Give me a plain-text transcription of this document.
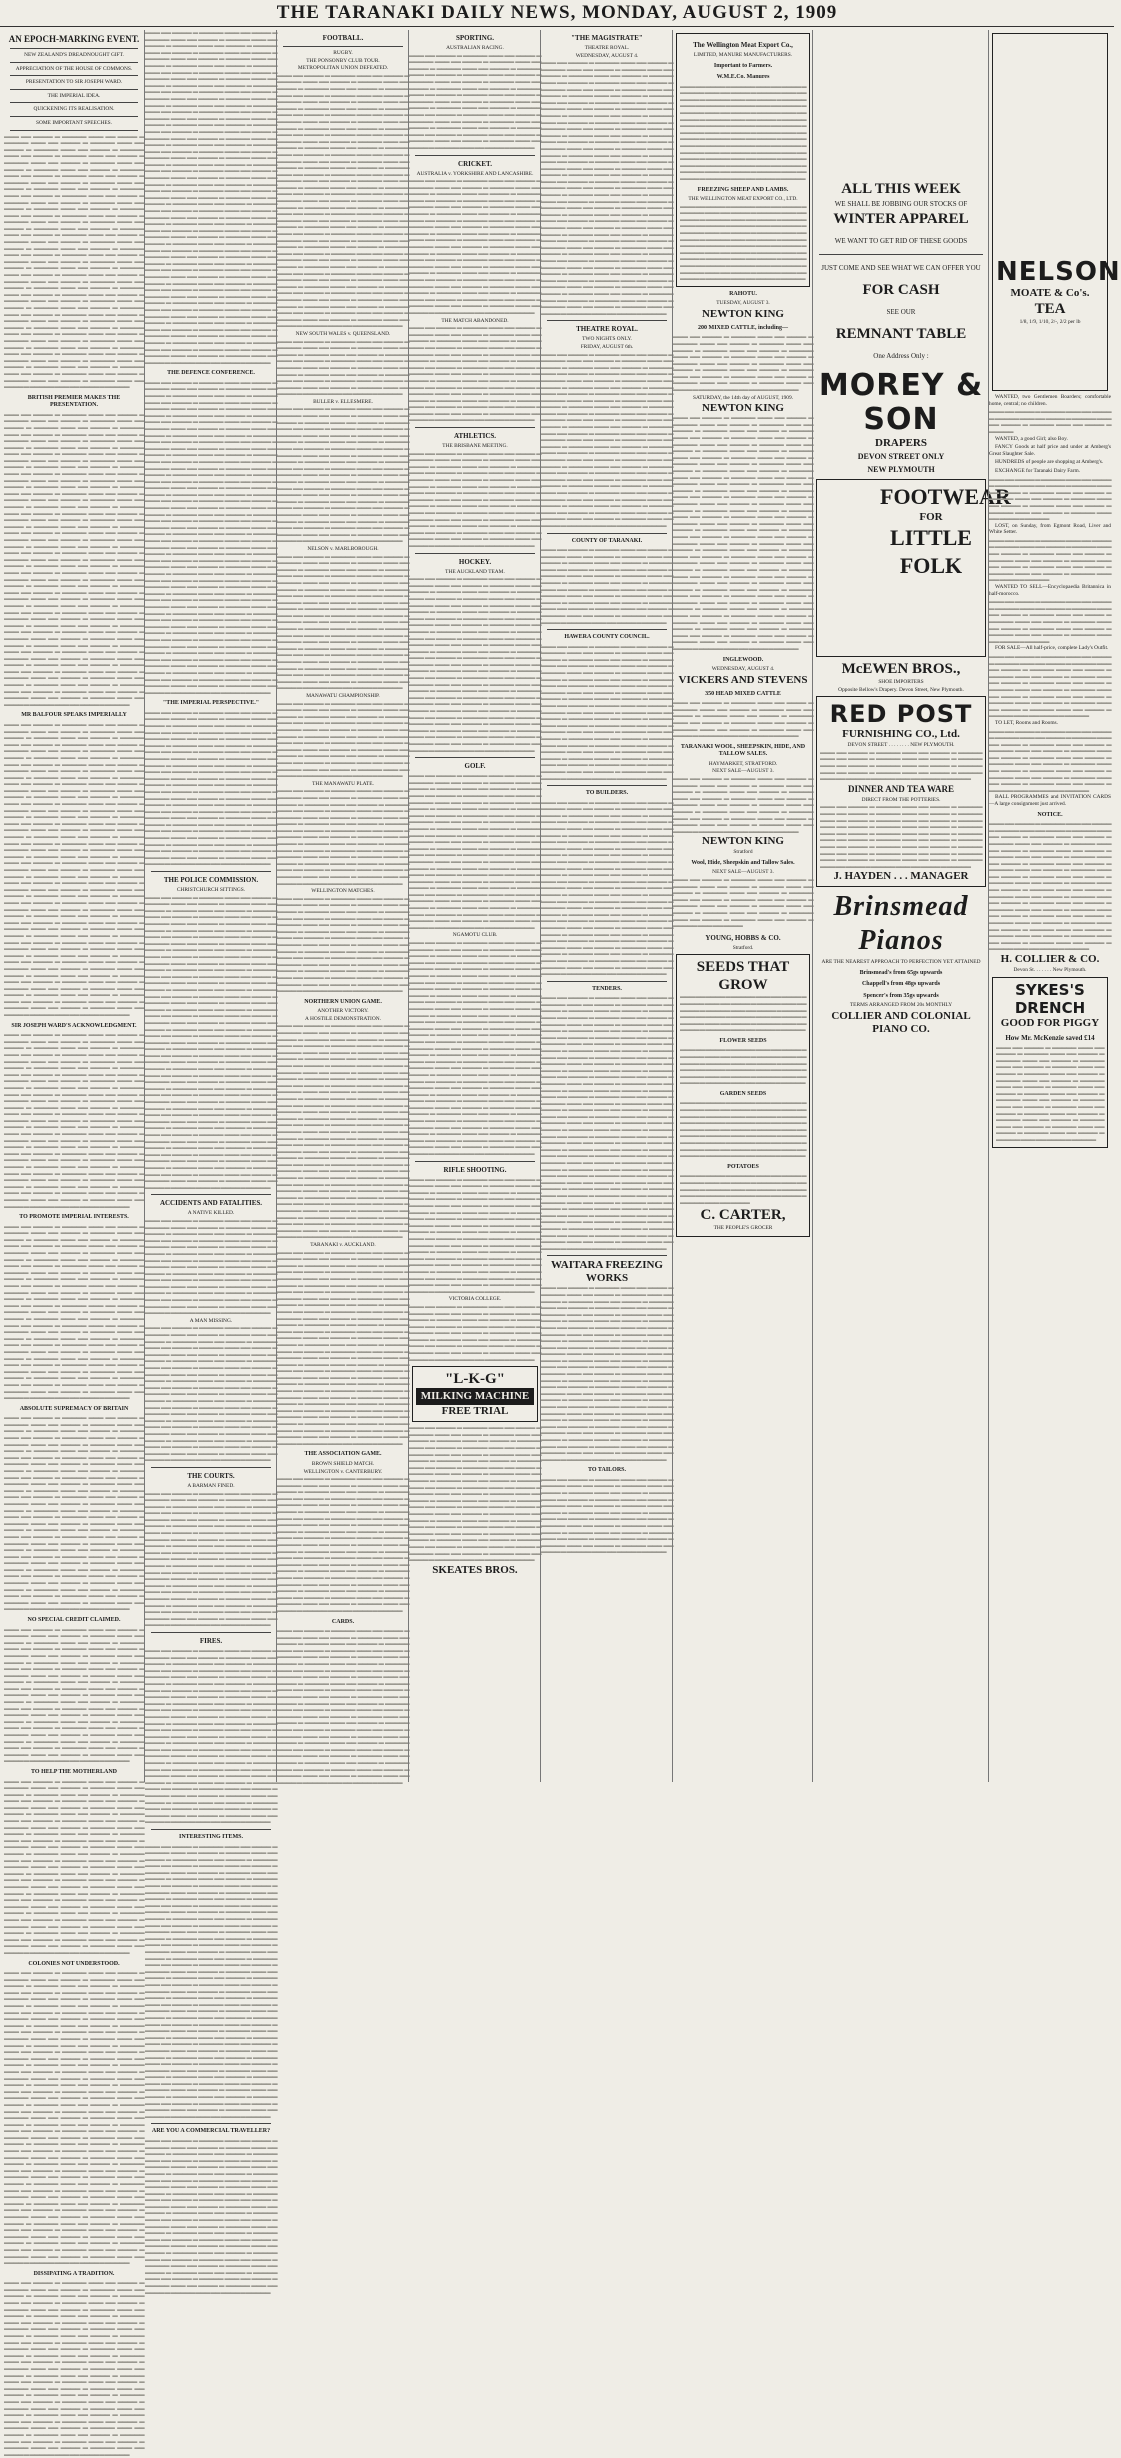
THE TARANAKI DAILY NEWS, MONDAY, AUGUST 2, 1909
AN EPOCH-MARKING EVENT.
NEW ZEALAND'S DREADNOUGHT GIFT.
APPRECIATION OF THE HOUSE OF COMMONS.
PRESENTATION TO SIR JOSEPH WARD.
THE IMPERIAL IDEA.
QUICKENING ITS REALISATION.
SOME IMPORTANT SPEECHES.
▬▬▬ ▬▬ ▬▬▬▬ ▬ ▬▬▬▬▬ ▬▬▬ ▬▬ ▬▬▬▬ ▬ ▬▬▬▬▬ ▬▬▬ ▬▬ ▬▬▬▬ ▬ ▬▬▬▬▬ ▬▬▬ ▬▬ ▬▬▬▬ ▬ ▬▬▬▬▬ ▬▬▬ ▬▬ ▬▬▬▬ ▬ ▬▬▬▬▬ ▬▬▬ ▬▬ ▬▬▬▬ ▬ ▬▬▬▬▬ ▬▬▬ ▬▬ ▬▬▬▬ ▬ ▬▬▬▬▬ ▬▬▬ ▬▬ ▬▬▬▬ ▬ ▬▬▬▬▬ ▬▬▬ ▬▬ ▬▬▬▬ ▬ ▬▬▬▬▬ ▬▬▬ ▬▬ ▬▬▬▬ ▬ ▬▬▬▬▬ ▬▬▬ ▬▬ ▬▬▬▬ ▬ ▬▬▬▬▬ ▬▬▬ ▬▬ ▬▬▬▬ ▬ ▬▬▬▬▬ ▬▬▬ ▬▬ ▬▬▬▬ ▬ ▬▬▬▬▬ ▬▬▬ ▬▬ ▬▬▬▬ ▬ ▬▬▬▬▬ ▬▬▬ ▬▬ ▬▬▬▬ ▬ ▬▬▬▬▬ ▬▬▬ ▬▬ ▬▬▬▬ ▬ ▬▬▬▬▬ ▬▬▬ ▬▬ ▬▬▬▬ ▬ ▬▬▬▬▬ ▬▬▬ ▬▬ ▬▬▬▬ ▬ ▬▬▬▬▬ ▬▬▬ ▬▬ ▬▬▬▬ ▬ ▬▬▬▬▬ ▬▬▬ ▬▬ ▬▬▬▬ ▬ ▬▬▬▬▬ ▬▬▬ ▬▬ ▬▬▬▬ ▬ ▬▬▬▬▬ ▬▬▬ ▬▬ ▬▬▬▬ ▬ ▬▬▬▬▬ ▬▬▬ ▬▬ ▬▬▬▬ ▬ ▬▬▬▬▬ ▬▬▬ ▬▬ ▬▬▬▬ ▬ ▬▬▬▬▬ ▬▬▬ ▬▬ ▬▬▬▬ ▬ ▬▬▬▬▬ ▬▬▬ ▬▬ ▬▬▬▬ ▬ ▬▬▬▬▬ ▬▬▬ ▬▬ ▬▬▬▬ ▬ ▬▬▬▬▬ ▬▬▬ ▬▬ ▬▬▬▬ ▬ ▬▬▬▬▬ ▬▬▬ ▬▬ ▬▬▬▬ ▬ ▬▬▬▬▬ ▬▬▬ ▬▬ ▬▬▬▬ ▬ ▬▬▬▬▬ ▬▬▬ ▬▬ ▬▬▬▬ ▬ ▬▬▬▬▬ ▬▬▬ ▬▬ ▬▬▬▬ ▬ ▬▬▬▬▬ ▬▬▬ ▬▬ ▬▬▬▬ ▬ ▬▬▬▬▬ ▬▬▬ ▬▬ ▬▬▬▬ ▬ ▬▬▬▬▬ ▬▬▬ ▬▬ ▬▬▬▬ ▬ ▬▬▬▬▬ ▬▬▬ ▬▬ ▬▬▬▬ ▬ ▬▬▬▬▬ ▬▬▬ ▬▬ ▬▬▬▬ ▬ ▬▬▬▬▬ ▬▬▬ ▬▬ ▬▬▬▬ ▬ ▬▬▬▬▬ ▬▬▬ ▬▬ ▬▬▬▬ ▬ ▬▬▬▬▬ ▬▬▬ ▬▬ ▬▬▬▬ ▬ ▬▬▬▬▬ ▬▬▬ ▬▬ ▬▬▬▬ ▬ ▬▬▬▬▬ ▬▬▬ ▬▬ ▬▬▬▬ ▬ ▬▬▬▬▬ ▬▬▬ ▬▬ ▬▬▬▬ ▬ ▬▬▬▬▬ ▬▬▬ ▬▬ ▬▬▬▬ ▬ ▬▬▬▬▬ ▬▬▬ ▬▬ ▬▬▬▬ ▬ ▬▬▬▬▬ ▬▬▬ ▬▬ ▬▬▬▬ ▬ ▬▬▬▬▬ ▬▬▬ ▬▬ ▬▬▬▬ ▬ ▬▬▬▬▬ ▬▬▬ ▬▬ ▬▬▬▬ ▬ ▬▬▬▬▬ ▬▬▬ ▬▬ ▬▬▬▬ ▬ ▬▬▬▬▬ ▬▬▬ ▬▬ ▬▬▬▬ ▬ ▬▬▬▬▬ ▬▬▬ ▬▬ ▬▬▬▬ ▬ ▬▬▬▬▬ ▬▬▬ ▬▬ ▬▬▬▬ ▬ ▬▬▬▬▬ ▬▬▬ ▬▬ ▬▬▬▬ ▬ ▬▬▬▬▬ ▬▬▬ ▬▬ ▬▬▬▬ ▬ ▬▬▬▬▬ ▬▬▬ ▬▬ ▬▬▬▬ ▬ ▬▬▬▬▬ ▬▬▬ ▬▬ ▬▬▬▬ ▬ ▬▬▬▬▬ ▬▬▬ ▬▬ ▬▬▬▬ ▬ ▬▬▬▬▬ ▬▬▬ ▬▬ ▬▬▬▬ ▬ ▬▬▬▬▬ ▬▬▬ ▬▬ ▬▬▬▬ ▬ ▬▬▬▬▬ ▬▬▬ ▬▬ ▬▬▬▬ ▬ ▬▬▬▬▬ ▬▬▬ ▬▬ ▬▬▬▬ ▬ ▬▬▬▬▬ ▬▬▬ ▬▬ ▬▬▬▬ ▬ ▬▬▬▬▬ ▬▬▬ ▬▬ ▬▬▬▬ ▬ ▬▬▬▬▬ ▬▬▬ ▬▬ ▬▬▬▬ ▬ ▬▬▬▬▬ ▬▬▬ ▬▬ ▬▬▬▬ ▬ ▬▬▬▬▬
BRITISH PREMIER MAKES THE PRESENTATION.
▬▬▬ ▬▬ ▬▬▬▬ ▬ ▬▬▬▬▬ ▬▬▬ ▬▬ ▬▬▬▬ ▬ ▬▬▬▬▬ ▬▬▬ ▬▬ ▬▬▬▬ ▬ ▬▬▬▬▬ ▬▬▬ ▬▬ ▬▬▬▬ ▬ ▬▬▬▬▬ ▬▬▬ ▬▬ ▬▬▬▬ ▬ ▬▬▬▬▬ ▬▬▬ ▬▬ ▬▬▬▬ ▬ ▬▬▬▬▬ ▬▬▬ ▬▬ ▬▬▬▬ ▬ ▬▬▬▬▬ ▬▬▬ ▬▬ ▬▬▬▬ ▬ ▬▬▬▬▬ ▬▬▬ ▬▬ ▬▬▬▬ ▬ ▬▬▬▬▬ ▬▬▬ ▬▬ ▬▬▬▬ ▬ ▬▬▬▬▬ ▬▬▬ ▬▬ ▬▬▬▬ ▬ ▬▬▬▬▬ ▬▬▬ ▬▬ ▬▬▬▬ ▬ ▬▬▬▬▬ ▬▬▬ ▬▬ ▬▬▬▬ ▬ ▬▬▬▬▬ ▬▬▬ ▬▬ ▬▬▬▬ ▬ ▬▬▬▬▬ ▬▬▬ ▬▬ ▬▬▬▬ ▬ ▬▬▬▬▬ ▬▬▬ ▬▬ ▬▬▬▬ ▬ ▬▬▬▬▬ ▬▬▬ ▬▬ ▬▬▬▬ ▬ ▬▬▬▬▬ ▬▬▬ ▬▬ ▬▬▬▬ ▬ ▬▬▬▬▬ ▬▬▬ ▬▬ ▬▬▬▬ ▬ ▬▬▬▬▬ ▬▬▬ ▬▬ ▬▬▬▬ ▬ ▬▬▬▬▬ ▬▬▬ ▬▬ ▬▬▬▬ ▬ ▬▬▬▬▬ ▬▬▬ ▬▬ ▬▬▬▬ ▬ ▬▬▬▬▬ ▬▬▬ ▬▬ ▬▬▬▬ ▬ ▬▬▬▬▬ ▬▬▬ ▬▬ ▬▬▬▬ ▬ ▬▬▬▬▬ ▬▬▬ ▬▬ ▬▬▬▬ ▬ ▬▬▬▬▬ ▬▬▬ ▬▬ ▬▬▬▬ ▬ ▬▬▬▬▬ ▬▬▬ ▬▬ ▬▬▬▬ ▬ ▬▬▬▬▬ ▬▬▬ ▬▬ ▬▬▬▬ ▬ ▬▬▬▬▬ ▬▬▬ ▬▬ ▬▬▬▬ ▬ ▬▬▬▬▬ ▬▬▬ ▬▬ ▬▬▬▬ ▬ ▬▬▬▬▬ ▬▬▬ ▬▬ ▬▬▬▬ ▬ ▬▬▬▬▬ ▬▬▬ ▬▬ ▬▬▬▬ ▬ ▬▬▬▬▬ ▬▬▬ ▬▬ ▬▬▬▬ ▬ ▬▬▬▬▬ ▬▬▬ ▬▬ ▬▬▬▬ ▬ ▬▬▬▬▬ ▬▬▬ ▬▬ ▬▬▬▬ ▬ ▬▬▬▬▬ ▬▬▬ ▬▬ ▬▬▬▬ ▬ ▬▬▬▬▬ ▬▬▬ ▬▬ ▬▬▬▬ ▬ ▬▬▬▬▬ ▬▬▬ ▬▬ ▬▬▬▬ ▬ ▬▬▬▬▬ ▬▬▬ ▬▬ ▬▬▬▬ ▬ ▬▬▬▬▬ ▬▬▬ ▬▬ ▬▬▬▬ ▬ ▬▬▬▬▬ ▬▬▬ ▬▬ ▬▬▬▬ ▬ ▬▬▬▬▬ ▬▬▬ ▬▬ ▬▬▬▬ ▬ ▬▬▬▬▬ ▬▬▬ ▬▬ ▬▬▬▬ ▬ ▬▬▬▬▬ ▬▬▬ ▬▬ ▬▬▬▬ ▬ ▬▬▬▬▬ ▬▬▬ ▬▬ ▬▬▬▬ ▬ ▬▬▬▬▬ ▬▬▬ ▬▬ ▬▬▬▬ ▬ ▬▬▬▬▬ ▬▬▬ ▬▬ ▬▬▬▬ ▬ ▬▬▬▬▬ ▬▬▬ ▬▬ ▬▬▬▬ ▬ ▬▬▬▬▬ ▬▬▬ ▬▬ ▬▬▬▬ ▬ ▬▬▬▬▬ ▬▬▬ ▬▬ ▬▬▬▬ ▬ ▬▬▬▬▬ ▬▬▬ ▬▬ ▬▬▬▬ ▬ ▬▬▬▬▬ ▬▬▬ ▬▬ ▬▬▬▬ ▬ ▬▬▬▬▬ ▬▬▬ ▬▬ ▬▬▬▬ ▬ ▬▬▬▬▬ ▬▬▬ ▬▬ ▬▬▬▬ ▬ ▬▬▬▬▬ ▬▬▬ ▬▬ ▬▬▬▬ ▬ ▬▬▬▬▬ ▬▬▬ ▬▬ ▬▬▬▬ ▬ ▬▬▬▬▬ ▬▬▬ ▬▬ ▬▬▬▬ ▬ ▬▬▬▬▬ ▬▬▬ ▬▬ ▬▬▬▬ ▬ ▬▬▬▬▬ ▬▬▬ ▬▬ ▬▬▬▬ ▬ ▬▬▬▬▬ ▬▬▬ ▬▬ ▬▬▬▬ ▬ ▬▬▬▬▬ ▬▬▬ ▬▬ ▬▬▬▬ ▬ ▬▬▬▬▬ ▬▬▬ ▬▬ ▬▬▬▬ ▬ ▬▬▬▬▬ ▬▬▬ ▬▬ ▬▬▬▬ ▬ ▬▬▬▬▬ ▬▬▬ ▬▬ ▬▬▬▬ ▬ ▬▬▬▬▬ ▬▬▬ ▬▬ ▬▬▬▬ ▬ ▬▬▬▬▬ ▬▬▬ ▬▬ ▬▬▬▬ ▬ ▬▬▬▬▬ ▬▬▬ ▬▬ ▬▬▬▬ ▬ ▬▬▬▬▬ ▬▬▬ ▬▬ ▬▬▬▬ ▬ ▬▬▬▬▬ ▬▬▬ ▬▬ ▬▬▬▬ ▬ ▬▬▬▬▬ ▬▬▬ ▬▬ ▬▬▬▬ ▬ ▬▬▬▬▬ ▬▬▬ ▬▬ ▬▬▬▬ ▬ ▬▬▬▬▬ ▬▬▬ ▬▬ ▬▬▬▬ ▬ ▬▬▬▬▬ ▬▬▬ ▬▬ ▬▬▬▬ ▬ ▬▬▬▬▬ ▬▬▬ ▬▬ ▬▬▬▬ ▬ ▬▬▬▬▬ ▬▬▬ ▬▬ ▬▬▬▬ ▬ ▬▬▬▬▬
MR BALFOUR SPEAKS IMPERIALLY
▬▬▬ ▬▬ ▬▬▬▬ ▬ ▬▬▬▬▬ ▬▬▬ ▬▬ ▬▬▬▬ ▬ ▬▬▬▬▬ ▬▬▬ ▬▬ ▬▬▬▬ ▬ ▬▬▬▬▬ ▬▬▬ ▬▬ ▬▬▬▬ ▬ ▬▬▬▬▬ ▬▬▬ ▬▬ ▬▬▬▬ ▬ ▬▬▬▬▬ ▬▬▬ ▬▬ ▬▬▬▬ ▬ ▬▬▬▬▬ ▬▬▬ ▬▬ ▬▬▬▬ ▬ ▬▬▬▬▬ ▬▬▬ ▬▬ ▬▬▬▬ ▬ ▬▬▬▬▬ ▬▬▬ ▬▬ ▬▬▬▬ ▬ ▬▬▬▬▬ ▬▬▬ ▬▬ ▬▬▬▬ ▬ ▬▬▬▬▬ ▬▬▬ ▬▬ ▬▬▬▬ ▬ ▬▬▬▬▬ ▬▬▬ ▬▬ ▬▬▬▬ ▬ ▬▬▬▬▬ ▬▬▬ ▬▬ ▬▬▬▬ ▬ ▬▬▬▬▬ ▬▬▬ ▬▬ ▬▬▬▬ ▬ ▬▬▬▬▬ ▬▬▬ ▬▬ ▬▬▬▬ ▬ ▬▬▬▬▬ ▬▬▬ ▬▬ ▬▬▬▬ ▬ ▬▬▬▬▬ ▬▬▬ ▬▬ ▬▬▬▬ ▬ ▬▬▬▬▬ ▬▬▬ ▬▬ ▬▬▬▬ ▬ ▬▬▬▬▬ ▬▬▬ ▬▬ ▬▬▬▬ ▬ ▬▬▬▬▬ ▬▬▬ ▬▬ ▬▬▬▬ ▬ ▬▬▬▬▬ ▬▬▬ ▬▬ ▬▬▬▬ ▬ ▬▬▬▬▬ ▬▬▬ ▬▬ ▬▬▬▬ ▬ ▬▬▬▬▬ ▬▬▬ ▬▬ ▬▬▬▬ ▬ ▬▬▬▬▬ ▬▬▬ ▬▬ ▬▬▬▬ ▬ ▬▬▬▬▬ ▬▬▬ ▬▬ ▬▬▬▬ ▬ ▬▬▬▬▬ ▬▬▬ ▬▬ ▬▬▬▬ ▬ ▬▬▬▬▬ ▬▬▬ ▬▬ ▬▬▬▬ ▬ ▬▬▬▬▬ ▬▬▬ ▬▬ ▬▬▬▬ ▬ ▬▬▬▬▬ ▬▬▬ ▬▬ ▬▬▬▬ ▬ ▬▬▬▬▬ ▬▬▬ ▬▬ ▬▬▬▬ ▬ ▬▬▬▬▬ ▬▬▬ ▬▬ ▬▬▬▬ ▬ ▬▬▬▬▬ ▬▬▬ ▬▬ ▬▬▬▬ ▬ ▬▬▬▬▬ ▬▬▬ ▬▬ ▬▬▬▬ ▬ ▬▬▬▬▬ ▬▬▬ ▬▬ ▬▬▬▬ ▬ ▬▬▬▬▬ ▬▬▬ ▬▬ ▬▬▬▬ ▬ ▬▬▬▬▬ ▬▬▬ ▬▬ ▬▬▬▬ ▬ ▬▬▬▬▬ ▬▬▬ ▬▬ ▬▬▬▬ ▬ ▬▬▬▬▬ ▬▬▬ ▬▬ ▬▬▬▬ ▬ ▬▬▬▬▬ ▬▬▬ ▬▬ ▬▬▬▬ ▬ ▬▬▬▬▬ ▬▬▬ ▬▬ ▬▬▬▬ ▬ ▬▬▬▬▬ ▬▬▬ ▬▬ ▬▬▬▬ ▬ ▬▬▬▬▬ ▬▬▬ ▬▬ ▬▬▬▬ ▬ ▬▬▬▬▬ ▬▬▬ ▬▬ ▬▬▬▬ ▬ ▬▬▬▬▬ ▬▬▬ ▬▬ ▬▬▬▬ ▬ ▬▬▬▬▬ ▬▬▬ ▬▬ ▬▬▬▬ ▬ ▬▬▬▬▬ ▬▬▬ ▬▬ ▬▬▬▬ ▬ ▬▬▬▬▬ ▬▬▬ ▬▬ ▬▬▬▬ ▬ ▬▬▬▬▬ ▬▬▬ ▬▬ ▬▬▬▬ ▬ ▬▬▬▬▬ ▬▬▬ ▬▬ ▬▬▬▬ ▬ ▬▬▬▬▬ ▬▬▬ ▬▬ ▬▬▬▬ ▬ ▬▬▬▬▬ ▬▬▬ ▬▬ ▬▬▬▬ ▬ ▬▬▬▬▬ ▬▬▬ ▬▬ ▬▬▬▬ ▬ ▬▬▬▬▬ ▬▬▬ ▬▬ ▬▬▬▬ ▬ ▬▬▬▬▬ ▬▬▬ ▬▬ ▬▬▬▬ ▬ ▬▬▬▬▬ ▬▬▬ ▬▬ ▬▬▬▬ ▬ ▬▬▬▬▬ ▬▬▬ ▬▬ ▬▬▬▬ ▬ ▬▬▬▬▬ ▬▬▬ ▬▬ ▬▬▬▬ ▬ ▬▬▬▬▬ ▬▬▬ ▬▬ ▬▬▬▬ ▬ ▬▬▬▬▬ ▬▬▬ ▬▬ ▬▬▬▬ ▬ ▬▬▬▬▬ ▬▬▬ ▬▬ ▬▬▬▬ ▬ ▬▬▬▬▬ ▬▬▬ ▬▬ ▬▬▬▬ ▬ ▬▬▬▬▬ ▬▬▬ ▬▬ ▬▬▬▬ ▬ ▬▬▬▬▬ ▬▬▬ ▬▬ ▬▬▬▬ ▬ ▬▬▬▬▬ ▬▬▬ ▬▬ ▬▬▬▬ ▬ ▬▬▬▬▬ ▬▬▬ ▬▬ ▬▬▬▬ ▬ ▬▬▬▬▬ ▬▬▬ ▬▬ ▬▬▬▬ ▬ ▬▬▬▬▬ ▬▬▬ ▬▬ ▬▬▬▬ ▬ ▬▬▬▬▬ ▬▬▬ ▬▬ ▬▬▬▬ ▬ ▬▬▬▬▬ ▬▬▬ ▬▬ ▬▬▬▬ ▬ ▬▬▬▬▬ ▬▬▬ ▬▬ ▬▬▬▬ ▬ ▬▬▬▬▬ ▬▬▬ ▬▬ ▬▬▬▬ ▬ ▬▬▬▬▬ ▬▬▬ ▬▬ ▬▬▬▬ ▬ ▬▬▬▬▬ ▬▬▬ ▬▬ ▬▬▬▬ ▬ ▬▬▬▬▬ ▬▬▬ ▬▬ ▬▬▬▬ ▬ ▬▬▬▬▬ ▬▬▬ ▬▬ ▬▬▬▬ ▬ ▬▬▬▬▬
SIR JOSEPH WARD'S ACKNOWLEDGMENT.
▬▬▬ ▬▬ ▬▬▬▬ ▬ ▬▬▬▬▬ ▬▬▬ ▬▬ ▬▬▬▬ ▬ ▬▬▬▬▬ ▬▬▬ ▬▬ ▬▬▬▬ ▬ ▬▬▬▬▬ ▬▬▬ ▬▬ ▬▬▬▬ ▬ ▬▬▬▬▬ ▬▬▬ ▬▬ ▬▬▬▬ ▬ ▬▬▬▬▬ ▬▬▬ ▬▬ ▬▬▬▬ ▬ ▬▬▬▬▬ ▬▬▬ ▬▬ ▬▬▬▬ ▬ ▬▬▬▬▬ ▬▬▬ ▬▬ ▬▬▬▬ ▬ ▬▬▬▬▬ ▬▬▬ ▬▬ ▬▬▬▬ ▬ ▬▬▬▬▬ ▬▬▬ ▬▬ ▬▬▬▬ ▬ ▬▬▬▬▬ ▬▬▬ ▬▬ ▬▬▬▬ ▬ ▬▬▬▬▬ ▬▬▬ ▬▬ ▬▬▬▬ ▬ ▬▬▬▬▬ ▬▬▬ ▬▬ ▬▬▬▬ ▬ ▬▬▬▬▬ ▬▬▬ ▬▬ ▬▬▬▬ ▬ ▬▬▬▬▬ ▬▬▬ ▬▬ ▬▬▬▬ ▬ ▬▬▬▬▬ ▬▬▬ ▬▬ ▬▬▬▬ ▬ ▬▬▬▬▬ ▬▬▬ ▬▬ ▬▬▬▬ ▬ ▬▬▬▬▬ ▬▬▬ ▬▬ ▬▬▬▬ ▬ ▬▬▬▬▬ ▬▬▬ ▬▬ ▬▬▬▬ ▬ ▬▬▬▬▬ ▬▬▬ ▬▬ ▬▬▬▬ ▬ ▬▬▬▬▬ ▬▬▬ ▬▬ ▬▬▬▬ ▬ ▬▬▬▬▬ ▬▬▬ ▬▬ ▬▬▬▬ ▬ ▬▬▬▬▬ ▬▬▬ ▬▬ ▬▬▬▬ ▬ ▬▬▬▬▬ ▬▬▬ ▬▬ ▬▬▬▬ ▬ ▬▬▬▬▬ ▬▬▬ ▬▬ ▬▬▬▬ ▬ ▬▬▬▬▬ ▬▬▬ ▬▬ ▬▬▬▬ ▬ ▬▬▬▬▬ ▬▬▬ ▬▬ ▬▬▬▬ ▬ ▬▬▬▬▬ ▬▬▬ ▬▬ ▬▬▬▬ ▬ ▬▬▬▬▬ ▬▬▬ ▬▬ ▬▬▬▬ ▬ ▬▬▬▬▬ ▬▬▬ ▬▬ ▬▬▬▬ ▬ ▬▬▬▬▬ ▬▬▬ ▬▬ ▬▬▬▬ ▬ ▬▬▬▬▬ ▬▬▬ ▬▬ ▬▬▬▬ ▬ ▬▬▬▬▬ ▬▬▬ ▬▬ ▬▬▬▬ ▬ ▬▬▬▬▬ ▬▬▬ ▬▬ ▬▬▬▬ ▬ ▬▬▬▬▬ ▬▬▬ ▬▬ ▬▬▬▬ ▬ ▬▬▬▬▬ ▬▬▬ ▬▬ ▬▬▬▬ ▬ ▬▬▬▬▬ ▬▬▬ ▬▬ ▬▬▬▬ ▬ ▬▬▬▬▬ ▬▬▬ ▬▬ ▬▬▬▬ ▬ ▬▬▬▬▬ ▬▬▬ ▬▬ ▬▬▬▬ ▬ ▬▬▬▬▬ ▬▬▬ ▬▬ ▬▬▬▬ ▬ ▬▬▬▬▬ ▬▬▬ ▬▬ ▬▬▬▬ ▬ ▬▬▬▬▬ ▬▬▬ ▬▬ ▬▬▬▬ ▬ ▬▬▬▬▬ ▬▬▬ ▬▬ ▬▬▬▬ ▬ ▬▬▬▬▬ ▬▬▬ ▬▬ ▬▬▬▬ ▬ ▬▬▬▬▬ ▬▬▬ ▬▬ ▬▬▬▬ ▬ ▬▬▬▬▬
TO PROMOTE IMPERIAL INTERESTS.
▬▬▬ ▬▬ ▬▬▬▬ ▬ ▬▬▬▬▬ ▬▬▬ ▬▬ ▬▬▬▬ ▬ ▬▬▬▬▬ ▬▬▬ ▬▬ ▬▬▬▬ ▬ ▬▬▬▬▬ ▬▬▬ ▬▬ ▬▬▬▬ ▬ ▬▬▬▬▬ ▬▬▬ ▬▬ ▬▬▬▬ ▬ ▬▬▬▬▬ ▬▬▬ ▬▬ ▬▬▬▬ ▬ ▬▬▬▬▬ ▬▬▬ ▬▬ ▬▬▬▬ ▬ ▬▬▬▬▬ ▬▬▬ ▬▬ ▬▬▬▬ ▬ ▬▬▬▬▬ ▬▬▬ ▬▬ ▬▬▬▬ ▬ ▬▬▬▬▬ ▬▬▬ ▬▬ ▬▬▬▬ ▬ ▬▬▬▬▬ ▬▬▬ ▬▬ ▬▬▬▬ ▬ ▬▬▬▬▬ ▬▬▬ ▬▬ ▬▬▬▬ ▬ ▬▬▬▬▬ ▬▬▬ ▬▬ ▬▬▬▬ ▬ ▬▬▬▬▬ ▬▬▬ ▬▬ ▬▬▬▬ ▬ ▬▬▬▬▬ ▬▬▬ ▬▬ ▬▬▬▬ ▬ ▬▬▬▬▬ ▬▬▬ ▬▬ ▬▬▬▬ ▬ ▬▬▬▬▬ ▬▬▬ ▬▬ ▬▬▬▬ ▬ ▬▬▬▬▬ ▬▬▬ ▬▬ ▬▬▬▬ ▬ ▬▬▬▬▬ ▬▬▬ ▬▬ ▬▬▬▬ ▬ ▬▬▬▬▬ ▬▬▬ ▬▬ ▬▬▬▬ ▬ ▬▬▬▬▬ ▬▬▬ ▬▬ ▬▬▬▬ ▬ ▬▬▬▬▬ ▬▬▬ ▬▬ ▬▬▬▬ ▬ ▬▬▬▬▬ ▬▬▬ ▬▬ ▬▬▬▬ ▬ ▬▬▬▬▬ ▬▬▬ ▬▬ ▬▬▬▬ ▬ ▬▬▬▬▬ ▬▬▬ ▬▬ ▬▬▬▬ ▬ ▬▬▬▬▬ ▬▬▬ ▬▬ ▬▬▬▬ ▬ ▬▬▬▬▬ ▬▬▬ ▬▬ ▬▬▬▬ ▬ ▬▬▬▬▬ ▬▬▬ ▬▬ ▬▬▬▬ ▬ ▬▬▬▬▬ ▬▬▬ ▬▬ ▬▬▬▬ ▬ ▬▬▬▬▬ ▬▬▬ ▬▬ ▬▬▬▬ ▬ ▬▬▬▬▬ ▬▬▬ ▬▬ ▬▬▬▬ ▬ ▬▬▬▬▬ ▬▬▬ ▬▬ ▬▬▬▬ ▬ ▬▬▬▬▬ ▬▬▬ ▬▬ ▬▬▬▬ ▬ ▬▬▬▬▬ ▬▬▬ ▬▬ ▬▬▬▬ ▬ ▬▬▬▬▬ ▬▬▬ ▬▬ ▬▬▬▬ ▬ ▬▬▬▬▬ ▬▬▬ ▬▬ ▬▬▬▬ ▬ ▬▬▬▬▬ ▬▬▬ ▬▬ ▬▬▬▬ ▬ ▬▬▬▬▬ ▬▬▬ ▬▬ ▬▬▬▬ ▬ ▬▬▬▬▬ ▬▬▬ ▬▬ ▬▬▬▬ ▬ ▬▬▬▬▬ ▬▬▬ ▬▬ ▬▬▬▬ ▬ ▬▬▬▬▬ ▬▬▬ ▬▬ ▬▬▬▬ ▬ ▬▬▬▬▬ ▬▬▬ ▬▬ ▬▬▬▬ ▬ ▬▬▬▬▬ ▬▬▬ ▬▬ ▬▬▬▬ ▬ ▬▬▬▬▬ ▬▬▬ ▬▬ ▬▬▬▬ ▬ ▬▬▬▬▬ ▬▬▬ ▬▬ ▬▬▬▬ ▬ ▬▬▬▬▬
ABSOLUTE SUPREMACY OF BRITAIN
▬▬▬ ▬▬ ▬▬▬▬ ▬ ▬▬▬▬▬ ▬▬▬ ▬▬ ▬▬▬▬ ▬ ▬▬▬▬▬ ▬▬▬ ▬▬ ▬▬▬▬ ▬ ▬▬▬▬▬ ▬▬▬ ▬▬ ▬▬▬▬ ▬ ▬▬▬▬▬ ▬▬▬ ▬▬ ▬▬▬▬ ▬ ▬▬▬▬▬ ▬▬▬ ▬▬ ▬▬▬▬ ▬ ▬▬▬▬▬ ▬▬▬ ▬▬ ▬▬▬▬ ▬ ▬▬▬▬▬ ▬▬▬ ▬▬ ▬▬▬▬ ▬ ▬▬▬▬▬ ▬▬▬ ▬▬ ▬▬▬▬ ▬ ▬▬▬▬▬ ▬▬▬ ▬▬ ▬▬▬▬ ▬ ▬▬▬▬▬ ▬▬▬ ▬▬ ▬▬▬▬ ▬ ▬▬▬▬▬ ▬▬▬ ▬▬ ▬▬▬▬ ▬ ▬▬▬▬▬ ▬▬▬ ▬▬ ▬▬▬▬ ▬ ▬▬▬▬▬ ▬▬▬ ▬▬ ▬▬▬▬ ▬ ▬▬▬▬▬ ▬▬▬ ▬▬ ▬▬▬▬ ▬ ▬▬▬▬▬ ▬▬▬ ▬▬ ▬▬▬▬ ▬ ▬▬▬▬▬ ▬▬▬ ▬▬ ▬▬▬▬ ▬ ▬▬▬▬▬ ▬▬▬ ▬▬ ▬▬▬▬ ▬ ▬▬▬▬▬ ▬▬▬ ▬▬ ▬▬▬▬ ▬ ▬▬▬▬▬ ▬▬▬ ▬▬ ▬▬▬▬ ▬ ▬▬▬▬▬ ▬▬▬ ▬▬ ▬▬▬▬ ▬ ▬▬▬▬▬ ▬▬▬ ▬▬ ▬▬▬▬ ▬ ▬▬▬▬▬ ▬▬▬ ▬▬ ▬▬▬▬ ▬ ▬▬▬▬▬ ▬▬▬ ▬▬ ▬▬▬▬ ▬ ▬▬▬▬▬ ▬▬▬ ▬▬ ▬▬▬▬ ▬ ▬▬▬▬▬ ▬▬▬ ▬▬ ▬▬▬▬ ▬ ▬▬▬▬▬ ▬▬▬ ▬▬ ▬▬▬▬ ▬ ▬▬▬▬▬ ▬▬▬ ▬▬ ▬▬▬▬ ▬ ▬▬▬▬▬ ▬▬▬ ▬▬ ▬▬▬▬ ▬ ▬▬▬▬▬ ▬▬▬ ▬▬ ▬▬▬▬ ▬ ▬▬▬▬▬ ▬▬▬ ▬▬ ▬▬▬▬ ▬ ▬▬▬▬▬ ▬▬▬ ▬▬ ▬▬▬▬ ▬ ▬▬▬▬▬ ▬▬▬ ▬▬ ▬▬▬▬ ▬ ▬▬▬▬▬ ▬▬▬ ▬▬ ▬▬▬▬ ▬ ▬▬▬▬▬ ▬▬▬ ▬▬ ▬▬▬▬ ▬ ▬▬▬▬▬ ▬▬▬ ▬▬ ▬▬▬▬ ▬ ▬▬▬▬▬ ▬▬▬ ▬▬ ▬▬▬▬ ▬ ▬▬▬▬▬ ▬▬▬ ▬▬ ▬▬▬▬ ▬ ▬▬▬▬▬ ▬▬▬ ▬▬ ▬▬▬▬ ▬ ▬▬▬▬▬ ▬▬▬ ▬▬ ▬▬▬▬ ▬ ▬▬▬▬▬ ▬▬▬ ▬▬ ▬▬▬▬ ▬ ▬▬▬▬▬ ▬▬▬ ▬▬ ▬▬▬▬ ▬ ▬▬▬▬▬ ▬▬▬ ▬▬ ▬▬▬▬ ▬ ▬▬▬▬▬ ▬▬▬ ▬▬ ▬▬▬▬ ▬ ▬▬▬▬▬ ▬▬▬ ▬▬ ▬▬▬▬ ▬ ▬▬▬▬▬ ▬▬▬ ▬▬ ▬▬▬▬ ▬ ▬▬▬▬▬ ▬▬▬ ▬▬ ▬▬▬▬ ▬ ▬▬▬▬▬ ▬▬▬ ▬▬ ▬▬▬▬ ▬ ▬▬▬▬▬ ▬▬▬ ▬▬ ▬▬▬▬ ▬ ▬▬▬▬▬ ▬▬▬ ▬▬ ▬▬▬▬ ▬ ▬▬▬▬▬
NO SPECIAL CREDIT CLAIMED.
▬▬▬ ▬▬ ▬▬▬▬ ▬ ▬▬▬▬▬ ▬▬▬ ▬▬ ▬▬▬▬ ▬ ▬▬▬▬▬ ▬▬▬ ▬▬ ▬▬▬▬ ▬ ▬▬▬▬▬ ▬▬▬ ▬▬ ▬▬▬▬ ▬ ▬▬▬▬▬ ▬▬▬ ▬▬ ▬▬▬▬ ▬ ▬▬▬▬▬ ▬▬▬ ▬▬ ▬▬▬▬ ▬ ▬▬▬▬▬ ▬▬▬ ▬▬ ▬▬▬▬ ▬ ▬▬▬▬▬ ▬▬▬ ▬▬ ▬▬▬▬ ▬ ▬▬▬▬▬ ▬▬▬ ▬▬ ▬▬▬▬ ▬ ▬▬▬▬▬ ▬▬▬ ▬▬ ▬▬▬▬ ▬ ▬▬▬▬▬ ▬▬▬ ▬▬ ▬▬▬▬ ▬ ▬▬▬▬▬ ▬▬▬ ▬▬ ▬▬▬▬ ▬ ▬▬▬▬▬ ▬▬▬ ▬▬ ▬▬▬▬ ▬ ▬▬▬▬▬ ▬▬▬ ▬▬ ▬▬▬▬ ▬ ▬▬▬▬▬ ▬▬▬ ▬▬ ▬▬▬▬ ▬ ▬▬▬▬▬ ▬▬▬ ▬▬ ▬▬▬▬ ▬ ▬▬▬▬▬ ▬▬▬ ▬▬ ▬▬▬▬ ▬ ▬▬▬▬▬ ▬▬▬ ▬▬ ▬▬▬▬ ▬ ▬▬▬▬▬ ▬▬▬ ▬▬ ▬▬▬▬ ▬ ▬▬▬▬▬ ▬▬▬ ▬▬ ▬▬▬▬ ▬ ▬▬▬▬▬ ▬▬▬ ▬▬ ▬▬▬▬ ▬ ▬▬▬▬▬ ▬▬▬ ▬▬ ▬▬▬▬ ▬ ▬▬▬▬▬ ▬▬▬ ▬▬ ▬▬▬▬ ▬ ▬▬▬▬▬ ▬▬▬ ▬▬ ▬▬▬▬ ▬ ▬▬▬▬▬ ▬▬▬ ▬▬ ▬▬▬▬ ▬ ▬▬▬▬▬ ▬▬▬ ▬▬ ▬▬▬▬ ▬ ▬▬▬▬▬ ▬▬▬ ▬▬ ▬▬▬▬ ▬ ▬▬▬▬▬ ▬▬▬ ▬▬ ▬▬▬▬ ▬ ▬▬▬▬▬ ▬▬▬ ▬▬ ▬▬▬▬ ▬ ▬▬▬▬▬ ▬▬▬ ▬▬ ▬▬▬▬ ▬ ▬▬▬▬▬ ▬▬▬ ▬▬ ▬▬▬▬ ▬ ▬▬▬▬▬ ▬▬▬ ▬▬ ▬▬▬▬ ▬ ▬▬▬▬▬ ▬▬▬ ▬▬ ▬▬▬▬ ▬ ▬▬▬▬▬ ▬▬▬ ▬▬ ▬▬▬▬ ▬ ▬▬▬▬▬ ▬▬▬ ▬▬ ▬▬▬▬ ▬ ▬▬▬▬▬
TO HELP THE MOTHERLAND
▬▬▬ ▬▬ ▬▬▬▬ ▬ ▬▬▬▬▬ ▬▬▬ ▬▬ ▬▬▬▬ ▬ ▬▬▬▬▬ ▬▬▬ ▬▬ ▬▬▬▬ ▬ ▬▬▬▬▬ ▬▬▬ ▬▬ ▬▬▬▬ ▬ ▬▬▬▬▬ ▬▬▬ ▬▬ ▬▬▬▬ ▬ ▬▬▬▬▬ ▬▬▬ ▬▬ ▬▬▬▬ ▬ ▬▬▬▬▬ ▬▬▬ ▬▬ ▬▬▬▬ ▬ ▬▬▬▬▬ ▬▬▬ ▬▬ ▬▬▬▬ ▬ ▬▬▬▬▬ ▬▬▬ ▬▬ ▬▬▬▬ ▬ ▬▬▬▬▬ ▬▬▬ ▬▬ ▬▬▬▬ ▬ ▬▬▬▬▬ ▬▬▬ ▬▬ ▬▬▬▬ ▬ ▬▬▬▬▬ ▬▬▬ ▬▬ ▬▬▬▬ ▬ ▬▬▬▬▬ ▬▬▬ ▬▬ ▬▬▬▬ ▬ ▬▬▬▬▬ ▬▬▬ ▬▬ ▬▬▬▬ ▬ ▬▬▬▬▬ ▬▬▬ ▬▬ ▬▬▬▬ ▬ ▬▬▬▬▬ ▬▬▬ ▬▬ ▬▬▬▬ ▬ ▬▬▬▬▬ ▬▬▬ ▬▬ ▬▬▬▬ ▬ ▬▬▬▬▬ ▬▬▬ ▬▬ ▬▬▬▬ ▬ ▬▬▬▬▬ ▬▬▬ ▬▬ ▬▬▬▬ ▬ ▬▬▬▬▬ ▬▬▬ ▬▬ ▬▬▬▬ ▬ ▬▬▬▬▬ ▬▬▬ ▬▬ ▬▬▬▬ ▬ ▬▬▬▬▬ ▬▬▬ ▬▬ ▬▬▬▬ ▬ ▬▬▬▬▬ ▬▬▬ ▬▬ ▬▬▬▬ ▬ ▬▬▬▬▬ ▬▬▬ ▬▬ ▬▬▬▬ ▬ ▬▬▬▬▬ ▬▬▬ ▬▬ ▬▬▬▬ ▬ ▬▬▬▬▬ ▬▬▬ ▬▬ ▬▬▬▬ ▬ ▬▬▬▬▬ ▬▬▬ ▬▬ ▬▬▬▬ ▬ ▬▬▬▬▬ ▬▬▬ ▬▬ ▬▬▬▬ ▬ ▬▬▬▬▬ ▬▬▬ ▬▬ ▬▬▬▬ ▬ ▬▬▬▬▬ ▬▬▬ ▬▬ ▬▬▬▬ ▬ ▬▬▬▬▬ ▬▬▬ ▬▬ ▬▬▬▬ ▬ ▬▬▬▬▬ ▬▬▬ ▬▬ ▬▬▬▬ ▬ ▬▬▬▬▬ ▬▬▬ ▬▬ ▬▬▬▬ ▬ ▬▬▬▬▬ ▬▬▬ ▬▬ ▬▬▬▬ ▬ ▬▬▬▬▬ ▬▬▬ ▬▬ ▬▬▬▬ ▬ ▬▬▬▬▬ ▬▬▬ ▬▬ ▬▬▬▬ ▬ ▬▬▬▬▬ ▬▬▬ ▬▬ ▬▬▬▬ ▬ ▬▬▬▬▬ ▬▬▬ ▬▬ ▬▬▬▬ ▬ ▬▬▬▬▬ ▬▬▬ ▬▬ ▬▬▬▬ ▬ ▬▬▬▬▬ ▬▬▬ ▬▬ ▬▬▬▬ ▬ ▬▬▬▬▬ ▬▬▬ ▬▬ ▬▬▬▬ ▬ ▬▬▬▬▬ ▬▬▬ ▬▬ ▬▬▬▬ ▬ ▬▬▬▬▬ ▬▬▬ ▬▬ ▬▬▬▬ ▬ ▬▬▬▬▬ ▬▬▬ ▬▬ ▬▬▬▬ ▬ ▬▬▬▬▬ ▬▬▬ ▬▬ ▬▬▬▬ ▬ ▬▬▬▬▬
COLONIES NOT UNDERSTOOD.
▬▬▬ ▬▬ ▬▬▬▬ ▬ ▬▬▬▬▬ ▬▬▬ ▬▬ ▬▬▬▬ ▬ ▬▬▬▬▬ ▬▬▬ ▬▬ ▬▬▬▬ ▬ ▬▬▬▬▬ ▬▬▬ ▬▬ ▬▬▬▬ ▬ ▬▬▬▬▬ ▬▬▬ ▬▬ ▬▬▬▬ ▬ ▬▬▬▬▬ ▬▬▬ ▬▬ ▬▬▬▬ ▬ ▬▬▬▬▬ ▬▬▬ ▬▬ ▬▬▬▬ ▬ ▬▬▬▬▬ ▬▬▬ ▬▬ ▬▬▬▬ ▬ ▬▬▬▬▬ ▬▬▬ ▬▬ ▬▬▬▬ ▬ ▬▬▬▬▬ ▬▬▬ ▬▬ ▬▬▬▬ ▬ ▬▬▬▬▬ ▬▬▬ ▬▬ ▬▬▬▬ ▬ ▬▬▬▬▬ ▬▬▬ ▬▬ ▬▬▬▬ ▬ ▬▬▬▬▬ ▬▬▬ ▬▬ ▬▬▬▬ ▬ ▬▬▬▬▬ ▬▬▬ ▬▬ ▬▬▬▬ ▬ ▬▬▬▬▬ ▬▬▬ ▬▬ ▬▬▬▬ ▬ ▬▬▬▬▬ ▬▬▬ ▬▬ ▬▬▬▬ ▬ ▬▬▬▬▬ ▬▬▬ ▬▬ ▬▬▬▬ ▬ ▬▬▬▬▬ ▬▬▬ ▬▬ ▬▬▬▬ ▬ ▬▬▬▬▬ ▬▬▬ ▬▬ ▬▬▬▬ ▬ ▬▬▬▬▬ ▬▬▬ ▬▬ ▬▬▬▬ ▬ ▬▬▬▬▬ ▬▬▬ ▬▬ ▬▬▬▬ ▬ ▬▬▬▬▬ ▬▬▬ ▬▬ ▬▬▬▬ ▬ ▬▬▬▬▬ ▬▬▬ ▬▬ ▬▬▬▬ ▬ ▬▬▬▬▬ ▬▬▬ ▬▬ ▬▬▬▬ ▬ ▬▬▬▬▬ ▬▬▬ ▬▬ ▬▬▬▬ ▬ ▬▬▬▬▬ ▬▬▬ ▬▬ ▬▬▬▬ ▬ ▬▬▬▬▬ ▬▬▬ ▬▬ ▬▬▬▬ ▬ ▬▬▬▬▬ ▬▬▬ ▬▬ ▬▬▬▬ ▬ ▬▬▬▬▬ ▬▬▬ ▬▬ ▬▬▬▬ ▬ ▬▬▬▬▬ ▬▬▬ ▬▬ ▬▬▬▬ ▬ ▬▬▬▬▬ ▬▬▬ ▬▬ ▬▬▬▬ ▬ ▬▬▬▬▬ ▬▬▬ ▬▬ ▬▬▬▬ ▬ ▬▬▬▬▬ ▬▬▬ ▬▬ ▬▬▬▬ ▬ ▬▬▬▬▬ ▬▬▬ ▬▬ ▬▬▬▬ ▬ ▬▬▬▬▬ ▬▬▬ ▬▬ ▬▬▬▬ ▬ ▬▬▬▬▬ ▬▬▬ ▬▬ ▬▬▬▬ ▬ ▬▬▬▬▬ ▬▬▬ ▬▬ ▬▬▬▬ ▬ ▬▬▬▬▬ ▬▬▬ ▬▬ ▬▬▬▬ ▬ ▬▬▬▬▬ ▬▬▬ ▬▬ ▬▬▬▬ ▬ ▬▬▬▬▬ ▬▬▬ ▬▬ ▬▬▬▬ ▬ ▬▬▬▬▬ ▬▬▬ ▬▬ ▬▬▬▬ ▬ ▬▬▬▬▬ ▬▬▬ ▬▬ ▬▬▬▬ ▬ ▬▬▬▬▬ ▬▬▬ ▬▬ ▬▬▬▬ ▬ ▬▬▬▬▬ ▬▬▬ ▬▬ ▬▬▬▬ ▬ ▬▬▬▬▬ ▬▬▬ ▬▬ ▬▬▬▬ ▬ ▬▬▬▬▬ ▬▬▬ ▬▬ ▬▬▬▬ ▬ ▬▬▬▬▬ ▬▬▬ ▬▬ ▬▬▬▬ ▬ ▬▬▬▬▬ ▬▬▬ ▬▬ ▬▬▬▬ ▬ ▬▬▬▬▬ ▬▬▬ ▬▬ ▬▬▬▬ ▬ ▬▬▬▬▬ ▬▬▬ ▬▬ ▬▬▬▬ ▬ ▬▬▬▬▬ ▬▬▬ ▬▬ ▬▬▬▬ ▬ ▬▬▬▬▬ ▬▬▬ ▬▬ ▬▬▬▬ ▬ ▬▬▬▬▬ ▬▬▬ ▬▬ ▬▬▬▬ ▬ ▬▬▬▬▬ ▬▬▬ ▬▬ ▬▬▬▬ ▬ ▬▬▬▬▬ ▬▬▬ ▬▬ ▬▬▬▬ ▬ ▬▬▬▬▬ ▬▬▬ ▬▬ ▬▬▬▬ ▬ ▬▬▬▬▬ ▬▬▬ ▬▬ ▬▬▬▬ ▬ ▬▬▬▬▬ ▬▬▬ ▬▬ ▬▬▬▬ ▬ ▬▬▬▬▬ ▬▬▬ ▬▬ ▬▬▬▬ ▬ ▬▬▬▬▬ ▬▬▬ ▬▬ ▬▬▬▬ ▬ ▬▬▬▬▬ ▬▬▬ ▬▬ ▬▬▬▬ ▬ ▬▬▬▬▬ ▬▬▬ ▬▬ ▬▬▬▬ ▬ ▬▬▬▬▬ ▬▬▬ ▬▬ ▬▬▬▬ ▬ ▬▬▬▬▬ ▬▬▬ ▬▬ ▬▬▬▬ ▬ ▬▬▬▬▬ ▬▬▬ ▬▬ ▬▬▬▬ ▬ ▬▬▬▬▬ ▬▬▬ ▬▬ ▬▬▬▬ ▬ ▬▬▬▬▬ ▬▬▬ ▬▬ ▬▬▬▬ ▬ ▬▬▬▬▬ ▬▬▬ ▬▬ ▬▬▬▬ ▬ ▬▬▬▬▬ ▬▬▬ ▬▬ ▬▬▬▬ ▬ ▬▬▬▬▬ ▬▬▬ ▬▬ ▬▬▬▬ ▬ ▬▬▬▬▬ ▬▬▬ ▬▬ ▬▬▬▬ ▬ ▬▬▬▬▬ ▬▬▬ ▬▬ ▬▬▬▬ ▬ ▬▬▬▬▬ ▬▬▬ ▬▬ ▬▬▬▬ ▬ ▬▬▬▬▬ ▬▬▬ ▬▬ ▬▬▬▬ ▬ ▬▬▬▬▬ ▬▬▬ ▬▬ ▬▬▬▬ ▬ ▬▬▬▬▬
DISSIPATING A TRADITION.
▬▬▬ ▬▬ ▬▬▬▬ ▬ ▬▬▬▬▬ ▬▬▬ ▬▬ ▬▬▬▬ ▬ ▬▬▬▬▬ ▬▬▬ ▬▬ ▬▬▬▬ ▬ ▬▬▬▬▬ ▬▬▬ ▬▬ ▬▬▬▬ ▬ ▬▬▬▬▬ ▬▬▬ ▬▬ ▬▬▬▬ ▬ ▬▬▬▬▬ ▬▬▬ ▬▬ ▬▬▬▬ ▬ ▬▬▬▬▬ ▬▬▬ ▬▬ ▬▬▬▬ ▬ ▬▬▬▬▬ ▬▬▬ ▬▬ ▬▬▬▬ ▬ ▬▬▬▬▬ ▬▬▬ ▬▬ ▬▬▬▬ ▬ ▬▬▬▬▬ ▬▬▬ ▬▬ ▬▬▬▬ ▬ ▬▬▬▬▬ ▬▬▬ ▬▬ ▬▬▬▬ ▬ ▬▬▬▬▬ ▬▬▬ ▬▬ ▬▬▬▬ ▬ ▬▬▬▬▬ ▬▬▬ ▬▬ ▬▬▬▬ ▬ ▬▬▬▬▬ ▬▬▬ ▬▬ ▬▬▬▬ ▬ ▬▬▬▬▬ ▬▬▬ ▬▬ ▬▬▬▬ ▬ ▬▬▬▬▬ ▬▬▬ ▬▬ ▬▬▬▬ ▬ ▬▬▬▬▬ ▬▬▬ ▬▬ ▬▬▬▬ ▬ ▬▬▬▬▬ ▬▬▬ ▬▬ ▬▬▬▬ ▬ ▬▬▬▬▬ ▬▬▬ ▬▬ ▬▬▬▬ ▬ ▬▬▬▬▬ ▬▬▬ ▬▬ ▬▬▬▬ ▬ ▬▬▬▬▬ ▬▬▬ ▬▬ ▬▬▬▬ ▬ ▬▬▬▬▬ ▬▬▬ ▬▬ ▬▬▬▬ ▬ ▬▬▬▬▬ ▬▬▬ ▬▬ ▬▬▬▬ ▬ ▬▬▬▬▬ ▬▬▬ ▬▬ ▬▬▬▬ ▬ ▬▬▬▬▬ ▬▬▬ ▬▬ ▬▬▬▬ ▬ ▬▬▬▬▬ ▬▬▬ ▬▬ ▬▬▬▬ ▬ ▬▬▬▬▬ ▬▬▬ ▬▬ ▬▬▬▬ ▬ ▬▬▬▬▬ ▬▬▬ ▬▬ ▬▬▬▬ ▬ ▬▬▬▬▬ ▬▬▬ ▬▬ ▬▬▬▬ ▬ ▬▬▬▬▬ ▬▬▬ ▬▬ ▬▬▬▬ ▬ ▬▬▬▬▬ ▬▬▬ ▬▬ ▬▬▬▬ ▬ ▬▬▬▬▬ ▬▬▬ ▬▬ ▬▬▬▬ ▬ ▬▬▬▬▬ ▬▬▬ ▬▬ ▬▬▬▬ ▬ ▬▬▬▬▬ ▬▬▬ ▬▬ ▬▬▬▬ ▬ ▬▬▬▬▬ ▬▬▬ ▬▬ ▬▬▬▬ ▬ ▬▬▬▬▬ ▬▬▬ ▬▬ ▬▬▬▬ ▬ ▬▬▬▬▬ ▬▬▬ ▬▬ ▬▬▬▬ ▬ ▬▬▬▬▬ ▬▬▬ ▬▬ ▬▬▬▬ ▬ ▬▬▬▬▬ ▬▬▬ ▬▬ ▬▬▬▬ ▬ ▬▬▬▬▬ ▬▬▬ ▬▬ ▬▬▬▬ ▬ ▬▬▬▬▬ ▬▬▬ ▬▬ ▬▬▬▬ ▬ ▬▬▬▬▬ ▬▬▬ ▬▬ ▬▬▬▬ ▬ ▬▬▬▬▬ ▬▬▬ ▬▬ ▬▬▬▬ ▬ ▬▬▬▬▬ ▬▬▬ ▬▬ ▬▬▬▬ ▬ ▬▬▬▬▬ ▬▬▬ ▬▬ ▬▬▬▬ ▬ ▬▬▬▬▬
▬▬▬ ▬▬ ▬▬▬▬ ▬ ▬▬▬▬▬ ▬▬▬ ▬▬ ▬▬▬▬ ▬ ▬▬▬▬▬ ▬▬▬ ▬▬ ▬▬▬▬ ▬ ▬▬▬▬▬ ▬▬▬ ▬▬ ▬▬▬▬ ▬ ▬▬▬▬▬ ▬▬▬ ▬▬ ▬▬▬▬ ▬ ▬▬▬▬▬ ▬▬▬ ▬▬ ▬▬▬▬ ▬ ▬▬▬▬▬ ▬▬▬ ▬▬ ▬▬▬▬ ▬ ▬▬▬▬▬ ▬▬▬ ▬▬ ▬▬▬▬ ▬ ▬▬▬▬▬ ▬▬▬ ▬▬ ▬▬▬▬ ▬ ▬▬▬▬▬ ▬▬▬ ▬▬ ▬▬▬▬ ▬ ▬▬▬▬▬ ▬▬▬ ▬▬ ▬▬▬▬ ▬ ▬▬▬▬▬ ▬▬▬ ▬▬ ▬▬▬▬ ▬ ▬▬▬▬▬ ▬▬▬ ▬▬ ▬▬▬▬ ▬ ▬▬▬▬▬ ▬▬▬ ▬▬ ▬▬▬▬ ▬ ▬▬▬▬▬ ▬▬▬ ▬▬ ▬▬▬▬ ▬ ▬▬▬▬▬ ▬▬▬ ▬▬ ▬▬▬▬ ▬ ▬▬▬▬▬ ▬▬▬ ▬▬ ▬▬▬▬ ▬ ▬▬▬▬▬ ▬▬▬ ▬▬ ▬▬▬▬ ▬ ▬▬▬▬▬ ▬▬▬ ▬▬ ▬▬▬▬ ▬ ▬▬▬▬▬ ▬▬▬ ▬▬ ▬▬▬▬ ▬ ▬▬▬▬▬ ▬▬▬ ▬▬ ▬▬▬▬ ▬ ▬▬▬▬▬ ▬▬▬ ▬▬ ▬▬▬▬ ▬ ▬▬▬▬▬ ▬▬▬ ▬▬ ▬▬▬▬ ▬ ▬▬▬▬▬ ▬▬▬ ▬▬ ▬▬▬▬ ▬ ▬▬▬▬▬ ▬▬▬ ▬▬ ▬▬▬▬ ▬ ▬▬▬▬▬ ▬▬▬ ▬▬ ▬▬▬▬ ▬ ▬▬▬▬▬ ▬▬▬ ▬▬ ▬▬▬▬ ▬ ▬▬▬▬▬ ▬▬▬ ▬▬ ▬▬▬▬ ▬ ▬▬▬▬▬ ▬▬▬ ▬▬ ▬▬▬▬ ▬ ▬▬▬▬▬ ▬▬▬ ▬▬ ▬▬▬▬ ▬ ▬▬▬▬▬ ▬▬▬ ▬▬ ▬▬▬▬ ▬ ▬▬▬▬▬ ▬▬▬ ▬▬ ▬▬▬▬ ▬ ▬▬▬▬▬ ▬▬▬ ▬▬ ▬▬▬▬ ▬ ▬▬▬▬▬ ▬▬▬ ▬▬ ▬▬▬▬ ▬ ▬▬▬▬▬ ▬▬▬ ▬▬ ▬▬▬▬ ▬ ▬▬▬▬▬ ▬▬▬ ▬▬ ▬▬▬▬ ▬ ▬▬▬▬▬ ▬▬▬ ▬▬ ▬▬▬▬ ▬ ▬▬▬▬▬ ▬▬▬ ▬▬ ▬▬▬▬ ▬ ▬▬▬▬▬ ▬▬▬ ▬▬ ▬▬▬▬ ▬ ▬▬▬▬▬ ▬▬▬ ▬▬ ▬▬▬▬ ▬ ▬▬▬▬▬ ▬▬▬ ▬▬ ▬▬▬▬ ▬ ▬▬▬▬▬ ▬▬▬ ▬▬ ▬▬▬▬ ▬ ▬▬▬▬▬ ▬▬▬ ▬▬ ▬▬▬▬ ▬ ▬▬▬▬▬ ▬▬▬ ▬▬ ▬▬▬▬ ▬ ▬▬▬▬▬ ▬▬▬ ▬▬ ▬▬▬▬ ▬ ▬▬▬▬▬ ▬▬▬ ▬▬ ▬▬▬▬ ▬ ▬▬▬▬▬ ▬▬▬ ▬▬ ▬▬▬▬ ▬ ▬▬▬▬▬ ▬▬▬ ▬▬ ▬▬▬▬ ▬ ▬▬▬▬▬ ▬▬▬ ▬▬ ▬▬▬▬ ▬ ▬▬▬▬▬ ▬▬▬ ▬▬ ▬▬▬▬ ▬ ▬▬▬▬▬ ▬▬▬ ▬▬ ▬▬▬▬ ▬ ▬▬▬▬▬ ▬▬▬ ▬▬ ▬▬▬▬ ▬ ▬▬▬▬▬ ▬▬▬ ▬▬ ▬▬▬▬ ▬ ▬▬▬▬▬ ▬▬▬ ▬▬ ▬▬▬▬ ▬ ▬▬▬▬▬ ▬▬▬ ▬▬ ▬▬▬▬ ▬ ▬▬▬▬▬ ▬▬▬ ▬▬ ▬▬▬▬ ▬ ▬▬▬▬▬ ▬▬▬ ▬▬ ▬▬▬▬ ▬ ▬▬▬▬▬ ▬▬▬ ▬▬ ▬▬▬▬ ▬ ▬▬▬▬▬ ▬▬▬ ▬▬ ▬▬▬▬ ▬ ▬▬▬▬▬ ▬▬▬ ▬▬ ▬▬▬▬ ▬ ▬▬▬▬▬ ▬▬▬ ▬▬ ▬▬▬▬ ▬ ▬▬▬▬▬ ▬▬▬ ▬▬ ▬▬▬▬ ▬ ▬▬▬▬▬ ▬▬▬ ▬▬ ▬▬▬▬ ▬ ▬▬▬▬▬ ▬▬▬ ▬▬ ▬▬▬▬ ▬ ▬▬▬▬▬ ▬▬▬ ▬▬ ▬▬▬▬ ▬ ▬▬▬▬▬ ▬▬▬ ▬▬ ▬▬▬▬ ▬ ▬▬▬▬▬ ▬▬▬ ▬▬ ▬▬▬▬ ▬ ▬▬▬▬▬ ▬▬▬ ▬▬ ▬▬▬▬ ▬ ▬▬▬▬▬ ▬▬▬ ▬▬ ▬▬▬▬ ▬ ▬▬▬▬▬ ▬▬▬ ▬▬ ▬▬▬▬ ▬ ▬▬▬▬▬ ▬▬▬ ▬▬ ▬▬▬▬ ▬ ▬▬▬▬▬ ▬▬▬ ▬▬ ▬▬▬▬ ▬ ▬▬▬▬▬ ▬▬▬ ▬▬ ▬▬▬▬ ▬ ▬▬▬▬▬ ▬▬▬ ▬▬ ▬▬▬▬ ▬ ▬▬▬▬▬ ▬▬▬ ▬▬ ▬▬▬▬ ▬ ▬▬▬▬▬ ▬▬▬ ▬▬ ▬▬▬▬ ▬ ▬▬▬▬▬ ▬▬▬ ▬▬ ▬▬▬▬ ▬ ▬▬▬▬▬ ▬▬▬ ▬▬ ▬▬▬▬ ▬ ▬▬▬▬▬ ▬▬▬ ▬▬ ▬▬▬▬ ▬ ▬▬▬▬▬ ▬▬▬ ▬▬ ▬▬▬▬ ▬ ▬▬▬▬▬ ▬▬▬ ▬▬ ▬▬▬▬ ▬ ▬▬▬▬▬ ▬▬▬ ▬▬ ▬▬▬▬ ▬ ▬▬▬▬▬ ▬▬▬ ▬▬ ▬▬▬▬ ▬ ▬▬▬▬▬ ▬▬▬ ▬▬ ▬▬▬▬ ▬ ▬▬▬▬▬ ▬▬▬ ▬▬ ▬▬▬▬ ▬ ▬▬▬▬▬
THE DEFENCE CONFERENCE.
▬▬▬ ▬▬ ▬▬▬▬ ▬ ▬▬▬▬▬ ▬▬▬ ▬▬ ▬▬▬▬ ▬ ▬▬▬▬▬ ▬▬▬ ▬▬ ▬▬▬▬ ▬ ▬▬▬▬▬ ▬▬▬ ▬▬ ▬▬▬▬ ▬ ▬▬▬▬▬ ▬▬▬ ▬▬ ▬▬▬▬ ▬ ▬▬▬▬▬ ▬▬▬ ▬▬ ▬▬▬▬ ▬ ▬▬▬▬▬ ▬▬▬ ▬▬ ▬▬▬▬ ▬ ▬▬▬▬▬ ▬▬▬ ▬▬ ▬▬▬▬ ▬ ▬▬▬▬▬ ▬▬▬ ▬▬ ▬▬▬▬ ▬ ▬▬▬▬▬ ▬▬▬ ▬▬ ▬▬▬▬ ▬ ▬▬▬▬▬ ▬▬▬ ▬▬ ▬▬▬▬ ▬ ▬▬▬▬▬ ▬▬▬ ▬▬ ▬▬▬▬ ▬ ▬▬▬▬▬ ▬▬▬ ▬▬ ▬▬▬▬ ▬ ▬▬▬▬▬ ▬▬▬ ▬▬ ▬▬▬▬ ▬ ▬▬▬▬▬ ▬▬▬ ▬▬ ▬▬▬▬ ▬ ▬▬▬▬▬ ▬▬▬ ▬▬ ▬▬▬▬ ▬ ▬▬▬▬▬ ▬▬▬ ▬▬ ▬▬▬▬ ▬ ▬▬▬▬▬ ▬▬▬ ▬▬ ▬▬▬▬ ▬ ▬▬▬▬▬ ▬▬▬ ▬▬ ▬▬▬▬ ▬ ▬▬▬▬▬ ▬▬▬ ▬▬ ▬▬▬▬ ▬ ▬▬▬▬▬ ▬▬▬ ▬▬ ▬▬▬▬ ▬ ▬▬▬▬▬ ▬▬▬ ▬▬ ▬▬▬▬ ▬ ▬▬▬▬▬ ▬▬▬ ▬▬ ▬▬▬▬ ▬ ▬▬▬▬▬ ▬▬▬ ▬▬ ▬▬▬▬ ▬ ▬▬▬▬▬ ▬▬▬ ▬▬ ▬▬▬▬ ▬ ▬▬▬▬▬ ▬▬▬ ▬▬ ▬▬▬▬ ▬ ▬▬▬▬▬ ▬▬▬ ▬▬ ▬▬▬▬ ▬ ▬▬▬▬▬ ▬▬▬ ▬▬ ▬▬▬▬ ▬ ▬▬▬▬▬ ▬▬▬ ▬▬ ▬▬▬▬ ▬ ▬▬▬▬▬ ▬▬▬ ▬▬ ▬▬▬▬ ▬ ▬▬▬▬▬ ▬▬▬ ▬▬ ▬▬▬▬ ▬ ▬▬▬▬▬ ▬▬▬ ▬▬ ▬▬▬▬ ▬ ▬▬▬▬▬ ▬▬▬ ▬▬ ▬▬▬▬ ▬ ▬▬▬▬▬ ▬▬▬ ▬▬ ▬▬▬▬ ▬ ▬▬▬▬▬ ▬▬▬ ▬▬ ▬▬▬▬ ▬ ▬▬▬▬▬ ▬▬▬ ▬▬ ▬▬▬▬ ▬ ▬▬▬▬▬ ▬▬▬ ▬▬ ▬▬▬▬ ▬ ▬▬▬▬▬ ▬▬▬ ▬▬ ▬▬▬▬ ▬ ▬▬▬▬▬ ▬▬▬ ▬▬ ▬▬▬▬ ▬ ▬▬▬▬▬ ▬▬▬ ▬▬ ▬▬▬▬ ▬ ▬▬▬▬▬ ▬▬▬ ▬▬ ▬▬▬▬ ▬ ▬▬▬▬▬ ▬▬▬ ▬▬ ▬▬▬▬ ▬ ▬▬▬▬▬ ▬▬▬ ▬▬ ▬▬▬▬ ▬ ▬▬▬▬▬ ▬▬▬ ▬▬ ▬▬▬▬ ▬ ▬▬▬▬▬ ▬▬▬ ▬▬ ▬▬▬▬ ▬ ▬▬▬▬▬ ▬▬▬ ▬▬ ▬▬▬▬ ▬ ▬▬▬▬▬ ▬▬▬ ▬▬ ▬▬▬▬ ▬ ▬▬▬▬▬ ▬▬▬ ▬▬ ▬▬▬▬ ▬ ▬▬▬▬▬ ▬▬▬ ▬▬ ▬▬▬▬ ▬ ▬▬▬▬▬ ▬▬▬ ▬▬ ▬▬▬▬ ▬ ▬▬▬▬▬ ▬▬▬ ▬▬ ▬▬▬▬ ▬ ▬▬▬▬▬ ▬▬▬ ▬▬ ▬▬▬▬ ▬ ▬▬▬▬▬ ▬▬▬ ▬▬ ▬▬▬▬ ▬ ▬▬▬▬▬ ▬▬▬ ▬▬ ▬▬▬▬ ▬ ▬▬▬▬▬ ▬▬▬ ▬▬ ▬▬▬▬ ▬ ▬▬▬▬▬ ▬▬▬ ▬▬ ▬▬▬▬ ▬ ▬▬▬▬▬ ▬▬▬ ▬▬ ▬▬▬▬ ▬ ▬▬▬▬▬ ▬▬▬ ▬▬ ▬▬▬▬ ▬ ▬▬▬▬▬ ▬▬▬ ▬▬ ▬▬▬▬ ▬ ▬▬▬▬▬ ▬▬▬ ▬▬ ▬▬▬▬ ▬ ▬▬▬▬▬ ▬▬▬ ▬▬ ▬▬▬▬ ▬ ▬▬▬▬▬ ▬▬▬ ▬▬ ▬▬▬▬ ▬ ▬▬▬▬▬ ▬▬▬ ▬▬ ▬▬▬▬ ▬ ▬▬▬▬▬ ▬▬▬ ▬▬ ▬▬▬▬ ▬ ▬▬▬▬▬ ▬▬▬ ▬▬ ▬▬▬▬ ▬ ▬▬▬▬▬ ▬▬▬ ▬▬ ▬▬▬▬ ▬ ▬▬▬▬▬ ▬▬▬ ▬▬ ▬▬▬▬ ▬ ▬▬▬▬▬ ▬▬▬ ▬▬ ▬▬▬▬ ▬ ▬▬▬▬▬ ▬▬▬ ▬▬ ▬▬▬▬ ▬ ▬▬▬▬▬ ▬▬▬ ▬▬ ▬▬▬▬ ▬ ▬▬▬▬▬ ▬▬▬ ▬▬ ▬▬▬▬ ▬ ▬▬▬▬▬ ▬▬▬ ▬▬ ▬▬▬▬ ▬ ▬▬▬▬▬ ▬▬▬ ▬▬ ▬▬▬▬ ▬ ▬▬▬▬▬ ▬▬▬ ▬▬ ▬▬▬▬ ▬ ▬▬▬▬▬ ▬▬▬ ▬▬ ▬▬▬▬ ▬ ▬▬▬▬▬ ▬▬▬ ▬▬ ▬▬▬▬ ▬ ▬▬▬▬▬ ▬▬▬ ▬▬ ▬▬▬▬ ▬ ▬▬▬▬▬ ▬▬▬ ▬▬ ▬▬▬▬ ▬ ▬▬▬▬▬ ▬▬▬ ▬▬ ▬▬▬▬ ▬ ▬▬▬▬▬ ▬▬▬ ▬▬ ▬▬▬▬ ▬ ▬▬▬▬▬
"THE IMPERIAL PERSPECTIVE."
▬▬▬ ▬▬ ▬▬▬▬ ▬ ▬▬▬▬▬ ▬▬▬ ▬▬ ▬▬▬▬ ▬ ▬▬▬▬▬ ▬▬▬ ▬▬ ▬▬▬▬ ▬ ▬▬▬▬▬ ▬▬▬ ▬▬ ▬▬▬▬ ▬ ▬▬▬▬▬ ▬▬▬ ▬▬ ▬▬▬▬ ▬ ▬▬▬▬▬ ▬▬▬ ▬▬ ▬▬▬▬ ▬ ▬▬▬▬▬ ▬▬▬ ▬▬ ▬▬▬▬ ▬ ▬▬▬▬▬ ▬▬▬ ▬▬ ▬▬▬▬ ▬ ▬▬▬▬▬ ▬▬▬ ▬▬ ▬▬▬▬ ▬ ▬▬▬▬▬ ▬▬▬ ▬▬ ▬▬▬▬ ▬ ▬▬▬▬▬ ▬▬▬ ▬▬ ▬▬▬▬ ▬ ▬▬▬▬▬ ▬▬▬ ▬▬ ▬▬▬▬ ▬ ▬▬▬▬▬ ▬▬▬ ▬▬ ▬▬▬▬ ▬ ▬▬▬▬▬ ▬▬▬ ▬▬ ▬▬▬▬ ▬ ▬▬▬▬▬ ▬▬▬ ▬▬ ▬▬▬▬ ▬ ▬▬▬▬▬ ▬▬▬ ▬▬ ▬▬▬▬ ▬ ▬▬▬▬▬ ▬▬▬ ▬▬ ▬▬▬▬ ▬ ▬▬▬▬▬ ▬▬▬ ▬▬ ▬▬▬▬ ▬ ▬▬▬▬▬ ▬▬▬ ▬▬ ▬▬▬▬ ▬ ▬▬▬▬▬ ▬▬▬ ▬▬ ▬▬▬▬ ▬ ▬▬▬▬▬ ▬▬▬ ▬▬ ▬▬▬▬ ▬ ▬▬▬▬▬ ▬▬▬ ▬▬ ▬▬▬▬ ▬ ▬▬▬▬▬ ▬▬▬ ▬▬ ▬▬▬▬ ▬ ▬▬▬▬▬ ▬▬▬ ▬▬ ▬▬▬▬ ▬ ▬▬▬▬▬ ▬▬▬ ▬▬ ▬▬▬▬ ▬ ▬▬▬▬▬ ▬▬▬ ▬▬ ▬▬▬▬ ▬ ▬▬▬▬▬ ▬▬▬ ▬▬ ▬▬▬▬ ▬ ▬▬▬▬▬ ▬▬▬ ▬▬ ▬▬▬▬ ▬ ▬▬▬▬▬ ▬▬▬ ▬▬ ▬▬▬▬ ▬ ▬▬▬▬▬ ▬▬▬ ▬▬ ▬▬▬▬ ▬ ▬▬▬▬▬ ▬▬▬ ▬▬ ▬▬▬▬ ▬ ▬▬▬▬▬ ▬▬▬ ▬▬ ▬▬▬▬ ▬ ▬▬▬▬▬ ▬▬▬ ▬▬ ▬▬▬▬ ▬ ▬▬▬▬▬ ▬▬▬ ▬▬ ▬▬▬▬ ▬ ▬▬▬▬▬ ▬▬▬ ▬▬ ▬▬▬▬ ▬ ▬▬▬▬▬ ▬▬▬ ▬▬ ▬▬▬▬ ▬ ▬▬▬▬▬ ▬▬▬ ▬▬ ▬▬▬▬ ▬ ▬▬▬▬▬ ▬▬▬ ▬▬ ▬▬▬▬ ▬ ▬▬▬▬▬ ▬▬▬ ▬▬ ▬▬▬▬ ▬ ▬▬▬▬▬ ▬▬▬ ▬▬ ▬▬▬▬ ▬ ▬▬▬▬▬
THE POLICE COMMISSION.
CHRISTCHURCH SITTINGS.
▬▬▬ ▬▬ ▬▬▬▬ ▬ ▬▬▬▬▬ ▬▬▬ ▬▬ ▬▬▬▬ ▬ ▬▬▬▬▬ ▬▬▬ ▬▬ ▬▬▬▬ ▬ ▬▬▬▬▬ ▬▬▬ ▬▬ ▬▬▬▬ ▬ ▬▬▬▬▬ ▬▬▬ ▬▬ ▬▬▬▬ ▬ ▬▬▬▬▬ ▬▬▬ ▬▬ ▬▬▬▬ ▬ ▬▬▬▬▬ ▬▬▬ ▬▬ ▬▬▬▬ ▬ ▬▬▬▬▬ ▬▬▬ ▬▬ ▬▬▬▬ ▬ ▬▬▬▬▬ ▬▬▬ ▬▬ ▬▬▬▬ ▬ ▬▬▬▬▬ ▬▬▬ ▬▬ ▬▬▬▬ ▬ ▬▬▬▬▬ ▬▬▬ ▬▬ ▬▬▬▬ ▬ ▬▬▬▬▬ ▬▬▬ ▬▬ ▬▬▬▬ ▬ ▬▬▬▬▬ ▬▬▬ ▬▬ ▬▬▬▬ ▬ ▬▬▬▬▬ ▬▬▬ ▬▬ ▬▬▬▬ ▬ ▬▬▬▬▬ ▬▬▬ ▬▬ ▬▬▬▬ ▬ ▬▬▬▬▬ ▬▬▬ ▬▬ ▬▬▬▬ ▬ ▬▬▬▬▬ ▬▬▬ ▬▬ ▬▬▬▬ ▬ ▬▬▬▬▬ ▬▬▬ ▬▬ ▬▬▬▬ ▬ ▬▬▬▬▬ ▬▬▬ ▬▬ ▬▬▬▬ ▬ ▬▬▬▬▬ ▬▬▬ ▬▬ ▬▬▬▬ ▬ ▬▬▬▬▬ ▬▬▬ ▬▬ ▬▬▬▬ ▬ ▬▬▬▬▬ ▬▬▬ ▬▬ ▬▬▬▬ ▬ ▬▬▬▬▬ ▬▬▬ ▬▬ ▬▬▬▬ ▬ ▬▬▬▬▬ ▬▬▬ ▬▬ ▬▬▬▬ ▬ ▬▬▬▬▬ ▬▬▬ ▬▬ ▬▬▬▬ ▬ ▬▬▬▬▬ ▬▬▬ ▬▬ ▬▬▬▬ ▬ ▬▬▬▬▬ ▬▬▬ ▬▬ ▬▬▬▬ ▬ ▬▬▬▬▬ ▬▬▬ ▬▬ ▬▬▬▬ ▬ ▬▬▬▬▬ ▬▬▬ ▬▬ ▬▬▬▬ ▬ ▬▬▬▬▬ ▬▬▬ ▬▬ ▬▬▬▬ ▬ ▬▬▬▬▬ ▬▬▬ ▬▬ ▬▬▬▬ ▬ ▬▬▬▬▬ ▬▬▬ ▬▬ ▬▬▬▬ ▬ ▬▬▬▬▬ ▬▬▬ ▬▬ ▬▬▬▬ ▬ ▬▬▬▬▬ ▬▬▬ ▬▬ ▬▬▬▬ ▬ ▬▬▬▬▬ ▬▬▬ ▬▬ ▬▬▬▬ ▬ ▬▬▬▬▬ ▬▬▬ ▬▬ ▬▬▬▬ ▬ ▬▬▬▬▬ ▬▬▬ ▬▬ ▬▬▬▬ ▬ ▬▬▬▬▬ ▬▬▬ ▬▬ ▬▬▬▬ ▬ ▬▬▬▬▬ ▬▬▬ ▬▬ ▬▬▬▬ ▬ ▬▬▬▬▬ ▬▬▬ ▬▬ ▬▬▬▬ ▬ ▬▬▬▬▬ ▬▬▬ ▬▬ ▬▬▬▬ ▬ ▬▬▬▬▬ ▬▬▬ ▬▬ ▬▬▬▬ ▬ ▬▬▬▬▬ ▬▬▬ ▬▬ ▬▬▬▬ ▬ ▬▬▬▬▬ ▬▬▬ ▬▬ ▬▬▬▬ ▬ ▬▬▬▬▬ ▬▬▬ ▬▬ ▬▬▬▬ ▬ ▬▬▬▬▬ ▬▬▬ ▬▬ ▬▬▬▬ ▬ ▬▬▬▬▬ ▬▬▬ ▬▬ ▬▬▬▬ ▬ ▬▬▬▬▬ ▬▬▬ ▬▬ ▬▬▬▬ ▬ ▬▬▬▬▬ ▬▬▬ ▬▬ ▬▬▬▬ ▬ ▬▬▬▬▬ ▬▬▬ ▬▬ ▬▬▬▬ ▬ ▬▬▬▬▬ ▬▬▬ ▬▬ ▬▬▬▬ ▬ ▬▬▬▬▬ ▬▬▬ ▬▬ ▬▬▬▬ ▬ ▬▬▬▬▬ ▬▬▬ ▬▬ ▬▬▬▬ ▬ ▬▬▬▬▬ ▬▬▬ ▬▬ ▬▬▬▬ ▬ ▬▬▬▬▬ ▬▬▬ ▬▬ ▬▬▬▬ ▬ ▬▬▬▬▬ ▬▬▬ ▬▬ ▬▬▬▬ ▬ ▬▬▬▬▬ ▬▬▬ ▬▬ ▬▬▬▬ ▬ ▬▬▬▬▬ ▬▬▬ ▬▬ ▬▬▬▬ ▬ ▬▬▬▬▬ ▬▬▬ ▬▬ ▬▬▬▬ ▬ ▬▬▬▬▬ ▬▬▬ ▬▬ ▬▬▬▬ ▬ ▬▬▬▬▬ ▬▬▬ ▬▬ ▬▬▬▬ ▬ ▬▬▬▬▬ ▬▬▬ ▬▬ ▬▬▬▬ ▬ ▬▬▬▬▬ ▬▬▬ ▬▬ ▬▬▬▬ ▬ ▬▬▬▬▬ ▬▬▬ ▬▬ ▬▬▬▬ ▬ ▬▬▬▬▬ ▬▬▬ ▬▬ ▬▬▬▬ ▬ ▬▬▬▬▬ ▬▬▬ ▬▬ ▬▬▬▬ ▬ ▬▬▬▬▬ ▬▬▬ ▬▬ ▬▬▬▬ ▬ ▬▬▬▬▬ ▬▬▬ ▬▬ ▬▬▬▬ ▬ ▬▬▬▬▬ ▬▬▬ ▬▬ ▬▬▬▬ ▬ ▬▬▬▬▬ ▬▬▬ ▬▬ ▬▬▬▬ ▬ ▬▬▬▬▬ ▬▬▬ ▬▬ ▬▬▬▬ ▬ ▬▬▬▬▬ ▬▬▬ ▬▬ ▬▬▬▬ ▬ ▬▬▬▬▬ ▬▬▬ ▬▬ ▬▬▬▬ ▬ ▬▬▬▬▬ ▬▬▬ ▬▬ ▬▬▬▬ ▬ ▬▬▬▬▬ ▬▬▬ ▬▬ ▬▬▬▬ ▬ ▬▬▬▬▬
ACCIDENTS AND FATALITIES.
A NATIVE KILLED.
▬▬▬ ▬▬ ▬▬▬▬ ▬ ▬▬▬▬▬ ▬▬▬ ▬▬ ▬▬▬▬ ▬ ▬▬▬▬▬ ▬▬▬ ▬▬ ▬▬▬▬ ▬ ▬▬▬▬▬ ▬▬▬ ▬▬ ▬▬▬▬ ▬ ▬▬▬▬▬ ▬▬▬ ▬▬ ▬▬▬▬ ▬ ▬▬▬▬▬ ▬▬▬ ▬▬ ▬▬▬▬ ▬ ▬▬▬▬▬ ▬▬▬ ▬▬ ▬▬▬▬ ▬ ▬▬▬▬▬ ▬▬▬ ▬▬ ▬▬▬▬ ▬ ▬▬▬▬▬ ▬▬▬ ▬▬ ▬▬▬▬ ▬ ▬▬▬▬▬ ▬▬▬ ▬▬ ▬▬▬▬ ▬ ▬▬▬▬▬ ▬▬▬ ▬▬ ▬▬▬▬ ▬ ▬▬▬▬▬ ▬▬▬ ▬▬ ▬▬▬▬ ▬ ▬▬▬▬▬ ▬▬▬ ▬▬ ▬▬▬▬ ▬ ▬▬▬▬▬ ▬▬▬ ▬▬ ▬▬▬▬ ▬ ▬▬▬▬▬ ▬▬▬ ▬▬ ▬▬▬▬ ▬ ▬▬▬▬▬ ▬▬▬ ▬▬ ▬▬▬▬ ▬ ▬▬▬▬▬ ▬▬▬ ▬▬ ▬▬▬▬ ▬ ▬▬▬▬▬ ▬▬▬ ▬▬ ▬▬▬▬ ▬ ▬▬▬▬▬ ▬▬▬ ▬▬ ▬▬▬▬ ▬ ▬▬▬▬▬ ▬▬▬ ▬▬ ▬▬▬▬ ▬ ▬▬▬▬▬ ▬▬▬ ▬▬ ▬▬▬▬ ▬ ▬▬▬▬▬ ▬▬▬ ▬▬ ▬▬▬▬ ▬ ▬▬▬▬▬ ▬▬▬ ▬▬ ▬▬▬▬ ▬ ▬▬▬▬▬ ▬▬▬ ▬▬ ▬▬▬▬ ▬ ▬▬▬▬▬ ▬▬▬ ▬▬ ▬▬▬▬ ▬ ▬▬▬▬▬
A MAN MISSING.
▬▬▬ ▬▬ ▬▬▬▬ ▬ ▬▬▬▬▬ ▬▬▬ ▬▬ ▬▬▬▬ ▬ ▬▬▬▬▬ ▬▬▬ ▬▬ ▬▬▬▬ ▬ ▬▬▬▬▬ ▬▬▬ ▬▬ ▬▬▬▬ ▬ ▬▬▬▬▬ ▬▬▬ ▬▬ ▬▬▬▬ ▬ ▬▬▬▬▬ ▬▬▬ ▬▬ ▬▬▬▬ ▬ ▬▬▬▬▬ ▬▬▬ ▬▬ ▬▬▬▬ ▬ ▬▬▬▬▬ ▬▬▬ ▬▬ ▬▬▬▬ ▬ ▬▬▬▬▬ ▬▬▬ ▬▬ ▬▬▬▬ ▬ ▬▬▬▬▬ ▬▬▬ ▬▬ ▬▬▬▬ ▬ ▬▬▬▬▬ ▬▬▬ ▬▬ ▬▬▬▬ ▬ ▬▬▬▬▬ ▬▬▬ ▬▬ ▬▬▬▬ ▬ ▬▬▬▬▬ ▬▬▬ ▬▬ ▬▬▬▬ ▬ ▬▬▬▬▬ ▬▬▬ ▬▬ ▬▬▬▬ ▬ ▬▬▬▬▬ ▬▬▬ ▬▬ ▬▬▬▬ ▬ ▬▬▬▬▬ ▬▬▬ ▬▬ ▬▬▬▬ ▬ ▬▬▬▬▬ ▬▬▬ ▬▬ ▬▬▬▬ ▬ ▬▬▬▬▬ ▬▬▬ ▬▬ ▬▬▬▬ ▬ ▬▬▬▬▬ ▬▬▬ ▬▬ ▬▬▬▬ ▬ ▬▬▬▬▬ ▬▬▬ ▬▬ ▬▬▬▬ ▬ ▬▬▬▬▬ ▬▬▬ ▬▬ ▬▬▬▬ ▬ ▬▬▬▬▬ ▬▬▬ ▬▬ ▬▬▬▬ ▬ ▬▬▬▬▬ ▬▬▬ ▬▬ ▬▬▬▬ ▬ ▬▬▬▬▬ ▬▬▬ ▬▬ ▬▬▬▬ ▬ ▬▬▬▬▬ ▬▬▬ ▬▬ ▬▬▬▬ ▬ ▬▬▬▬▬ ▬▬▬ ▬▬ ▬▬▬▬ ▬ ▬▬▬▬▬ ▬▬▬ ▬▬ ▬▬▬▬ ▬ ▬▬▬▬▬ ▬▬▬ ▬▬ ▬▬▬▬ ▬ ▬▬▬▬▬ ▬▬▬ ▬▬ ▬▬▬▬ ▬ ▬▬▬▬▬ ▬▬▬ ▬▬ ▬▬▬▬ ▬ ▬▬▬▬▬ ▬▬▬ ▬▬ ▬▬▬▬ ▬ ▬▬▬▬▬ ▬▬▬ ▬▬ ▬▬▬▬ ▬ ▬▬▬▬▬ ▬▬▬ ▬▬ ▬▬▬▬ ▬ ▬▬▬▬▬ ▬▬▬ ▬▬ ▬▬▬▬ ▬ ▬▬▬▬▬ ▬▬▬ ▬▬ ▬▬▬▬ ▬ ▬▬▬▬▬
THE COURTS.
A BARMAN FINED.
▬▬▬ ▬▬ ▬▬▬▬ ▬ ▬▬▬▬▬ ▬▬▬ ▬▬ ▬▬▬▬ ▬ ▬▬▬▬▬ ▬▬▬ ▬▬ ▬▬▬▬ ▬ ▬▬▬▬▬ ▬▬▬ ▬▬ ▬▬▬▬ ▬ ▬▬▬▬▬ ▬▬▬ ▬▬ ▬▬▬▬ ▬ ▬▬▬▬▬ ▬▬▬ ▬▬ ▬▬▬▬ ▬ ▬▬▬▬▬ ▬▬▬ ▬▬ ▬▬▬▬ ▬ ▬▬▬▬▬ ▬▬▬ ▬▬ ▬▬▬▬ ▬ ▬▬▬▬▬ ▬▬▬ ▬▬ ▬▬▬▬ ▬ ▬▬▬▬▬ ▬▬▬ ▬▬ ▬▬▬▬ ▬ ▬▬▬▬▬ ▬▬▬ ▬▬ ▬▬▬▬ ▬ ▬▬▬▬▬ ▬▬▬ ▬▬ ▬▬▬▬ ▬ ▬▬▬▬▬ ▬▬▬ ▬▬ ▬▬▬▬ ▬ ▬▬▬▬▬ ▬▬▬ ▬▬ ▬▬▬▬ ▬ ▬▬▬▬▬ ▬▬▬ ▬▬ ▬▬▬▬ ▬ ▬▬▬▬▬ ▬▬▬ ▬▬ ▬▬▬▬ ▬ ▬▬▬▬▬ ▬▬▬ ▬▬ ▬▬▬▬ ▬ ▬▬▬▬▬ ▬▬▬ ▬▬ ▬▬▬▬ ▬ ▬▬▬▬▬ ▬▬▬ ▬▬ ▬▬▬▬ ▬ ▬▬▬▬▬ ▬▬▬ ▬▬ ▬▬▬▬ ▬ ▬▬▬▬▬ ▬▬▬ ▬▬ ▬▬▬▬ ▬ ▬▬▬▬▬ ▬▬▬ ▬▬ ▬▬▬▬ ▬ ▬▬▬▬▬ ▬▬▬ ▬▬ ▬▬▬▬ ▬ ▬▬▬▬▬ ▬▬▬ ▬▬ ▬▬▬▬ ▬ ▬▬▬▬▬ ▬▬▬ ▬▬ ▬▬▬▬ ▬ ▬▬▬▬▬ ▬▬▬ ▬▬ ▬▬▬▬ ▬ ▬▬▬▬▬ ▬▬▬ ▬▬ ▬▬▬▬ ▬ ▬▬▬▬▬ ▬▬▬ ▬▬ ▬▬▬▬ ▬ ▬▬▬▬▬ ▬▬▬ ▬▬ ▬▬▬▬ ▬ ▬▬▬▬▬ ▬▬▬ ▬▬ ▬▬▬▬ ▬ ▬▬▬▬▬ ▬▬▬ ▬▬ ▬▬▬▬ ▬ ▬▬▬▬▬ ▬▬▬ ▬▬ ▬▬▬▬ ▬ ▬▬▬▬▬ ▬▬▬ ▬▬ ▬▬▬▬ ▬ ▬▬▬▬▬ ▬▬▬ ▬▬ ▬▬▬▬ ▬ ▬▬▬▬▬ ▬▬▬ ▬▬ ▬▬▬▬ ▬ ▬▬▬▬▬
FIRES.
▬▬▬ ▬▬ ▬▬▬▬ ▬ ▬▬▬▬▬ ▬▬▬ ▬▬ ▬▬▬▬ ▬ ▬▬▬▬▬ ▬▬▬ ▬▬ ▬▬▬▬ ▬ ▬▬▬▬▬ ▬▬▬ ▬▬ ▬▬▬▬ ▬ ▬▬▬▬▬ ▬▬▬ ▬▬ ▬▬▬▬ ▬ ▬▬▬▬▬ ▬▬▬ ▬▬ ▬▬▬▬ ▬ ▬▬▬▬▬ ▬▬▬ ▬▬ ▬▬▬▬ ▬ ▬▬▬▬▬ ▬▬▬ ▬▬ ▬▬▬▬ ▬ ▬▬▬▬▬ ▬▬▬ ▬▬ ▬▬▬▬ ▬ ▬▬▬▬▬ ▬▬▬ ▬▬ ▬▬▬▬ ▬ ▬▬▬▬▬ ▬▬▬ ▬▬ ▬▬▬▬ ▬ ▬▬▬▬▬ ▬▬▬ ▬▬ ▬▬▬▬ ▬ ▬▬▬▬▬ ▬▬▬ ▬▬ ▬▬▬▬ ▬ ▬▬▬▬▬ ▬▬▬ ▬▬ ▬▬▬▬ ▬ ▬▬▬▬▬ ▬▬▬ ▬▬ ▬▬▬▬ ▬ ▬▬▬▬▬ ▬▬▬ ▬▬ ▬▬▬▬ ▬ ▬▬▬▬▬ ▬▬▬ ▬▬ ▬▬▬▬ ▬ ▬▬▬▬▬ ▬▬▬ ▬▬ ▬▬▬▬ ▬ ▬▬▬▬▬ ▬▬▬ ▬▬ ▬▬▬▬ ▬ ▬▬▬▬▬ ▬▬▬ ▬▬ ▬▬▬▬ ▬ ▬▬▬▬▬ ▬▬▬ ▬▬ ▬▬▬▬ ▬ ▬▬▬▬▬ ▬▬▬ ▬▬ ▬▬▬▬ ▬ ▬▬▬▬▬ ▬▬▬ ▬▬ ▬▬▬▬ ▬ ▬▬▬▬▬ ▬▬▬ ▬▬ ▬▬▬▬ ▬ ▬▬▬▬▬ ▬▬▬ ▬▬ ▬▬▬▬ ▬ ▬▬▬▬▬ ▬▬▬ ▬▬ ▬▬▬▬ ▬ ▬▬▬▬▬ ▬▬▬ ▬▬ ▬▬▬▬ ▬ ▬▬▬▬▬ ▬▬▬ ▬▬ ▬▬▬▬ ▬ ▬▬▬▬▬ ▬▬▬ ▬▬ ▬▬▬▬ ▬ ▬▬▬▬▬ ▬▬▬ ▬▬ ▬▬▬▬ ▬ ▬▬▬▬▬ ▬▬▬ ▬▬ ▬▬▬▬ ▬ ▬▬▬▬▬ ▬▬▬ ▬▬ ▬▬▬▬ ▬ ▬▬▬▬▬ ▬▬▬ ▬▬ ▬▬▬▬ ▬ ▬▬▬▬▬ ▬▬▬ ▬▬ ▬▬▬▬ ▬ ▬▬▬▬▬ ▬▬▬ ▬▬ ▬▬▬▬ ▬ ▬▬▬▬▬ ▬▬▬ ▬▬ ▬▬▬▬ ▬ ▬▬▬▬▬ ▬▬▬ ▬▬ ▬▬▬▬ ▬ ▬▬▬▬▬ ▬▬▬ ▬▬ ▬▬▬▬ ▬ ▬▬▬▬▬ ▬▬▬ ▬▬ ▬▬▬▬ ▬ ▬▬▬▬▬ ▬▬▬ ▬▬ ▬▬▬▬ ▬ ▬▬▬▬▬ ▬▬▬ ▬▬ ▬▬▬▬ ▬ ▬▬▬▬▬ ▬▬▬ ▬▬ ▬▬▬▬ ▬ ▬▬▬▬▬ ▬▬▬ ▬▬ ▬▬▬▬ ▬ ▬▬▬▬▬ ▬▬▬ ▬▬ ▬▬▬▬ ▬ ▬▬▬▬▬ ▬▬▬ ▬▬ ▬▬▬▬ ▬ ▬▬▬▬▬
INTERESTING ITEMS.
▬▬▬ ▬▬ ▬▬▬▬ ▬ ▬▬▬▬▬ ▬▬▬ ▬▬ ▬▬▬▬ ▬ ▬▬▬▬▬ ▬▬▬ ▬▬ ▬▬▬▬ ▬ ▬▬▬▬▬ ▬▬▬ ▬▬ ▬▬▬▬ ▬ ▬▬▬▬▬ ▬▬▬ ▬▬ ▬▬▬▬ ▬ ▬▬▬▬▬ ▬▬▬ ▬▬ ▬▬▬▬ ▬ ▬▬▬▬▬ ▬▬▬ ▬▬ ▬▬▬▬ ▬ ▬▬▬▬▬ ▬▬▬ ▬▬ ▬▬▬▬ ▬ ▬▬▬▬▬ ▬▬▬ ▬▬ ▬▬▬▬ ▬ ▬▬▬▬▬ ▬▬▬ ▬▬ ▬▬▬▬ ▬ ▬▬▬▬▬ ▬▬▬ ▬▬ ▬▬▬▬ ▬ ▬▬▬▬▬ ▬▬▬ ▬▬ ▬▬▬▬ ▬ ▬▬▬▬▬ ▬▬▬ ▬▬ ▬▬▬▬ ▬ ▬▬▬▬▬ ▬▬▬ ▬▬ ▬▬▬▬ ▬ ▬▬▬▬▬ ▬▬▬ ▬▬ ▬▬▬▬ ▬ ▬▬▬▬▬ ▬▬▬ ▬▬ ▬▬▬▬ ▬ ▬▬▬▬▬ ▬▬▬ ▬▬ ▬▬▬▬ ▬ ▬▬▬▬▬ ▬▬▬ ▬▬ ▬▬▬▬ ▬ ▬▬▬▬▬ ▬▬▬ ▬▬ ▬▬▬▬ ▬ ▬▬▬▬▬ ▬▬▬ ▬▬ ▬▬▬▬ ▬ ▬▬▬▬▬ ▬▬▬ ▬▬ ▬▬▬▬ ▬ ▬▬▬▬▬ ▬▬▬ ▬▬ ▬▬▬▬ ▬ ▬▬▬▬▬ ▬▬▬ ▬▬ ▬▬▬▬ ▬ ▬▬▬▬▬ ▬▬▬ ▬▬ ▬▬▬▬ ▬ ▬▬▬▬▬ ▬▬▬ ▬▬ ▬▬▬▬ ▬ ▬▬▬▬▬ ▬▬▬ ▬▬ ▬▬▬▬ ▬ ▬▬▬▬▬ ▬▬▬ ▬▬ ▬▬▬▬ ▬ ▬▬▬▬▬ ▬▬▬ ▬▬ ▬▬▬▬ ▬ ▬▬▬▬▬ ▬▬▬ ▬▬ ▬▬▬▬ ▬ ▬▬▬▬▬ ▬▬▬ ▬▬ ▬▬▬▬ ▬ ▬▬▬▬▬ ▬▬▬ ▬▬ ▬▬▬▬ ▬ ▬▬▬▬▬ ▬▬▬ ▬▬ ▬▬▬▬ ▬ ▬▬▬▬▬ ▬▬▬ ▬▬ ▬▬▬▬ ▬ ▬▬▬▬▬ ▬▬▬ ▬▬ ▬▬▬▬ ▬ ▬▬▬▬▬ ▬▬▬ ▬▬ ▬▬▬▬ ▬ ▬▬▬▬▬ ▬▬▬ ▬▬ ▬▬▬▬ ▬ ▬▬▬▬▬ ▬▬▬ ▬▬ ▬▬▬▬ ▬ ▬▬▬▬▬ ▬▬▬ ▬▬ ▬▬▬▬ ▬ ▬▬▬▬▬ ▬▬▬ ▬▬ ▬▬▬▬ ▬ ▬▬▬▬▬ ▬▬▬ ▬▬ ▬▬▬▬ ▬ ▬▬▬▬▬ ▬▬▬ ▬▬ ▬▬▬▬ ▬ ▬▬▬▬▬ ▬▬▬ ▬▬ ▬▬▬▬ ▬ ▬▬▬▬▬ ▬▬▬ ▬▬ ▬▬▬▬ ▬ ▬▬▬▬▬ ▬▬▬ ▬▬ ▬▬▬▬ ▬ ▬▬▬▬▬ ▬▬▬ ▬▬ ▬▬▬▬ ▬ ▬▬▬▬▬ ▬▬▬ ▬▬ ▬▬▬▬ ▬ ▬▬▬▬▬ ▬▬▬ ▬▬ ▬▬▬▬ ▬ ▬▬▬▬▬ ▬▬▬ ▬▬ ▬▬▬▬ ▬ ▬▬▬▬▬ ▬▬▬ ▬▬ ▬▬▬▬ ▬ ▬▬▬▬▬ ▬▬▬ ▬▬ ▬▬▬▬ ▬ ▬▬▬▬▬ ▬▬▬ ▬▬ ▬▬▬▬ ▬ ▬▬▬▬▬ ▬▬▬ ▬▬ ▬▬▬▬ ▬ ▬▬▬▬▬ ▬▬▬ ▬▬ ▬▬▬▬ ▬ ▬▬▬▬▬ ▬▬▬ ▬▬ ▬▬▬▬ ▬ ▬▬▬▬▬ ▬▬▬ ▬▬ ▬▬▬▬ ▬ ▬▬▬▬▬ ▬▬▬ ▬▬ ▬▬▬▬ ▬ ▬▬▬▬▬ ▬▬▬ ▬▬ ▬▬▬▬ ▬ ▬▬▬▬▬ ▬▬▬ ▬▬ ▬▬▬▬ ▬ ▬▬▬▬▬ ▬▬▬ ▬▬ ▬▬▬▬ ▬ ▬▬▬▬▬ ▬▬▬ ▬▬ ▬▬▬▬ ▬ ▬▬▬▬▬ ▬▬▬ ▬▬ ▬▬▬▬ ▬ ▬▬▬▬▬ ▬▬▬ ▬▬ ▬▬▬▬ ▬ ▬▬▬▬▬ ▬▬▬ ▬▬ ▬▬▬▬ ▬ ▬▬▬▬▬ ▬▬▬ ▬▬ ▬▬▬▬ ▬ ▬▬▬▬▬ ▬▬▬ ▬▬ ▬▬▬▬ ▬ ▬▬▬▬▬ ▬▬▬ ▬▬ ▬▬▬▬ ▬ ▬▬▬▬▬ ▬▬▬ ▬▬ ▬▬▬▬ ▬ ▬▬▬▬▬ ▬▬▬ ▬▬ ▬▬▬▬ ▬ ▬▬▬▬▬ ▬▬▬ ▬▬ ▬▬▬▬ ▬ ▬▬▬▬▬ ▬▬▬ ▬▬ ▬▬▬▬ ▬ ▬▬▬▬▬
ARE YOU A COMMERCIAL TRAVELLER?
▬▬▬ ▬▬ ▬▬▬▬ ▬ ▬▬▬▬▬ ▬▬▬ ▬▬ ▬▬▬▬ ▬ ▬▬▬▬▬ ▬▬▬ ▬▬ ▬▬▬▬ ▬ ▬▬▬▬▬ ▬▬▬ ▬▬ ▬▬▬▬ ▬ ▬▬▬▬▬ ▬▬▬ ▬▬ ▬▬▬▬ ▬ ▬▬▬▬▬ ▬▬▬ ▬▬ ▬▬▬▬ ▬ ▬▬▬▬▬ ▬▬▬ ▬▬ ▬▬▬▬ ▬ ▬▬▬▬▬ ▬▬▬ ▬▬ ▬▬▬▬ ▬ ▬▬▬▬▬ ▬▬▬ ▬▬ ▬▬▬▬ ▬ ▬▬▬▬▬ ▬▬▬ ▬▬ ▬▬▬▬ ▬ ▬▬▬▬▬ ▬▬▬ ▬▬ ▬▬▬▬ ▬ ▬▬▬▬▬ ▬▬▬ ▬▬ ▬▬▬▬ ▬ ▬▬▬▬▬ ▬▬▬ ▬▬ ▬▬▬▬ ▬ ▬▬▬▬▬ ▬▬▬ ▬▬ ▬▬▬▬ ▬ ▬▬▬▬▬ ▬▬▬ ▬▬ ▬▬▬▬ ▬ ▬▬▬▬▬ ▬▬▬ ▬▬ ▬▬▬▬ ▬ ▬▬▬▬▬ ▬▬▬ ▬▬ ▬▬▬▬ ▬ ▬▬▬▬▬ ▬▬▬ ▬▬ ▬▬▬▬ ▬ ▬▬▬▬▬ ▬▬▬ ▬▬ ▬▬▬▬ ▬ ▬▬▬▬▬ ▬▬▬ ▬▬ ▬▬▬▬ ▬ ▬▬▬▬▬ ▬▬▬ ▬▬ ▬▬▬▬ ▬ ▬▬▬▬▬ ▬▬▬ ▬▬ ▬▬▬▬ ▬ ▬▬▬▬▬ ▬▬▬ ▬▬ ▬▬▬▬ ▬ ▬▬▬▬▬ ▬▬▬ ▬▬ ▬▬▬▬ ▬ ▬▬▬▬▬ ▬▬▬ ▬▬ ▬▬▬▬ ▬ ▬▬▬▬▬ ▬▬▬ ▬▬ ▬▬▬▬ ▬ ▬▬▬▬▬ ▬▬▬ ▬▬ ▬▬▬▬ ▬ ▬▬▬▬▬ ▬▬▬ ▬▬ ▬▬▬▬ ▬ ▬▬▬▬▬ ▬▬▬ ▬▬ ▬▬▬▬ ▬ ▬▬▬▬▬ ▬▬▬ ▬▬ ▬▬▬▬ ▬ ▬▬▬▬▬ ▬▬▬ ▬▬ ▬▬▬▬ ▬ ▬▬▬▬▬ ▬▬▬ ▬▬ ▬▬▬▬ ▬ ▬▬▬▬▬ ▬▬▬ ▬▬ ▬▬▬▬ ▬ ▬▬▬▬▬ ▬▬▬ ▬▬ ▬▬▬▬ ▬ ▬▬▬▬▬ ▬▬▬ ▬▬ ▬▬▬▬ ▬ ▬▬▬▬▬ ▬▬▬ ▬▬ ▬▬▬▬ ▬ ▬▬▬▬▬ ▬▬▬ ▬▬ ▬▬▬▬ ▬ ▬▬▬▬▬ ▬▬▬ ▬▬ ▬▬▬▬ ▬ ▬▬▬▬▬ ▬▬▬ ▬▬ ▬▬▬▬ ▬ ▬▬▬▬▬ ▬▬▬ ▬▬ ▬▬▬▬ ▬ ▬▬▬▬▬
FOOTBALL.
RUGBY.
THE PONSONBY CLUB TOUR.
METROPOLITAN UNION DEFEATED.
▬▬▬ ▬▬ ▬▬▬▬ ▬ ▬▬▬▬▬ ▬▬▬ ▬▬ ▬▬▬▬ ▬ ▬▬▬▬▬ ▬▬▬ ▬▬ ▬▬▬▬ ▬ ▬▬▬▬▬ ▬▬▬ ▬▬ ▬▬▬▬ ▬ ▬▬▬▬▬ ▬▬▬ ▬▬ ▬▬▬▬ ▬ ▬▬▬▬▬ ▬▬▬ ▬▬ ▬▬▬▬ ▬ ▬▬▬▬▬ ▬▬▬ ▬▬ ▬▬▬▬ ▬ ▬▬▬▬▬ ▬▬▬ ▬▬ ▬▬▬▬ ▬ ▬▬▬▬▬ ▬▬▬ ▬▬ ▬▬▬▬ ▬ ▬▬▬▬▬ ▬▬▬ ▬▬ ▬▬▬▬ ▬ ▬▬▬▬▬ ▬▬▬ ▬▬ ▬▬▬▬ ▬ ▬▬▬▬▬ ▬▬▬ ▬▬ ▬▬▬▬ ▬ ▬▬▬▬▬ ▬▬▬ ▬▬ ▬▬▬▬ ▬ ▬▬▬▬▬ ▬▬▬ ▬▬ ▬▬▬▬ ▬ ▬▬▬▬▬ ▬▬▬ ▬▬ ▬▬▬▬ ▬ ▬▬▬▬▬ ▬▬▬ ▬▬ ▬▬▬▬ ▬ ▬▬▬▬▬ ▬▬▬ ▬▬ ▬▬▬▬ ▬ ▬▬▬▬▬ ▬▬▬ ▬▬ ▬▬▬▬ ▬ ▬▬▬▬▬ ▬▬▬ ▬▬ ▬▬▬▬ ▬ ▬▬▬▬▬ ▬▬▬ ▬▬ ▬▬▬▬ ▬ ▬▬▬▬▬ ▬▬▬ ▬▬ ▬▬▬▬ ▬ ▬▬▬▬▬ ▬▬▬ ▬▬ ▬▬▬▬ ▬ ▬▬▬▬▬ ▬▬▬ ▬▬ ▬▬▬▬ ▬ ▬▬▬▬▬ ▬▬▬ ▬▬ ▬▬▬▬ ▬ ▬▬▬▬▬ ▬▬▬ ▬▬ ▬▬▬▬ ▬ ▬▬▬▬▬ ▬▬▬ ▬▬ ▬▬▬▬ ▬ ▬▬▬▬▬ ▬▬▬ ▬▬ ▬▬▬▬ ▬ ▬▬▬▬▬ ▬▬▬ ▬▬ ▬▬▬▬ ▬ ▬▬▬▬▬ ▬▬▬ ▬▬ ▬▬▬▬ ▬ ▬▬▬▬▬ ▬▬▬ ▬▬ ▬▬▬▬ ▬ ▬▬▬▬▬ ▬▬▬ ▬▬ ▬▬▬▬ ▬ ▬▬▬▬▬ ▬▬▬ ▬▬ ▬▬▬▬ ▬ ▬▬▬▬▬ ▬▬▬ ▬▬ ▬▬▬▬ ▬ ▬▬▬▬▬ ▬▬▬ ▬▬ ▬▬▬▬ ▬ ▬▬▬▬▬ ▬▬▬ ▬▬ ▬▬▬▬ ▬ ▬▬▬▬▬ ▬▬▬ ▬▬ ▬▬▬▬ ▬ ▬▬▬▬▬ ▬▬▬ ▬▬ ▬▬▬▬ ▬ ▬▬▬▬▬ ▬▬▬ ▬▬ ▬▬▬▬ ▬ ▬▬▬▬▬ ▬▬▬ ▬▬ ▬▬▬▬ ▬ ▬▬▬▬▬ ▬▬▬ ▬▬ ▬▬▬▬ ▬ ▬▬▬▬▬ ▬▬▬ ▬▬ ▬▬▬▬ ▬ ▬▬▬▬▬ ▬▬▬ ▬▬ ▬▬▬▬ ▬ ▬▬▬▬▬ ▬▬▬ ▬▬ ▬▬▬▬ ▬ ▬▬▬▬▬ ▬▬▬ ▬▬ ▬▬▬▬ ▬ ▬▬▬▬▬ ▬▬▬ ▬▬ ▬▬▬▬ ▬ ▬▬▬▬▬ ▬▬▬ ▬▬ ▬▬▬▬ ▬ ▬▬▬▬▬ ▬▬▬ ▬▬ ▬▬▬▬ ▬ ▬▬▬▬▬ ▬▬▬ ▬▬ ▬▬▬▬ ▬ ▬▬▬▬▬ ▬▬▬ ▬▬ ▬▬▬▬ ▬ ▬▬▬▬▬ ▬▬▬ ▬▬ ▬▬▬▬ ▬ ▬▬▬▬▬ ▬▬▬ ▬▬ ▬▬▬▬ ▬ ▬▬▬▬▬ ▬▬▬ ▬▬ ▬▬▬▬ ▬ ▬▬▬▬▬ ▬▬▬ ▬▬ ▬▬▬▬ ▬ ▬▬▬▬▬ ▬▬▬ ▬▬ ▬▬▬▬ ▬ ▬▬▬▬▬ ▬▬▬ ▬▬ ▬▬▬▬ ▬ ▬▬▬▬▬ ▬▬▬ ▬▬ ▬▬▬▬ ▬ ▬▬▬▬▬ ▬▬▬ ▬▬ ▬▬▬▬ ▬ ▬▬▬▬▬ ▬▬▬ ▬▬ ▬▬▬▬ ▬ ▬▬▬▬▬ ▬▬▬ ▬▬ ▬▬▬▬ ▬ ▬▬▬▬▬ ▬▬▬ ▬▬ ▬▬▬▬ ▬ ▬▬▬▬▬ ▬▬▬ ▬▬ ▬▬▬▬ ▬ ▬▬▬▬▬ ▬▬▬ ▬▬ ▬▬▬▬ ▬ ▬▬▬▬▬ ▬▬▬ ▬▬ ▬▬▬▬ ▬ ▬▬▬▬▬ ▬▬▬ ▬▬ ▬▬▬▬ ▬ ▬▬▬▬▬ ▬▬▬ ▬▬ ▬▬▬▬ ▬ ▬▬▬▬▬
NEW SOUTH WALES v. QUEENSLAND.
▬▬▬ ▬▬ ▬▬▬▬ ▬ ▬▬▬▬▬ ▬▬▬ ▬▬ ▬▬▬▬ ▬ ▬▬▬▬▬ ▬▬▬ ▬▬ ▬▬▬▬ ▬ ▬▬▬▬▬ ▬▬▬ ▬▬ ▬▬▬▬ ▬ ▬▬▬▬▬ ▬▬▬ ▬▬ ▬▬▬▬ ▬ ▬▬▬▬▬ ▬▬▬ ▬▬ ▬▬▬▬ ▬ ▬▬▬▬▬ ▬▬▬ ▬▬ ▬▬▬▬ ▬ ▬▬▬▬▬ ▬▬▬ ▬▬ ▬▬▬▬ ▬ ▬▬▬▬▬ ▬▬▬ ▬▬ ▬▬▬▬ ▬ ▬▬▬▬▬ ▬▬▬ ▬▬ ▬▬▬▬ ▬ ▬▬▬▬▬ ▬▬▬ ▬▬ ▬▬▬▬ ▬ ▬▬▬▬▬ ▬▬▬ ▬▬ ▬▬▬▬ ▬ ▬▬▬▬▬ ▬▬▬ ▬▬ ▬▬▬▬ ▬ ▬▬▬▬▬ ▬▬▬ ▬▬ ▬▬▬▬ ▬ ▬▬▬▬▬ ▬▬▬ ▬▬ ▬▬▬▬ ▬ ▬▬▬▬▬
BULLER v. ELLESMERE.
▬▬▬ ▬▬ ▬▬▬▬ ▬ ▬▬▬▬▬ ▬▬▬ ▬▬ ▬▬▬▬ ▬ ▬▬▬▬▬ ▬▬▬ ▬▬ ▬▬▬▬ ▬ ▬▬▬▬▬ ▬▬▬ ▬▬ ▬▬▬▬ ▬ ▬▬▬▬▬ ▬▬▬ ▬▬ ▬▬▬▬ ▬ ▬▬▬▬▬ ▬▬▬ ▬▬ ▬▬▬▬ ▬ ▬▬▬▬▬ ▬▬▬ ▬▬ ▬▬▬▬ ▬ ▬▬▬▬▬ ▬▬▬ ▬▬ ▬▬▬▬ ▬ ▬▬▬▬▬ ▬▬▬ ▬▬ ▬▬▬▬ ▬ ▬▬▬▬▬ ▬▬▬ ▬▬ ▬▬▬▬ ▬ ▬▬▬▬▬ ▬▬▬ ▬▬ ▬▬▬▬ ▬ ▬▬▬▬▬ ▬▬▬ ▬▬ ▬▬▬▬ ▬ ▬▬▬▬▬ ▬▬▬ ▬▬ ▬▬▬▬ ▬ ▬▬▬▬▬ ▬▬▬ ▬▬ ▬▬▬▬ ▬ ▬▬▬▬▬ ▬▬▬ ▬▬ ▬▬▬▬ ▬ ▬▬▬▬▬ ▬▬▬ ▬▬ ▬▬▬▬ ▬ ▬▬▬▬▬ ▬▬▬ ▬▬ ▬▬▬▬ ▬ ▬▬▬▬▬ ▬▬▬ ▬▬ ▬▬▬▬ ▬ ▬▬▬▬▬ ▬▬▬ ▬▬ ▬▬▬▬ ▬ ▬▬▬▬▬ ▬▬▬ ▬▬ ▬▬▬▬ ▬ ▬▬▬▬▬ ▬▬▬ ▬▬ ▬▬▬▬ ▬ ▬▬▬▬▬ ▬▬▬ ▬▬ ▬▬▬▬ ▬ ▬▬▬▬▬ ▬▬▬ ▬▬ ▬▬▬▬ ▬ ▬▬▬▬▬ ▬▬▬ ▬▬ ▬▬▬▬ ▬ ▬▬▬▬▬ ▬▬▬ ▬▬ ▬▬▬▬ ▬ ▬▬▬▬▬ ▬▬▬ ▬▬ ▬▬▬▬ ▬ ▬▬▬▬▬ ▬▬▬ ▬▬ ▬▬▬▬ ▬ ▬▬▬▬▬ ▬▬▬ ▬▬ ▬▬▬▬ ▬ ▬▬▬▬▬ ▬▬▬ ▬▬ ▬▬▬▬ ▬ ▬▬▬▬▬ ▬▬▬ ▬▬ ▬▬▬▬ ▬ ▬▬▬▬▬ ▬▬▬ ▬▬ ▬▬▬▬ ▬ ▬▬▬▬▬ ▬▬▬ ▬▬ ▬▬▬▬ ▬ ▬▬▬▬▬ ▬▬▬ ▬▬ ▬▬▬▬ ▬ ▬▬▬▬▬ ▬▬▬ ▬▬ ▬▬▬▬ ▬ ▬▬▬▬▬ ▬▬▬ ▬▬ ▬▬▬▬ ▬ ▬▬▬▬▬
NELSON v. MARLBOROUGH.
▬▬▬ ▬▬ ▬▬▬▬ ▬ ▬▬▬▬▬ ▬▬▬ ▬▬ ▬▬▬▬ ▬ ▬▬▬▬▬ ▬▬▬ ▬▬ ▬▬▬▬ ▬ ▬▬▬▬▬ ▬▬▬ ▬▬ ▬▬▬▬ ▬ ▬▬▬▬▬ ▬▬▬ ▬▬ ▬▬▬▬ ▬ ▬▬▬▬▬ ▬▬▬ ▬▬ ▬▬▬▬ ▬ ▬▬▬▬▬ ▬▬▬ ▬▬ ▬▬▬▬ ▬ ▬▬▬▬▬ ▬▬▬ ▬▬ ▬▬▬▬ ▬ ▬▬▬▬▬ ▬▬▬ ▬▬ ▬▬▬▬ ▬ ▬▬▬▬▬ ▬▬▬ ▬▬ ▬▬▬▬ ▬ ▬▬▬▬▬ ▬▬▬ ▬▬ ▬▬▬▬ ▬ ▬▬▬▬▬ ▬▬▬ ▬▬ ▬▬▬▬ ▬ ▬▬▬▬▬ ▬▬▬ ▬▬ ▬▬▬▬ ▬ ▬▬▬▬▬ ▬▬▬ ▬▬ ▬▬▬▬ ▬ ▬▬▬▬▬ ▬▬▬ ▬▬ ▬▬▬▬ ▬ ▬▬▬▬▬ ▬▬▬ ▬▬ ▬▬▬▬ ▬ ▬▬▬▬▬ ▬▬▬ ▬▬ ▬▬▬▬ ▬ ▬▬▬▬▬ ▬▬▬ ▬▬ ▬▬▬▬ ▬ ▬▬▬▬▬ ▬▬▬ ▬▬ ▬▬▬▬ ▬ ▬▬▬▬▬ ▬▬▬ ▬▬ ▬▬▬▬ ▬ ▬▬▬▬▬ ▬▬▬ ▬▬ ▬▬▬▬ ▬ ▬▬▬▬▬ ▬▬▬ ▬▬ ▬▬▬▬ ▬ ▬▬▬▬▬ ▬▬▬ ▬▬ ▬▬▬▬ ▬ ▬▬▬▬▬ ▬▬▬ ▬▬ ▬▬▬▬ ▬ ▬▬▬▬▬ ▬▬▬ ▬▬ ▬▬▬▬ ▬ ▬▬▬▬▬ ▬▬▬ ▬▬ ▬▬▬▬ ▬ ▬▬▬▬▬ ▬▬▬ ▬▬ ▬▬▬▬ ▬ ▬▬▬▬▬ ▬▬▬ ▬▬ ▬▬▬▬ ▬ ▬▬▬▬▬ ▬▬▬ ▬▬ ▬▬▬▬ ▬ ▬▬▬▬▬ ▬▬▬ ▬▬ ▬▬▬▬ ▬ ▬▬▬▬▬ ▬▬▬ ▬▬ ▬▬▬▬ ▬ ▬▬▬▬▬ ▬▬▬ ▬▬ ▬▬▬▬ ▬ ▬▬▬▬▬ ▬▬▬ ▬▬ ▬▬▬▬ ▬ ▬▬▬▬▬ ▬▬▬ ▬▬ ▬▬▬▬ ▬ ▬▬▬▬▬ ▬▬▬ ▬▬ ▬▬▬▬ ▬ ▬▬▬▬▬
MANAWATU CHAMPIONSHIP.
▬▬▬ ▬▬ ▬▬▬▬ ▬ ▬▬▬▬▬ ▬▬▬ ▬▬ ▬▬▬▬ ▬ ▬▬▬▬▬ ▬▬▬ ▬▬ ▬▬▬▬ ▬ ▬▬▬▬▬ ▬▬▬ ▬▬ ▬▬▬▬ ▬ ▬▬▬▬▬ ▬▬▬ ▬▬ ▬▬▬▬ ▬ ▬▬▬▬▬ ▬▬▬ ▬▬ ▬▬▬▬ ▬ ▬▬▬▬▬ ▬▬▬ ▬▬ ▬▬▬▬ ▬ ▬▬▬▬▬ ▬▬▬ ▬▬ ▬▬▬▬ ▬ ▬▬▬▬▬ ▬▬▬ ▬▬ ▬▬▬▬ ▬ ▬▬▬▬▬ ▬▬▬ ▬▬ ▬▬▬▬ ▬ ▬▬▬▬▬ ▬▬▬ ▬▬ ▬▬▬▬ ▬ ▬▬▬▬▬ ▬▬▬ ▬▬ ▬▬▬▬ ▬ ▬▬▬▬▬ ▬▬▬ ▬▬ ▬▬▬▬ ▬ ▬▬▬▬▬ ▬▬▬ ▬▬ ▬▬▬▬ ▬ ▬▬▬▬▬ ▬▬▬ ▬▬ ▬▬▬▬ ▬ ▬▬▬▬▬ ▬▬▬ ▬▬ ▬▬▬▬ ▬ ▬▬▬▬▬ ▬▬▬ ▬▬ ▬▬▬▬ ▬ ▬▬▬▬▬ ▬▬▬ ▬▬ ▬▬▬▬ ▬ ▬▬▬▬▬ ▬▬▬ ▬▬ ▬▬▬▬ ▬ ▬▬▬▬▬ ▬▬▬ ▬▬ ▬▬▬▬ ▬ ▬▬▬▬▬
THE MANAWATU PLATE.
▬▬▬ ▬▬ ▬▬▬▬ ▬ ▬▬▬▬▬ ▬▬▬ ▬▬ ▬▬▬▬ ▬ ▬▬▬▬▬ ▬▬▬ ▬▬ ▬▬▬▬ ▬ ▬▬▬▬▬ ▬▬▬ ▬▬ ▬▬▬▬ ▬ ▬▬▬▬▬ ▬▬▬ ▬▬ ▬▬▬▬ ▬ ▬▬▬▬▬ ▬▬▬ ▬▬ ▬▬▬▬ ▬ ▬▬▬▬▬ ▬▬▬ ▬▬ ▬▬▬▬ ▬ ▬▬▬▬▬ ▬▬▬ ▬▬ ▬▬▬▬ ▬ ▬▬▬▬▬ ▬▬▬ ▬▬ ▬▬▬▬ ▬ ▬▬▬▬▬ ▬▬▬ ▬▬ ▬▬▬▬ ▬ ▬▬▬▬▬ ▬▬▬ ▬▬ ▬▬▬▬ ▬ ▬▬▬▬▬ ▬▬▬ ▬▬ ▬▬▬▬ ▬ ▬▬▬▬▬ ▬▬▬ ▬▬ ▬▬▬▬ ▬ ▬▬▬▬▬ ▬▬▬ ▬▬ ▬▬▬▬ ▬ ▬▬▬▬▬ ▬▬▬ ▬▬ ▬▬▬▬ ▬ ▬▬▬▬▬ ▬▬▬ ▬▬ ▬▬▬▬ ▬ ▬▬▬▬▬ ▬▬▬ ▬▬ ▬▬▬▬ ▬ ▬▬▬▬▬ ▬▬▬ ▬▬ ▬▬▬▬ ▬ ▬▬▬▬▬ ▬▬▬ ▬▬ ▬▬▬▬ ▬ ▬▬▬▬▬ ▬▬▬ ▬▬ ▬▬▬▬ ▬ ▬▬▬▬▬ ▬▬▬ ▬▬ ▬▬▬▬ ▬ ▬▬▬▬▬ ▬▬▬ ▬▬ ▬▬▬▬ ▬ ▬▬▬▬▬ ▬▬▬ ▬▬ ▬▬▬▬ ▬ ▬▬▬▬▬ ▬▬▬ ▬▬ ▬▬▬▬ ▬ ▬▬▬▬▬ ▬▬▬ ▬▬ ▬▬▬▬ ▬ ▬▬▬▬▬
WELLINGTON MATCHES.
▬▬▬ ▬▬ ▬▬▬▬ ▬ ▬▬▬▬▬ ▬▬▬ ▬▬ ▬▬▬▬ ▬ ▬▬▬▬▬ ▬▬▬ ▬▬ ▬▬▬▬ ▬ ▬▬▬▬▬ ▬▬▬ ▬▬ ▬▬▬▬ ▬ ▬▬▬▬▬ ▬▬▬ ▬▬ ▬▬▬▬ ▬ ▬▬▬▬▬ ▬▬▬ ▬▬ ▬▬▬▬ ▬ ▬▬▬▬▬ ▬▬▬ ▬▬ ▬▬▬▬ ▬ ▬▬▬▬▬ ▬▬▬ ▬▬ ▬▬▬▬ ▬ ▬▬▬▬▬ ▬▬▬ ▬▬ ▬▬▬▬ ▬ ▬▬▬▬▬ ▬▬▬ ▬▬ ▬▬▬▬ ▬ ▬▬▬▬▬ ▬▬▬ ▬▬ ▬▬▬▬ ▬ ▬▬▬▬▬ ▬▬▬ ▬▬ ▬▬▬▬ ▬ ▬▬▬▬▬ ▬▬▬ ▬▬ ▬▬▬▬ ▬ ▬▬▬▬▬ ▬▬▬ ▬▬ ▬▬▬▬ ▬ ▬▬▬▬▬ ▬▬▬ ▬▬ ▬▬▬▬ ▬ ▬▬▬▬▬ ▬▬▬ ▬▬ ▬▬▬▬ ▬ ▬▬▬▬▬ ▬▬▬ ▬▬ ▬▬▬▬ ▬ ▬▬▬▬▬ ▬▬▬ ▬▬ ▬▬▬▬ ▬ ▬▬▬▬▬ ▬▬▬ ▬▬ ▬▬▬▬ ▬ ▬▬▬▬▬ ▬▬▬ ▬▬ ▬▬▬▬ ▬ ▬▬▬▬▬ ▬▬▬ ▬▬ ▬▬▬▬ ▬ ▬▬▬▬▬ ▬▬▬ ▬▬ ▬▬▬▬ ▬ ▬▬▬▬▬ ▬▬▬ ▬▬ ▬▬▬▬ ▬ ▬▬▬▬▬ ▬▬▬ ▬▬ ▬▬▬▬ ▬ ▬▬▬▬▬ ▬▬▬ ▬▬ ▬▬▬▬ ▬ ▬▬▬▬▬
NORTHERN UNION GAME.
ANOTHER VICTORY.
A HOSTILE DEMONSTRATION.
▬▬▬ ▬▬ ▬▬▬▬ ▬ ▬▬▬▬▬ ▬▬▬ ▬▬ ▬▬▬▬ ▬ ▬▬▬▬▬ ▬▬▬ ▬▬ ▬▬▬▬ ▬ ▬▬▬▬▬ ▬▬▬ ▬▬ ▬▬▬▬ ▬ ▬▬▬▬▬ ▬▬▬ ▬▬ ▬▬▬▬ ▬ ▬▬▬▬▬ ▬▬▬ ▬▬ ▬▬▬▬ ▬ ▬▬▬▬▬ ▬▬▬ ▬▬ ▬▬▬▬ ▬ ▬▬▬▬▬ ▬▬▬ ▬▬ ▬▬▬▬ ▬ ▬▬▬▬▬ ▬▬▬ ▬▬ ▬▬▬▬ ▬ ▬▬▬▬▬ ▬▬▬ ▬▬ ▬▬▬▬ ▬ ▬▬▬▬▬ ▬▬▬ ▬▬ ▬▬▬▬ ▬ ▬▬▬▬▬ ▬▬▬ ▬▬ ▬▬▬▬ ▬ ▬▬▬▬▬ ▬▬▬ ▬▬ ▬▬▬▬ ▬ ▬▬▬▬▬ ▬▬▬ ▬▬ ▬▬▬▬ ▬ ▬▬▬▬▬ ▬▬▬ ▬▬ ▬▬▬▬ ▬ ▬▬▬▬▬ ▬▬▬ ▬▬ ▬▬▬▬ ▬ ▬▬▬▬▬ ▬▬▬ ▬▬ ▬▬▬▬ ▬ ▬▬▬▬▬ ▬▬▬ ▬▬ ▬▬▬▬ ▬ ▬▬▬▬▬ ▬▬▬ ▬▬ ▬▬▬▬ ▬ ▬▬▬▬▬ ▬▬▬ ▬▬ ▬▬▬▬ ▬ ▬▬▬▬▬ ▬▬▬ ▬▬ ▬▬▬▬ ▬ ▬▬▬▬▬ ▬▬▬ ▬▬ ▬▬▬▬ ▬ ▬▬▬▬▬ ▬▬▬ ▬▬ ▬▬▬▬ ▬ ▬▬▬▬▬ ▬▬▬ ▬▬ ▬▬▬▬ ▬ ▬▬▬▬▬ ▬▬▬ ▬▬ ▬▬▬▬ ▬ ▬▬▬▬▬ ▬▬▬ ▬▬ ▬▬▬▬ ▬ ▬▬▬▬▬ ▬▬▬ ▬▬ ▬▬▬▬ ▬ ▬▬▬▬▬ ▬▬▬ ▬▬ ▬▬▬▬ ▬ ▬▬▬▬▬ ▬▬▬ ▬▬ ▬▬▬▬ ▬ ▬▬▬▬▬ ▬▬▬ ▬▬ ▬▬▬▬ ▬ ▬▬▬▬▬ ▬▬▬ ▬▬ ▬▬▬▬ ▬ ▬▬▬▬▬ ▬▬▬ ▬▬ ▬▬▬▬ ▬ ▬▬▬▬▬ ▬▬▬ ▬▬ ▬▬▬▬ ▬ ▬▬▬▬▬ ▬▬▬ ▬▬ ▬▬▬▬ ▬ ▬▬▬▬▬ ▬▬▬ ▬▬ ▬▬▬▬ ▬ ▬▬▬▬▬ ▬▬▬ ▬▬ ▬▬▬▬ ▬ ▬▬▬▬▬ ▬▬▬ ▬▬ ▬▬▬▬ ▬ ▬▬▬▬▬ ▬▬▬ ▬▬ ▬▬▬▬ ▬ ▬▬▬▬▬ ▬▬▬ ▬▬ ▬▬▬▬ ▬ ▬▬▬▬▬ ▬▬▬ ▬▬ ▬▬▬▬ ▬ ▬▬▬▬▬ ▬▬▬ ▬▬ ▬▬▬▬ ▬ ▬▬▬▬▬ ▬▬▬ ▬▬ ▬▬▬▬ ▬ ▬▬▬▬▬ ▬▬▬ ▬▬ ▬▬▬▬ ▬ ▬▬▬▬▬ ▬▬▬ ▬▬ ▬▬▬▬ ▬ ▬▬▬▬▬ ▬▬▬ ▬▬ ▬▬▬▬ ▬ ▬▬▬▬▬ ▬▬▬ ▬▬ ▬▬▬▬ ▬ ▬▬▬▬▬ ▬▬▬ ▬▬ ▬▬▬▬ ▬ ▬▬▬▬▬ ▬▬▬ ▬▬ ▬▬▬▬ ▬ ▬▬▬▬▬ ▬▬▬ ▬▬ ▬▬▬▬ ▬ ▬▬▬▬▬ ▬▬▬ ▬▬ ▬▬▬▬ ▬ ▬▬▬▬▬ ▬▬▬ ▬▬ ▬▬▬▬ ▬ ▬▬▬▬▬ ▬▬▬ ▬▬ ▬▬▬▬ ▬ ▬▬▬▬▬ ▬▬▬ ▬▬ ▬▬▬▬ ▬ ▬▬▬▬▬ ▬▬▬ ▬▬ ▬▬▬▬ ▬ ▬▬▬▬▬ ▬▬▬ ▬▬ ▬▬▬▬ ▬ ▬▬▬▬▬
TARANAKI v. AUCKLAND.
▬▬▬ ▬▬ ▬▬▬▬ ▬ ▬▬▬▬▬ ▬▬▬ ▬▬ ▬▬▬▬ ▬ ▬▬▬▬▬ ▬▬▬ ▬▬ ▬▬▬▬ ▬ ▬▬▬▬▬ ▬▬▬ ▬▬ ▬▬▬▬ ▬ ▬▬▬▬▬ ▬▬▬ ▬▬ ▬▬▬▬ ▬ ▬▬▬▬▬ ▬▬▬ ▬▬ ▬▬▬▬ ▬ ▬▬▬▬▬ ▬▬▬ ▬▬ ▬▬▬▬ ▬ ▬▬▬▬▬ ▬▬▬ ▬▬ ▬▬▬▬ ▬ ▬▬▬▬▬ ▬▬▬ ▬▬ ▬▬▬▬ ▬ ▬▬▬▬▬ ▬▬▬ ▬▬ ▬▬▬▬ ▬ ▬▬▬▬▬ ▬▬▬ ▬▬ ▬▬▬▬ ▬ ▬▬▬▬▬ ▬▬▬ ▬▬ ▬▬▬▬ ▬ ▬▬▬▬▬ ▬▬▬ ▬▬ ▬▬▬▬ ▬ ▬▬▬▬▬ ▬▬▬ ▬▬ ▬▬▬▬ ▬ ▬▬▬▬▬ ▬▬▬ ▬▬ ▬▬▬▬ ▬ ▬▬▬▬▬ ▬▬▬ ▬▬ ▬▬▬▬ ▬ ▬▬▬▬▬ ▬▬▬ ▬▬ ▬▬▬▬ ▬ ▬▬▬▬▬ ▬▬▬ ▬▬ ▬▬▬▬ ▬ ▬▬▬▬▬ ▬▬▬ ▬▬ ▬▬▬▬ ▬ ▬▬▬▬▬ ▬▬▬ ▬▬ ▬▬▬▬ ▬ ▬▬▬▬▬ ▬▬▬ ▬▬ ▬▬▬▬ ▬ ▬▬▬▬▬ ▬▬▬ ▬▬ ▬▬▬▬ ▬ ▬▬▬▬▬ ▬▬▬ ▬▬ ▬▬▬▬ ▬ ▬▬▬▬▬ ▬▬▬ ▬▬ ▬▬▬▬ ▬ ▬▬▬▬▬ ▬▬▬ ▬▬ ▬▬▬▬ ▬ ▬▬▬▬▬ ▬▬▬ ▬▬ ▬▬▬▬ ▬ ▬▬▬▬▬ ▬▬▬ ▬▬ ▬▬▬▬ ▬ ▬▬▬▬▬ ▬▬▬ ▬▬ ▬▬▬▬ ▬ ▬▬▬▬▬ ▬▬▬ ▬▬ ▬▬▬▬ ▬ ▬▬▬▬▬ ▬▬▬ ▬▬ ▬▬▬▬ ▬ ▬▬▬▬▬ ▬▬▬ ▬▬ ▬▬▬▬ ▬ ▬▬▬▬▬ ▬▬▬ ▬▬ ▬▬▬▬ ▬ ▬▬▬▬▬ ▬▬▬ ▬▬ ▬▬▬▬ ▬ ▬▬▬▬▬ ▬▬▬ ▬▬ ▬▬▬▬ ▬ ▬▬▬▬▬ ▬▬▬ ▬▬ ▬▬▬▬ ▬ ▬▬▬▬▬ ▬▬▬ ▬▬ ▬▬▬▬ ▬ ▬▬▬▬▬ ▬▬▬ ▬▬ ▬▬▬▬ ▬ ▬▬▬▬▬ ▬▬▬ ▬▬ ▬▬▬▬ ▬ ▬▬▬▬▬ ▬▬▬ ▬▬ ▬▬▬▬ ▬ ▬▬▬▬▬ ▬▬▬ ▬▬ ▬▬▬▬ ▬ ▬▬▬▬▬ ▬▬▬ ▬▬ ▬▬▬▬ ▬ ▬▬▬▬▬ ▬▬▬ ▬▬ ▬▬▬▬ ▬ ▬▬▬▬▬ ▬▬▬ ▬▬ ▬▬▬▬ ▬ ▬▬▬▬▬ ▬▬▬ ▬▬ ▬▬▬▬ ▬ ▬▬▬▬▬ ▬▬▬ ▬▬ ▬▬▬▬ ▬ ▬▬▬▬▬ ▬▬▬ ▬▬ ▬▬▬▬ ▬ ▬▬▬▬▬ ▬▬▬ ▬▬ ▬▬▬▬ ▬ ▬▬▬▬▬ ▬▬▬ ▬▬ ▬▬▬▬ ▬ ▬▬▬▬▬ ▬▬▬ ▬▬ ▬▬▬▬ ▬ ▬▬▬▬▬ ▬▬▬ ▬▬ ▬▬▬▬ ▬ ▬▬▬▬▬
THE ASSOCIATION GAME.
BROWN SHIELD MATCH.
WELLINGTON v. CANTERBURY.
▬▬▬ ▬▬ ▬▬▬▬ ▬ ▬▬▬▬▬ ▬▬▬ ▬▬ ▬▬▬▬ ▬ ▬▬▬▬▬ ▬▬▬ ▬▬ ▬▬▬▬ ▬ ▬▬▬▬▬ ▬▬▬ ▬▬ ▬▬▬▬ ▬ ▬▬▬▬▬ ▬▬▬ ▬▬ ▬▬▬▬ ▬ ▬▬▬▬▬ ▬▬▬ ▬▬ ▬▬▬▬ ▬ ▬▬▬▬▬ ▬▬▬ ▬▬ ▬▬▬▬ ▬ ▬▬▬▬▬ ▬▬▬ ▬▬ ▬▬▬▬ ▬ ▬▬▬▬▬ ▬▬▬ ▬▬ ▬▬▬▬ ▬ ▬▬▬▬▬ ▬▬▬ ▬▬ ▬▬▬▬ ▬ ▬▬▬▬▬ ▬▬▬ ▬▬ ▬▬▬▬ ▬ ▬▬▬▬▬ ▬▬▬ ▬▬ ▬▬▬▬ ▬ ▬▬▬▬▬ ▬▬▬ ▬▬ ▬▬▬▬ ▬ ▬▬▬▬▬ ▬▬▬ ▬▬ ▬▬▬▬ ▬ ▬▬▬▬▬ ▬▬▬ ▬▬ ▬▬▬▬ ▬ ▬▬▬▬▬ ▬▬▬ ▬▬ ▬▬▬▬ ▬ ▬▬▬▬▬ ▬▬▬ ▬▬ ▬▬▬▬ ▬ ▬▬▬▬▬ ▬▬▬ ▬▬ ▬▬▬▬ ▬ ▬▬▬▬▬ ▬▬▬ ▬▬ ▬▬▬▬ ▬ ▬▬▬▬▬ ▬▬▬ ▬▬ ▬▬▬▬ ▬ ▬▬▬▬▬ ▬▬▬ ▬▬ ▬▬▬▬ ▬ ▬▬▬▬▬ ▬▬▬ ▬▬ ▬▬▬▬ ▬ ▬▬▬▬▬ ▬▬▬ ▬▬ ▬▬▬▬ ▬ ▬▬▬▬▬ ▬▬▬ ▬▬ ▬▬▬▬ ▬ ▬▬▬▬▬ ▬▬▬ ▬▬ ▬▬▬▬ ▬ ▬▬▬▬▬ ▬▬▬ ▬▬ ▬▬▬▬ ▬ ▬▬▬▬▬ ▬▬▬ ▬▬ ▬▬▬▬ ▬ ▬▬▬▬▬ ▬▬▬ ▬▬ ▬▬▬▬ ▬ ▬▬▬▬▬ ▬▬▬ ▬▬ ▬▬▬▬ ▬ ▬▬▬▬▬ ▬▬▬ ▬▬ ▬▬▬▬ ▬ ▬▬▬▬▬ ▬▬▬ ▬▬ ▬▬▬▬ ▬ ▬▬▬▬▬ ▬▬▬ ▬▬ ▬▬▬▬ ▬ ▬▬▬▬▬ ▬▬▬ ▬▬ ▬▬▬▬ ▬ ▬▬▬▬▬ ▬▬▬ ▬▬ ▬▬▬▬ ▬ ▬▬▬▬▬ ▬▬▬ ▬▬ ▬▬▬▬ ▬ ▬▬▬▬▬
CARDS.
▬▬▬ ▬▬ ▬▬▬▬ ▬ ▬▬▬▬▬ ▬▬▬ ▬▬ ▬▬▬▬ ▬ ▬▬▬▬▬ ▬▬▬ ▬▬ ▬▬▬▬ ▬ ▬▬▬▬▬ ▬▬▬ ▬▬ ▬▬▬▬ ▬ ▬▬▬▬▬ ▬▬▬ ▬▬ ▬▬▬▬ ▬ ▬▬▬▬▬ ▬▬▬ ▬▬ ▬▬▬▬ ▬ ▬▬▬▬▬ ▬▬▬ ▬▬ ▬▬▬▬ ▬ ▬▬▬▬▬ ▬▬▬ ▬▬ ▬▬▬▬ ▬ ▬▬▬▬▬ ▬▬▬ ▬▬ ▬▬▬▬ ▬ ▬▬▬▬▬ ▬▬▬ ▬▬ ▬▬▬▬ ▬ ▬▬▬▬▬ ▬▬▬ ▬▬ ▬▬▬▬ ▬ ▬▬▬▬▬ ▬▬▬ ▬▬ ▬▬▬▬ ▬ ▬▬▬▬▬ ▬▬▬ ▬▬ ▬▬▬▬ ▬ ▬▬▬▬▬ ▬▬▬ ▬▬ ▬▬▬▬ ▬ ▬▬▬▬▬ ▬▬▬ ▬▬ ▬▬▬▬ ▬ ▬▬▬▬▬ ▬▬▬ ▬▬ ▬▬▬▬ ▬ ▬▬▬▬▬ ▬▬▬ ▬▬ ▬▬▬▬ ▬ ▬▬▬▬▬ ▬▬▬ ▬▬ ▬▬▬▬ ▬ ▬▬▬▬▬ ▬▬▬ ▬▬ ▬▬▬▬ ▬ ▬▬▬▬▬ ▬▬▬ ▬▬ ▬▬▬▬ ▬ ▬▬▬▬▬ ▬▬▬ ▬▬ ▬▬▬▬ ▬ ▬▬▬▬▬ ▬▬▬ ▬▬ ▬▬▬▬ ▬ ▬▬▬▬▬ ▬▬▬ ▬▬ ▬▬▬▬ ▬ ▬▬▬▬▬ ▬▬▬ ▬▬ ▬▬▬▬ ▬ ▬▬▬▬▬ ▬▬▬ ▬▬ ▬▬▬▬ ▬ ▬▬▬▬▬ ▬▬▬ ▬▬ ▬▬▬▬ ▬ ▬▬▬▬▬ ▬▬▬ ▬▬ ▬▬▬▬ ▬ ▬▬▬▬▬ ▬▬▬ ▬▬ ▬▬▬▬ ▬ ▬▬▬▬▬ ▬▬▬ ▬▬ ▬▬▬▬ ▬ ▬▬▬▬▬ ▬▬▬ ▬▬ ▬▬▬▬ ▬ ▬▬▬▬▬ ▬▬▬ ▬▬ ▬▬▬▬ ▬ ▬▬▬▬▬ ▬▬▬ ▬▬ ▬▬▬▬ ▬ ▬▬▬▬▬ ▬▬▬ ▬▬ ▬▬▬▬ ▬ ▬▬▬▬▬ ▬▬▬ ▬▬ ▬▬▬▬ ▬ ▬▬▬▬▬ ▬▬▬ ▬▬ ▬▬▬▬ ▬ ▬▬▬▬▬ ▬▬▬ ▬▬ ▬▬▬▬ ▬ ▬▬▬▬▬ ▬▬▬ ▬▬ ▬▬▬▬ ▬ ▬▬▬▬▬ ▬▬▬ ▬▬ ▬▬▬▬ ▬ ▬▬▬▬▬ ▬▬▬ ▬▬ ▬▬▬▬ ▬ ▬▬▬▬▬ ▬▬▬ ▬▬ ▬▬▬▬ ▬ ▬▬▬▬▬
SPORTING.
AUSTRALIAN RACING.
▬▬▬ ▬▬ ▬▬▬▬ ▬ ▬▬▬▬▬ ▬▬▬ ▬▬ ▬▬▬▬ ▬ ▬▬▬▬▬ ▬▬▬ ▬▬ ▬▬▬▬ ▬ ▬▬▬▬▬ ▬▬▬ ▬▬ ▬▬▬▬ ▬ ▬▬▬▬▬ ▬▬▬ ▬▬ ▬▬▬▬ ▬ ▬▬▬▬▬ ▬▬▬ ▬▬ ▬▬▬▬ ▬ ▬▬▬▬▬ ▬▬▬ ▬▬ ▬▬▬▬ ▬ ▬▬▬▬▬ ▬▬▬ ▬▬ ▬▬▬▬ ▬ ▬▬▬▬▬ ▬▬▬ ▬▬ ▬▬▬▬ ▬ ▬▬▬▬▬ ▬▬▬ ▬▬ ▬▬▬▬ ▬ ▬▬▬▬▬ ▬▬▬ ▬▬ ▬▬▬▬ ▬ ▬▬▬▬▬ ▬▬▬ ▬▬ ▬▬▬▬ ▬ ▬▬▬▬▬ ▬▬▬ ▬▬ ▬▬▬▬ ▬ ▬▬▬▬▬ ▬▬▬ ▬▬ ▬▬▬▬ ▬ ▬▬▬▬▬ ▬▬▬ ▬▬ ▬▬▬▬ ▬ ▬▬▬▬▬ ▬▬▬ ▬▬ ▬▬▬▬ ▬ ▬▬▬▬▬ ▬▬▬ ▬▬ ▬▬▬▬ ▬ ▬▬▬▬▬ ▬▬▬ ▬▬ ▬▬▬▬ ▬ ▬▬▬▬▬ ▬▬▬ ▬▬ ▬▬▬▬ ▬ ▬▬▬▬▬ ▬▬▬ ▬▬ ▬▬▬▬ ▬ ▬▬▬▬▬ ▬▬▬ ▬▬ ▬▬▬▬ ▬ ▬▬▬▬▬ ▬▬▬ ▬▬ ▬▬▬▬ ▬ ▬▬▬▬▬ ▬▬▬ ▬▬ ▬▬▬▬ ▬ ▬▬▬▬▬ ▬▬▬ ▬▬ ▬▬▬▬ ▬ ▬▬▬▬▬ ▬▬▬ ▬▬ ▬▬▬▬ ▬ ▬▬▬▬▬
CRICKET.
AUSTRALIA v. YORKSHIRE AND LANCASHIRE.
▬▬▬ ▬▬ ▬▬▬▬ ▬ ▬▬▬▬▬ ▬▬▬ ▬▬ ▬▬▬▬ ▬ ▬▬▬▬▬ ▬▬▬ ▬▬ ▬▬▬▬ ▬ ▬▬▬▬▬ ▬▬▬ ▬▬ ▬▬▬▬ ▬ ▬▬▬▬▬ ▬▬▬ ▬▬ ▬▬▬▬ ▬ ▬▬▬▬▬ ▬▬▬ ▬▬ ▬▬▬▬ ▬ ▬▬▬▬▬ ▬▬▬ ▬▬ ▬▬▬▬ ▬ ▬▬▬▬▬ ▬▬▬ ▬▬ ▬▬▬▬ ▬ ▬▬▬▬▬ ▬▬▬ ▬▬ ▬▬▬▬ ▬ ▬▬▬▬▬ ▬▬▬ ▬▬ ▬▬▬▬ ▬ ▬▬▬▬▬ ▬▬▬ ▬▬ ▬▬▬▬ ▬ ▬▬▬▬▬ ▬▬▬ ▬▬ ▬▬▬▬ ▬ ▬▬▬▬▬ ▬▬▬ ▬▬ ▬▬▬▬ ▬ ▬▬▬▬▬ ▬▬▬ ▬▬ ▬▬▬▬ ▬ ▬▬▬▬▬ ▬▬▬ ▬▬ ▬▬▬▬ ▬ ▬▬▬▬▬ ▬▬▬ ▬▬ ▬▬▬▬ ▬ ▬▬▬▬▬ ▬▬▬ ▬▬ ▬▬▬▬ ▬ ▬▬▬▬▬ ▬▬▬ ▬▬ ▬▬▬▬ ▬ ▬▬▬▬▬ ▬▬▬ ▬▬ ▬▬▬▬ ▬ ▬▬▬▬▬ ▬▬▬ ▬▬ ▬▬▬▬ ▬ ▬▬▬▬▬ ▬▬▬ ▬▬ ▬▬▬▬ ▬ ▬▬▬▬▬ ▬▬▬ ▬▬ ▬▬▬▬ ▬ ▬▬▬▬▬ ▬▬▬ ▬▬ ▬▬▬▬ ▬ ▬▬▬▬▬ ▬▬▬ ▬▬ ▬▬▬▬ ▬ ▬▬▬▬▬ ▬▬▬ ▬▬ ▬▬▬▬ ▬ ▬▬▬▬▬ ▬▬▬ ▬▬ ▬▬▬▬ ▬ ▬▬▬▬▬ ▬▬▬ ▬▬ ▬▬▬▬ ▬ ▬▬▬▬▬ ▬▬▬ ▬▬ ▬▬▬▬ ▬ ▬▬▬▬▬ ▬▬▬ ▬▬ ▬▬▬▬ ▬ ▬▬▬▬▬ ▬▬▬ ▬▬ ▬▬▬▬ ▬ ▬▬▬▬▬ ▬▬▬ ▬▬ ▬▬▬▬ ▬ ▬▬▬▬▬ ▬▬▬ ▬▬ ▬▬▬▬ ▬ ▬▬▬▬▬ ▬▬▬ ▬▬ ▬▬▬▬ ▬ ▬▬▬▬▬ ▬▬▬ ▬▬ ▬▬▬▬ ▬ ▬▬▬▬▬ ▬▬▬ ▬▬ ▬▬▬▬ ▬ ▬▬▬▬▬
THE MATCH ABANDONED.
▬▬▬ ▬▬ ▬▬▬▬ ▬ ▬▬▬▬▬ ▬▬▬ ▬▬ ▬▬▬▬ ▬ ▬▬▬▬▬ ▬▬▬ ▬▬ ▬▬▬▬ ▬ ▬▬▬▬▬ ▬▬▬ ▬▬ ▬▬▬▬ ▬ ▬▬▬▬▬ ▬▬▬ ▬▬ ▬▬▬▬ ▬ ▬▬▬▬▬ ▬▬▬ ▬▬ ▬▬▬▬ ▬ ▬▬▬▬▬ ▬▬▬ ▬▬ ▬▬▬▬ ▬ ▬▬▬▬▬ ▬▬▬ ▬▬ ▬▬▬▬ ▬ ▬▬▬▬▬ ▬▬▬ ▬▬ ▬▬▬▬ ▬ ▬▬▬▬▬ ▬▬▬ ▬▬ ▬▬▬▬ ▬ ▬▬▬▬▬ ▬▬▬ ▬▬ ▬▬▬▬ ▬ ▬▬▬▬▬ ▬▬▬ ▬▬ ▬▬▬▬ ▬ ▬▬▬▬▬ ▬▬▬ ▬▬ ▬▬▬▬ ▬ ▬▬▬▬▬ ▬▬▬ ▬▬ ▬▬▬▬ ▬ ▬▬▬▬▬ ▬▬▬ ▬▬ ▬▬▬▬ ▬ ▬▬▬▬▬ ▬▬▬ ▬▬ ▬▬▬▬ ▬ ▬▬▬▬▬ ▬▬▬ ▬▬ ▬▬▬▬ ▬ ▬▬▬▬▬ ▬▬▬ ▬▬ ▬▬▬▬ ▬ ▬▬▬▬▬ ▬▬▬ ▬▬ ▬▬▬▬ ▬ ▬▬▬▬▬ ▬▬▬ ▬▬ ▬▬▬▬ ▬ ▬▬▬▬▬ ▬▬▬ ▬▬ ▬▬▬▬ ▬ ▬▬▬▬▬ ▬▬▬ ▬▬ ▬▬▬▬ ▬ ▬▬▬▬▬ ▬▬▬ ▬▬ ▬▬▬▬ ▬ ▬▬▬▬▬ ▬▬▬ ▬▬ ▬▬▬▬ ▬ ▬▬▬▬▬ ▬▬▬ ▬▬ ▬▬▬▬ ▬ ▬▬▬▬▬
ATHLETICS.
THE BRISBANE MEETING.
▬▬▬ ▬▬ ▬▬▬▬ ▬ ▬▬▬▬▬ ▬▬▬ ▬▬ ▬▬▬▬ ▬ ▬▬▬▬▬ ▬▬▬ ▬▬ ▬▬▬▬ ▬ ▬▬▬▬▬ ▬▬▬ ▬▬ ▬▬▬▬ ▬ ▬▬▬▬▬ ▬▬▬ ▬▬ ▬▬▬▬ ▬ ▬▬▬▬▬ ▬▬▬ ▬▬ ▬▬▬▬ ▬ ▬▬▬▬▬ ▬▬▬ ▬▬ ▬▬▬▬ ▬ ▬▬▬▬▬ ▬▬▬ ▬▬ ▬▬▬▬ ▬ ▬▬▬▬▬ ▬▬▬ ▬▬ ▬▬▬▬ ▬ ▬▬▬▬▬ ▬▬▬ ▬▬ ▬▬▬▬ ▬ ▬▬▬▬▬ ▬▬▬ ▬▬ ▬▬▬▬ ▬ ▬▬▬▬▬ ▬▬▬ ▬▬ ▬▬▬▬ ▬ ▬▬▬▬▬ ▬▬▬ ▬▬ ▬▬▬▬ ▬ ▬▬▬▬▬ ▬▬▬ ▬▬ ▬▬▬▬ ▬ ▬▬▬▬▬ ▬▬▬ ▬▬ ▬▬▬▬ ▬ ▬▬▬▬▬ ▬▬▬ ▬▬ ▬▬▬▬ ▬ ▬▬▬▬▬ ▬▬▬ ▬▬ ▬▬▬▬ ▬ ▬▬▬▬▬ ▬▬▬ ▬▬ ▬▬▬▬ ▬ ▬▬▬▬▬ ▬▬▬ ▬▬ ▬▬▬▬ ▬ ▬▬▬▬▬ ▬▬▬ ▬▬ ▬▬▬▬ ▬ ▬▬▬▬▬ ▬▬▬ ▬▬ ▬▬▬▬ ▬ ▬▬▬▬▬ ▬▬▬ ▬▬ ▬▬▬▬ ▬ ▬▬▬▬▬ ▬▬▬ ▬▬ ▬▬▬▬ ▬ ▬▬▬▬▬ ▬▬▬ ▬▬ ▬▬▬▬ ▬ ▬▬▬▬▬ ▬▬▬ ▬▬ ▬▬▬▬ ▬ ▬▬▬▬▬
HOCKEY.
THE AUCKLAND TEAM.
▬▬▬ ▬▬ ▬▬▬▬ ▬ ▬▬▬▬▬ ▬▬▬ ▬▬ ▬▬▬▬ ▬ ▬▬▬▬▬ ▬▬▬ ▬▬ ▬▬▬▬ ▬ ▬▬▬▬▬ ▬▬▬ ▬▬ ▬▬▬▬ ▬ ▬▬▬▬▬ ▬▬▬ ▬▬ ▬▬▬▬ ▬ ▬▬▬▬▬ ▬▬▬ ▬▬ ▬▬▬▬ ▬ ▬▬▬▬▬ ▬▬▬ ▬▬ ▬▬▬▬ ▬ ▬▬▬▬▬ ▬▬▬ ▬▬ ▬▬▬▬ ▬ ▬▬▬▬▬ ▬▬▬ ▬▬ ▬▬▬▬ ▬ ▬▬▬▬▬ ▬▬▬ ▬▬ ▬▬▬▬ ▬ ▬▬▬▬▬ ▬▬▬ ▬▬ ▬▬▬▬ ▬ ▬▬▬▬▬ ▬▬▬ ▬▬ ▬▬▬▬ ▬ ▬▬▬▬▬ ▬▬▬ ▬▬ ▬▬▬▬ ▬ ▬▬▬▬▬ ▬▬▬ ▬▬ ▬▬▬▬ ▬ ▬▬▬▬▬ ▬▬▬ ▬▬ ▬▬▬▬ ▬ ▬▬▬▬▬ ▬▬▬ ▬▬ ▬▬▬▬ ▬ ▬▬▬▬▬ ▬▬▬ ▬▬ ▬▬▬▬ ▬ ▬▬▬▬▬ ▬▬▬ ▬▬ ▬▬▬▬ ▬ ▬▬▬▬▬ ▬▬▬ ▬▬ ▬▬▬▬ ▬ ▬▬▬▬▬ ▬▬▬ ▬▬ ▬▬▬▬ ▬ ▬▬▬▬▬ ▬▬▬ ▬▬ ▬▬▬▬ ▬ ▬▬▬▬▬ ▬▬▬ ▬▬ ▬▬▬▬ ▬ ▬▬▬▬▬ ▬▬▬ ▬▬ ▬▬▬▬ ▬ ▬▬▬▬▬ ▬▬▬ ▬▬ ▬▬▬▬ ▬ ▬▬▬▬▬ ▬▬▬ ▬▬ ▬▬▬▬ ▬ ▬▬▬▬▬ ▬▬▬ ▬▬ ▬▬▬▬ ▬ ▬▬▬▬▬ ▬▬▬ ▬▬ ▬▬▬▬ ▬ ▬▬▬▬▬ ▬▬▬ ▬▬ ▬▬▬▬ ▬ ▬▬▬▬▬ ▬▬▬ ▬▬ ▬▬▬▬ ▬ ▬▬▬▬▬ ▬▬▬ ▬▬ ▬▬▬▬ ▬ ▬▬▬▬▬ ▬▬▬ ▬▬ ▬▬▬▬ ▬ ▬▬▬▬▬ ▬▬▬ ▬▬ ▬▬▬▬ ▬ ▬▬▬▬▬ ▬▬▬ ▬▬ ▬▬▬▬ ▬ ▬▬▬▬▬ ▬▬▬ ▬▬ ▬▬▬▬ ▬ ▬▬▬▬▬ ▬▬▬ ▬▬ ▬▬▬▬ ▬ ▬▬▬▬▬ ▬▬▬ ▬▬ ▬▬▬▬ ▬ ▬▬▬▬▬ ▬▬▬ ▬▬ ▬▬▬▬ ▬ ▬▬▬▬▬ ▬▬▬ ▬▬ ▬▬▬▬ ▬ ▬▬▬▬▬ ▬▬▬ ▬▬ ▬▬▬▬ ▬ ▬▬▬▬▬ ▬▬▬ ▬▬ ▬▬▬▬ ▬ ▬▬▬▬▬ ▬▬▬ ▬▬ ▬▬▬▬ ▬ ▬▬▬▬▬ ▬▬▬ ▬▬ ▬▬▬▬ ▬ ▬▬▬▬▬ ▬▬▬ ▬▬ ▬▬▬▬ ▬ ▬▬▬▬▬ ▬▬▬ ▬▬ ▬▬▬▬ ▬ ▬▬▬▬▬ ▬▬▬ ▬▬ ▬▬▬▬ ▬ ▬▬▬▬▬
GOLF.
▬▬▬ ▬▬ ▬▬▬▬ ▬ ▬▬▬▬▬ ▬▬▬ ▬▬ ▬▬▬▬ ▬ ▬▬▬▬▬ ▬▬▬ ▬▬ ▬▬▬▬ ▬ ▬▬▬▬▬ ▬▬▬ ▬▬ ▬▬▬▬ ▬ ▬▬▬▬▬ ▬▬▬ ▬▬ ▬▬▬▬ ▬ ▬▬▬▬▬ ▬▬▬ ▬▬ ▬▬▬▬ ▬ ▬▬▬▬▬ ▬▬▬ ▬▬ ▬▬▬▬ ▬ ▬▬▬▬▬ ▬▬▬ ▬▬ ▬▬▬▬ ▬ ▬▬▬▬▬ ▬▬▬ ▬▬ ▬▬▬▬ ▬ ▬▬▬▬▬ ▬▬▬ ▬▬ ▬▬▬▬ ▬ ▬▬▬▬▬ ▬▬▬ ▬▬ ▬▬▬▬ ▬ ▬▬▬▬▬ ▬▬▬ ▬▬ ▬▬▬▬ ▬ ▬▬▬▬▬ ▬▬▬ ▬▬ ▬▬▬▬ ▬ ▬▬▬▬▬ ▬▬▬ ▬▬ ▬▬▬▬ ▬ ▬▬▬▬▬ ▬▬▬ ▬▬ ▬▬▬▬ ▬ ▬▬▬▬▬ ▬▬▬ ▬▬ ▬▬▬▬ ▬ ▬▬▬▬▬ ▬▬▬ ▬▬ ▬▬▬▬ ▬ ▬▬▬▬▬ ▬▬▬ ▬▬ ▬▬▬▬ ▬ ▬▬▬▬▬ ▬▬▬ ▬▬ ▬▬▬▬ ▬ ▬▬▬▬▬ ▬▬▬ ▬▬ ▬▬▬▬ ▬ ▬▬▬▬▬ ▬▬▬ ▬▬ ▬▬▬▬ ▬ ▬▬▬▬▬ ▬▬▬ ▬▬ ▬▬▬▬ ▬ ▬▬▬▬▬ ▬▬▬ ▬▬ ▬▬▬▬ ▬ ▬▬▬▬▬ ▬▬▬ ▬▬ ▬▬▬▬ ▬ ▬▬▬▬▬ ▬▬▬ ▬▬ ▬▬▬▬ ▬ ▬▬▬▬▬ ▬▬▬ ▬▬ ▬▬▬▬ ▬ ▬▬▬▬▬ ▬▬▬ ▬▬ ▬▬▬▬ ▬ ▬▬▬▬▬ ▬▬▬ ▬▬ ▬▬▬▬ ▬ ▬▬▬▬▬ ▬▬▬ ▬▬ ▬▬▬▬ ▬ ▬▬▬▬▬ ▬▬▬ ▬▬ ▬▬▬▬ ▬ ▬▬▬▬▬ ▬▬▬ ▬▬ ▬▬▬▬ ▬ ▬▬▬▬▬ ▬▬▬ ▬▬ ▬▬▬▬ ▬ ▬▬▬▬▬ ▬▬▬ ▬▬ ▬▬▬▬ ▬ ▬▬▬▬▬ ▬▬▬ ▬▬ ▬▬▬▬ ▬ ▬▬▬▬▬ ▬▬▬ ▬▬ ▬▬▬▬ ▬ ▬▬▬▬▬ ▬▬▬ ▬▬ ▬▬▬▬ ▬ ▬▬▬▬▬ ▬▬▬ ▬▬ ▬▬▬▬ ▬ ▬▬▬▬▬ ▬▬▬ ▬▬ ▬▬▬▬ ▬ ▬▬▬▬▬ ▬▬▬ ▬▬ ▬▬▬▬ ▬ ▬▬▬▬▬ ▬▬▬ ▬▬ ▬▬▬▬ ▬ ▬▬▬▬▬
NGAMOTU CLUB.
▬▬▬ ▬▬ ▬▬▬▬ ▬ ▬▬▬▬▬ ▬▬▬ ▬▬ ▬▬▬▬ ▬ ▬▬▬▬▬ ▬▬▬ ▬▬ ▬▬▬▬ ▬ ▬▬▬▬▬ ▬▬▬ ▬▬ ▬▬▬▬ ▬ ▬▬▬▬▬ ▬▬▬ ▬▬ ▬▬▬▬ ▬ ▬▬▬▬▬ ▬▬▬ ▬▬ ▬▬▬▬ ▬ ▬▬▬▬▬ ▬▬▬ ▬▬ ▬▬▬▬ ▬ ▬▬▬▬▬ ▬▬▬ ▬▬ ▬▬▬▬ ▬ ▬▬▬▬▬ ▬▬▬ ▬▬ ▬▬▬▬ ▬ ▬▬▬▬▬ ▬▬▬ ▬▬ ▬▬▬▬ ▬ ▬▬▬▬▬ ▬▬▬ ▬▬ ▬▬▬▬ ▬ ▬▬▬▬▬ ▬▬▬ ▬▬ ▬▬▬▬ ▬ ▬▬▬▬▬ ▬▬▬ ▬▬ ▬▬▬▬ ▬ ▬▬▬▬▬ ▬▬▬ ▬▬ ▬▬▬▬ ▬ ▬▬▬▬▬ ▬▬▬ ▬▬ ▬▬▬▬ ▬ ▬▬▬▬▬ ▬▬▬ ▬▬ ▬▬▬▬ ▬ ▬▬▬▬▬ ▬▬▬ ▬▬ ▬▬▬▬ ▬ ▬▬▬▬▬ ▬▬▬ ▬▬ ▬▬▬▬ ▬ ▬▬▬▬▬ ▬▬▬ ▬▬ ▬▬▬▬ ▬ ▬▬▬▬▬ ▬▬▬ ▬▬ ▬▬▬▬ ▬ ▬▬▬▬▬ ▬▬▬ ▬▬ ▬▬▬▬ ▬ ▬▬▬▬▬ ▬▬▬ ▬▬ ▬▬▬▬ ▬ ▬▬▬▬▬ ▬▬▬ ▬▬ ▬▬▬▬ ▬ ▬▬▬▬▬ ▬▬▬ ▬▬ ▬▬▬▬ ▬ ▬▬▬▬▬ ▬▬▬ ▬▬ ▬▬▬▬ ▬ ▬▬▬▬▬ ▬▬▬ ▬▬ ▬▬▬▬ ▬ ▬▬▬▬▬ ▬▬▬ ▬▬ ▬▬▬▬ ▬ ▬▬▬▬▬ ▬▬▬ ▬▬ ▬▬▬▬ ▬ ▬▬▬▬▬ ▬▬▬ ▬▬ ▬▬▬▬ ▬ ▬▬▬▬▬ ▬▬▬ ▬▬ ▬▬▬▬ ▬ ▬▬▬▬▬ ▬▬▬ ▬▬ ▬▬▬▬ ▬ ▬▬▬▬▬ ▬▬▬ ▬▬ ▬▬▬▬ ▬ ▬▬▬▬▬ ▬▬▬ ▬▬ ▬▬▬▬ ▬ ▬▬▬▬▬ ▬▬▬ ▬▬ ▬▬▬▬ ▬ ▬▬▬▬▬ ▬▬▬ ▬▬ ▬▬▬▬ ▬ ▬▬▬▬▬ ▬▬▬ ▬▬ ▬▬▬▬ ▬ ▬▬▬▬▬ ▬▬▬ ▬▬ ▬▬▬▬ ▬ ▬▬▬▬▬ ▬▬▬ ▬▬ ▬▬▬▬ ▬ ▬▬▬▬▬ ▬▬▬ ▬▬ ▬▬▬▬ ▬ ▬▬▬▬▬ ▬▬▬ ▬▬ ▬▬▬▬ ▬ ▬▬▬▬▬ ▬▬▬ ▬▬ ▬▬▬▬ ▬ ▬▬▬▬▬ ▬▬▬ ▬▬ ▬▬▬▬ ▬ ▬▬▬▬▬ ▬▬▬ ▬▬ ▬▬▬▬ ▬ ▬▬▬▬▬ ▬▬▬ ▬▬ ▬▬▬▬ ▬ ▬▬▬▬▬ ▬▬▬ ▬▬ ▬▬▬▬ ▬ ▬▬▬▬▬ ▬▬▬ ▬▬ ▬▬▬▬ ▬ ▬▬▬▬▬ ▬▬▬ ▬▬ ▬▬▬▬ ▬ ▬▬▬▬▬ ▬▬▬ ▬▬ ▬▬▬▬ ▬ ▬▬▬▬▬ ▬▬▬ ▬▬ ▬▬▬▬ ▬ ▬▬▬▬▬ ▬▬▬ ▬▬ ▬▬▬▬ ▬ ▬▬▬▬▬ ▬▬▬ ▬▬ ▬▬▬▬ ▬ ▬▬▬▬▬ ▬▬▬ ▬▬ ▬▬▬▬ ▬ ▬▬▬▬▬ ▬▬▬ ▬▬ ▬▬▬▬ ▬ ▬▬▬▬▬ ▬▬▬ ▬▬ ▬▬▬▬ ▬ ▬▬▬▬▬ ▬▬▬ ▬▬ ▬▬▬▬ ▬ ▬▬▬▬▬
RIFLE SHOOTING.
▬▬▬ ▬▬ ▬▬▬▬ ▬ ▬▬▬▬▬ ▬▬▬ ▬▬ ▬▬▬▬ ▬ ▬▬▬▬▬ ▬▬▬ ▬▬ ▬▬▬▬ ▬ ▬▬▬▬▬ ▬▬▬ ▬▬ ▬▬▬▬ ▬ ▬▬▬▬▬ ▬▬▬ ▬▬ ▬▬▬▬ ▬ ▬▬▬▬▬ ▬▬▬ ▬▬ ▬▬▬▬ ▬ ▬▬▬▬▬ ▬▬▬ ▬▬ ▬▬▬▬ ▬ ▬▬▬▬▬ ▬▬▬ ▬▬ ▬▬▬▬ ▬ ▬▬▬▬▬ ▬▬▬ ▬▬ ▬▬▬▬ ▬ ▬▬▬▬▬ ▬▬▬ ▬▬ ▬▬▬▬ ▬ ▬▬▬▬▬ ▬▬▬ ▬▬ ▬▬▬▬ ▬ ▬▬▬▬▬ ▬▬▬ ▬▬ ▬▬▬▬ ▬ ▬▬▬▬▬ ▬▬▬ ▬▬ ▬▬▬▬ ▬ ▬▬▬▬▬ ▬▬▬ ▬▬ ▬▬▬▬ ▬ ▬▬▬▬▬ ▬▬▬ ▬▬ ▬▬▬▬ ▬ ▬▬▬▬▬ ▬▬▬ ▬▬ ▬▬▬▬ ▬ ▬▬▬▬▬ ▬▬▬ ▬▬ ▬▬▬▬ ▬ ▬▬▬▬▬ ▬▬▬ ▬▬ ▬▬▬▬ ▬ ▬▬▬▬▬ ▬▬▬ ▬▬ ▬▬▬▬ ▬ ▬▬▬▬▬ ▬▬▬ ▬▬ ▬▬▬▬ ▬ ▬▬▬▬▬ ▬▬▬ ▬▬ ▬▬▬▬ ▬ ▬▬▬▬▬ ▬▬▬ ▬▬ ▬▬▬▬ ▬ ▬▬▬▬▬ ▬▬▬ ▬▬ ▬▬▬▬ ▬ ▬▬▬▬▬ ▬▬▬ ▬▬ ▬▬▬▬ ▬ ▬▬▬▬▬ ▬▬▬ ▬▬ ▬▬▬▬ ▬ ▬▬▬▬▬ ▬▬▬ ▬▬ ▬▬▬▬ ▬ ▬▬▬▬▬ ▬▬▬ ▬▬ ▬▬▬▬ ▬ ▬▬▬▬▬ ▬▬▬ ▬▬ ▬▬▬▬ ▬ ▬▬▬▬▬ ▬▬▬ ▬▬ ▬▬▬▬ ▬ ▬▬▬▬▬ ▬▬▬ ▬▬ ▬▬▬▬ ▬ ▬▬▬▬▬
VICTORIA COLLEGE.
▬▬▬ ▬▬ ▬▬▬▬ ▬ ▬▬▬▬▬ ▬▬▬ ▬▬ ▬▬▬▬ ▬ ▬▬▬▬▬ ▬▬▬ ▬▬ ▬▬▬▬ ▬ ▬▬▬▬▬ ▬▬▬ ▬▬ ▬▬▬▬ ▬ ▬▬▬▬▬ ▬▬▬ ▬▬ ▬▬▬▬ ▬ ▬▬▬▬▬ ▬▬▬ ▬▬ ▬▬▬▬ ▬ ▬▬▬▬▬ ▬▬▬ ▬▬ ▬▬▬▬ ▬ ▬▬▬▬▬ ▬▬▬ ▬▬ ▬▬▬▬ ▬ ▬▬▬▬▬ ▬▬▬ ▬▬ ▬▬▬▬ ▬ ▬▬▬▬▬ ▬▬▬ ▬▬ ▬▬▬▬ ▬ ▬▬▬▬▬ ▬▬▬ ▬▬ ▬▬▬▬ ▬ ▬▬▬▬▬ ▬▬▬ ▬▬ ▬▬▬▬ ▬ ▬▬▬▬▬ ▬▬▬ ▬▬ ▬▬▬▬ ▬ ▬▬▬▬▬ ▬▬▬ ▬▬ ▬▬▬▬ ▬ ▬▬▬▬▬ ▬▬▬ ▬▬ ▬▬▬▬ ▬ ▬▬▬▬▬
"L-K-G"
MILKING MACHINE
FREE TRIAL
▬▬▬ ▬▬ ▬▬▬▬ ▬ ▬▬▬▬▬ ▬▬▬ ▬▬ ▬▬▬▬ ▬ ▬▬▬▬▬ ▬▬▬ ▬▬ ▬▬▬▬ ▬ ▬▬▬▬▬ ▬▬▬ ▬▬ ▬▬▬▬ ▬ ▬▬▬▬▬ ▬▬▬ ▬▬ ▬▬▬▬ ▬ ▬▬▬▬▬ ▬▬▬ ▬▬ ▬▬▬▬ ▬ ▬▬▬▬▬ ▬▬▬ ▬▬ ▬▬▬▬ ▬ ▬▬▬▬▬ ▬▬▬ ▬▬ ▬▬▬▬ ▬ ▬▬▬▬▬ ▬▬▬ ▬▬ ▬▬▬▬ ▬ ▬▬▬▬▬ ▬▬▬ ▬▬ ▬▬▬▬ ▬ ▬▬▬▬▬ ▬▬▬ ▬▬ ▬▬▬▬ ▬ ▬▬▬▬▬ ▬▬▬ ▬▬ ▬▬▬▬ ▬ ▬▬▬▬▬ ▬▬▬ ▬▬ ▬▬▬▬ ▬ ▬▬▬▬▬ ▬▬▬ ▬▬ ▬▬▬▬ ▬ ▬▬▬▬▬ ▬▬▬ ▬▬ ▬▬▬▬ ▬ ▬▬▬▬▬ ▬▬▬ ▬▬ ▬▬▬▬ ▬ ▬▬▬▬▬ ▬▬▬ ▬▬ ▬▬▬▬ ▬ ▬▬▬▬▬ ▬▬▬ ▬▬ ▬▬▬▬ ▬ ▬▬▬▬▬ ▬▬▬ ▬▬ ▬▬▬▬ ▬ ▬▬▬▬▬ ▬▬▬ ▬▬ ▬▬▬▬ ▬ ▬▬▬▬▬ ▬▬▬ ▬▬ ▬▬▬▬ ▬ ▬▬▬▬▬ ▬▬▬ ▬▬ ▬▬▬▬ ▬ ▬▬▬▬▬ ▬▬▬ ▬▬ ▬▬▬▬ ▬ ▬▬▬▬▬ ▬▬▬ ▬▬ ▬▬▬▬ ▬ ▬▬▬▬▬ ▬▬▬ ▬▬ ▬▬▬▬ ▬ ▬▬▬▬▬ ▬▬▬ ▬▬ ▬▬▬▬ ▬ ▬▬▬▬▬ ▬▬▬ ▬▬ ▬▬▬▬ ▬ ▬▬▬▬▬ ▬▬▬ ▬▬ ▬▬▬▬ ▬ ▬▬▬▬▬ ▬▬▬ ▬▬ ▬▬▬▬ ▬ ▬▬▬▬▬ ▬▬▬ ▬▬ ▬▬▬▬ ▬ ▬▬▬▬▬ ▬▬▬ ▬▬ ▬▬▬▬ ▬ ▬▬▬▬▬ ▬▬▬ ▬▬ ▬▬▬▬ ▬ ▬▬▬▬▬ ▬▬▬ ▬▬ ▬▬▬▬ ▬ ▬▬▬▬▬ ▬▬▬ ▬▬ ▬▬▬▬ ▬ ▬▬▬▬▬ ▬▬▬ ▬▬ ▬▬▬▬ ▬ ▬▬▬▬▬
SKEATES BROS.
"THE MAGISTRATE"
THEATRE ROYAL.
WEDNESDAY, AUGUST 4.
▬▬▬ ▬▬ ▬▬▬▬ ▬ ▬▬▬▬▬ ▬▬▬ ▬▬ ▬▬▬▬ ▬ ▬▬▬▬▬ ▬▬▬ ▬▬ ▬▬▬▬ ▬ ▬▬▬▬▬ ▬▬▬ ▬▬ ▬▬▬▬ ▬ ▬▬▬▬▬ ▬▬▬ ▬▬ ▬▬▬▬ ▬ ▬▬▬▬▬ ▬▬▬ ▬▬ ▬▬▬▬ ▬ ▬▬▬▬▬ ▬▬▬ ▬▬ ▬▬▬▬ ▬ ▬▬▬▬▬ ▬▬▬ ▬▬ ▬▬▬▬ ▬ ▬▬▬▬▬ ▬▬▬ ▬▬ ▬▬▬▬ ▬ ▬▬▬▬▬ ▬▬▬ ▬▬ ▬▬▬▬ ▬ ▬▬▬▬▬ ▬▬▬ ▬▬ ▬▬▬▬ ▬ ▬▬▬▬▬ ▬▬▬ ▬▬ ▬▬▬▬ ▬ ▬▬▬▬▬ ▬▬▬ ▬▬ ▬▬▬▬ ▬ ▬▬▬▬▬ ▬▬▬ ▬▬ ▬▬▬▬ ▬ ▬▬▬▬▬ ▬▬▬ ▬▬ ▬▬▬▬ ▬ ▬▬▬▬▬ ▬▬▬ ▬▬ ▬▬▬▬ ▬ ▬▬▬▬▬ ▬▬▬ ▬▬ ▬▬▬▬ ▬ ▬▬▬▬▬ ▬▬▬ ▬▬ ▬▬▬▬ ▬ ▬▬▬▬▬ ▬▬▬ ▬▬ ▬▬▬▬ ▬ ▬▬▬▬▬ ▬▬▬ ▬▬ ▬▬▬▬ ▬ ▬▬▬▬▬ ▬▬▬ ▬▬ ▬▬▬▬ ▬ ▬▬▬▬▬ ▬▬▬ ▬▬ ▬▬▬▬ ▬ ▬▬▬▬▬ ▬▬▬ ▬▬ ▬▬▬▬ ▬ ▬▬▬▬▬ ▬▬▬ ▬▬ ▬▬▬▬ ▬ ▬▬▬▬▬ ▬▬▬ ▬▬ ▬▬▬▬ ▬ ▬▬▬▬▬ ▬▬▬ ▬▬ ▬▬▬▬ ▬ ▬▬▬▬▬ ▬▬▬ ▬▬ ▬▬▬▬ ▬ ▬▬▬▬▬ ▬▬▬ ▬▬ ▬▬▬▬ ▬ ▬▬▬▬▬ ▬▬▬ ▬▬ ▬▬▬▬ ▬ ▬▬▬▬▬ ▬▬▬ ▬▬ ▬▬▬▬ ▬ ▬▬▬▬▬ ▬▬▬ ▬▬ ▬▬▬▬ ▬ ▬▬▬▬▬ ▬▬▬ ▬▬ ▬▬▬▬ ▬ ▬▬▬▬▬ ▬▬▬ ▬▬ ▬▬▬▬ ▬ ▬▬▬▬▬ ▬▬▬ ▬▬ ▬▬▬▬ ▬ ▬▬▬▬▬ ▬▬▬ ▬▬ ▬▬▬▬ ▬ ▬▬▬▬▬ ▬▬▬ ▬▬ ▬▬▬▬ ▬ ▬▬▬▬▬ ▬▬▬ ▬▬ ▬▬▬▬ ▬ ▬▬▬▬▬ ▬▬▬ ▬▬ ▬▬▬▬ ▬ ▬▬▬▬▬ ▬▬▬ ▬▬ ▬▬▬▬ ▬ ▬▬▬▬▬ ▬▬▬ ▬▬ ▬▬▬▬ ▬ ▬▬▬▬▬ ▬▬▬ ▬▬ ▬▬▬▬ ▬ ▬▬▬▬▬ ▬▬▬ ▬▬ ▬▬▬▬ ▬ ▬▬▬▬▬ ▬▬▬ ▬▬ ▬▬▬▬ ▬ ▬▬▬▬▬ ▬▬▬ ▬▬ ▬▬▬▬ ▬ ▬▬▬▬▬ ▬▬▬ ▬▬ ▬▬▬▬ ▬ ▬▬▬▬▬ ▬▬▬ ▬▬ ▬▬▬▬ ▬ ▬▬▬▬▬ ▬▬▬ ▬▬ ▬▬▬▬ ▬ ▬▬▬▬▬ ▬▬▬ ▬▬ ▬▬▬▬ ▬ ▬▬▬▬▬ ▬▬▬ ▬▬ ▬▬▬▬ ▬ ▬▬▬▬▬ ▬▬▬ ▬▬ ▬▬▬▬ ▬ ▬▬▬▬▬ ▬▬▬ ▬▬ ▬▬▬▬ ▬ ▬▬▬▬▬ ▬▬▬ ▬▬ ▬▬▬▬ ▬ ▬▬▬▬▬ ▬▬▬ ▬▬ ▬▬▬▬ ▬ ▬▬▬▬▬ ▬▬▬ ▬▬ ▬▬▬▬ ▬ ▬▬▬▬▬ ▬▬▬ ▬▬ ▬▬▬▬ ▬ ▬▬▬▬▬ ▬▬▬ ▬▬ ▬▬▬▬ ▬ ▬▬▬▬▬ ▬▬▬ ▬▬ ▬▬▬▬ ▬ ▬▬▬▬▬ ▬▬▬ ▬▬ ▬▬▬▬ ▬ ▬▬▬▬▬ ▬▬▬ ▬▬ ▬▬▬▬ ▬ ▬▬▬▬▬ ▬▬▬ ▬▬ ▬▬▬▬ ▬ ▬▬▬▬▬ ▬▬▬ ▬▬ ▬▬▬▬ ▬ ▬▬▬▬▬ ▬▬▬ ▬▬ ▬▬▬▬ ▬ ▬▬▬▬▬ ▬▬▬ ▬▬ ▬▬▬▬ ▬ ▬▬▬▬▬ ▬▬▬ ▬▬ ▬▬▬▬ ▬ ▬▬▬▬▬ ▬▬▬ ▬▬ ▬▬▬▬ ▬ ▬▬▬▬▬
THEATRE ROYAL.
TWO NIGHTS ONLY.
FRIDAY, AUGUST 6th.
▬▬▬ ▬▬ ▬▬▬▬ ▬ ▬▬▬▬▬ ▬▬▬ ▬▬ ▬▬▬▬ ▬ ▬▬▬▬▬ ▬▬▬ ▬▬ ▬▬▬▬ ▬ ▬▬▬▬▬ ▬▬▬ ▬▬ ▬▬▬▬ ▬ ▬▬▬▬▬ ▬▬▬ ▬▬ ▬▬▬▬ ▬ ▬▬▬▬▬ ▬▬▬ ▬▬ ▬▬▬▬ ▬ ▬▬▬▬▬ ▬▬▬ ▬▬ ▬▬▬▬ ▬ ▬▬▬▬▬ ▬▬▬ ▬▬ ▬▬▬▬ ▬ ▬▬▬▬▬ ▬▬▬ ▬▬ ▬▬▬▬ ▬ ▬▬▬▬▬ ▬▬▬ ▬▬ ▬▬▬▬ ▬ ▬▬▬▬▬ ▬▬▬ ▬▬ ▬▬▬▬ ▬ ▬▬▬▬▬ ▬▬▬ ▬▬ ▬▬▬▬ ▬ ▬▬▬▬▬ ▬▬▬ ▬▬ ▬▬▬▬ ▬ ▬▬▬▬▬ ▬▬▬ ▬▬ ▬▬▬▬ ▬ ▬▬▬▬▬ ▬▬▬ ▬▬ ▬▬▬▬ ▬ ▬▬▬▬▬ ▬▬▬ ▬▬ ▬▬▬▬ ▬ ▬▬▬▬▬ ▬▬▬ ▬▬ ▬▬▬▬ ▬ ▬▬▬▬▬ ▬▬▬ ▬▬ ▬▬▬▬ ▬ ▬▬▬▬▬ ▬▬▬ ▬▬ ▬▬▬▬ ▬ ▬▬▬▬▬ ▬▬▬ ▬▬ ▬▬▬▬ ▬ ▬▬▬▬▬ ▬▬▬ ▬▬ ▬▬▬▬ ▬ ▬▬▬▬▬ ▬▬▬ ▬▬ ▬▬▬▬ ▬ ▬▬▬▬▬ ▬▬▬ ▬▬ ▬▬▬▬ ▬ ▬▬▬▬▬ ▬▬▬ ▬▬ ▬▬▬▬ ▬ ▬▬▬▬▬ ▬▬▬ ▬▬ ▬▬▬▬ ▬ ▬▬▬▬▬ ▬▬▬ ▬▬ ▬▬▬▬ ▬ ▬▬▬▬▬ ▬▬▬ ▬▬ ▬▬▬▬ ▬ ▬▬▬▬▬ ▬▬▬ ▬▬ ▬▬▬▬ ▬ ▬▬▬▬▬ ▬▬▬ ▬▬ ▬▬▬▬ ▬ ▬▬▬▬▬ ▬▬▬ ▬▬ ▬▬▬▬ ▬ ▬▬▬▬▬ ▬▬▬ ▬▬ ▬▬▬▬ ▬ ▬▬▬▬▬ ▬▬▬ ▬▬ ▬▬▬▬ ▬ ▬▬▬▬▬ ▬▬▬ ▬▬ ▬▬▬▬ ▬ ▬▬▬▬▬ ▬▬▬ ▬▬ ▬▬▬▬ ▬ ▬▬▬▬▬ ▬▬▬ ▬▬ ▬▬▬▬ ▬ ▬▬▬▬▬ ▬▬▬ ▬▬ ▬▬▬▬ ▬ ▬▬▬▬▬ ▬▬▬ ▬▬ ▬▬▬▬ ▬ ▬▬▬▬▬ ▬▬▬ ▬▬ ▬▬▬▬ ▬ ▬▬▬▬▬ ▬▬▬ ▬▬ ▬▬▬▬ ▬ ▬▬▬▬▬ ▬▬▬ ▬▬ ▬▬▬▬ ▬ ▬▬▬▬▬ ▬▬▬ ▬▬ ▬▬▬▬ ▬ ▬▬▬▬▬ ▬▬▬ ▬▬ ▬▬▬▬ ▬ ▬▬▬▬▬ ▬▬▬ ▬▬ ▬▬▬▬ ▬ ▬▬▬▬▬ ▬▬▬ ▬▬ ▬▬▬▬ ▬ ▬▬▬▬▬ ▬▬▬ ▬▬ ▬▬▬▬ ▬ ▬▬▬▬▬
COUNTY OF TARANAKI.
▬▬▬ ▬▬ ▬▬▬▬ ▬ ▬▬▬▬▬ ▬▬▬ ▬▬ ▬▬▬▬ ▬ ▬▬▬▬▬ ▬▬▬ ▬▬ ▬▬▬▬ ▬ ▬▬▬▬▬ ▬▬▬ ▬▬ ▬▬▬▬ ▬ ▬▬▬▬▬ ▬▬▬ ▬▬ ▬▬▬▬ ▬ ▬▬▬▬▬ ▬▬▬ ▬▬ ▬▬▬▬ ▬ ▬▬▬▬▬ ▬▬▬ ▬▬ ▬▬▬▬ ▬ ▬▬▬▬▬ ▬▬▬ ▬▬ ▬▬▬▬ ▬ ▬▬▬▬▬ ▬▬▬ ▬▬ ▬▬▬▬ ▬ ▬▬▬▬▬ ▬▬▬ ▬▬ ▬▬▬▬ ▬ ▬▬▬▬▬ ▬▬▬ ▬▬ ▬▬▬▬ ▬ ▬▬▬▬▬ ▬▬▬ ▬▬ ▬▬▬▬ ▬ ▬▬▬▬▬ ▬▬▬ ▬▬ ▬▬▬▬ ▬ ▬▬▬▬▬ ▬▬▬ ▬▬ ▬▬▬▬ ▬ ▬▬▬▬▬ ▬▬▬ ▬▬ ▬▬▬▬ ▬ ▬▬▬▬▬ ▬▬▬ ▬▬ ▬▬▬▬ ▬ ▬▬▬▬▬ ▬▬▬ ▬▬ ▬▬▬▬ ▬ ▬▬▬▬▬ ▬▬▬ ▬▬ ▬▬▬▬ ▬ ▬▬▬▬▬ ▬▬▬ ▬▬ ▬▬▬▬ ▬ ▬▬▬▬▬ ▬▬▬ ▬▬ ▬▬▬▬ ▬ ▬▬▬▬▬
HAWERA COUNTY COUNCIL.
▬▬▬ ▬▬ ▬▬▬▬ ▬ ▬▬▬▬▬ ▬▬▬ ▬▬ ▬▬▬▬ ▬ ▬▬▬▬▬ ▬▬▬ ▬▬ ▬▬▬▬ ▬ ▬▬▬▬▬ ▬▬▬ ▬▬ ▬▬▬▬ ▬ ▬▬▬▬▬ ▬▬▬ ▬▬ ▬▬▬▬ ▬ ▬▬▬▬▬ ▬▬▬ ▬▬ ▬▬▬▬ ▬ ▬▬▬▬▬ ▬▬▬ ▬▬ ▬▬▬▬ ▬ ▬▬▬▬▬ ▬▬▬ ▬▬ ▬▬▬▬ ▬ ▬▬▬▬▬ ▬▬▬ ▬▬ ▬▬▬▬ ▬ ▬▬▬▬▬ ▬▬▬ ▬▬ ▬▬▬▬ ▬ ▬▬▬▬▬ ▬▬▬ ▬▬ ▬▬▬▬ ▬ ▬▬▬▬▬ ▬▬▬ ▬▬ ▬▬▬▬ ▬ ▬▬▬▬▬ ▬▬▬ ▬▬ ▬▬▬▬ ▬ ▬▬▬▬▬ ▬▬▬ ▬▬ ▬▬▬▬ ▬ ▬▬▬▬▬ ▬▬▬ ▬▬ ▬▬▬▬ ▬ ▬▬▬▬▬ ▬▬▬ ▬▬ ▬▬▬▬ ▬ ▬▬▬▬▬ ▬▬▬ ▬▬ ▬▬▬▬ ▬ ▬▬▬▬▬ ▬▬▬ ▬▬ ▬▬▬▬ ▬ ▬▬▬▬▬ ▬▬▬ ▬▬ ▬▬▬▬ ▬ ▬▬▬▬▬ ▬▬▬ ▬▬ ▬▬▬▬ ▬ ▬▬▬▬▬ ▬▬▬ ▬▬ ▬▬▬▬ ▬ ▬▬▬▬▬ ▬▬▬ ▬▬ ▬▬▬▬ ▬ ▬▬▬▬▬ ▬▬▬ ▬▬ ▬▬▬▬ ▬ ▬▬▬▬▬ ▬▬▬ ▬▬ ▬▬▬▬ ▬ ▬▬▬▬▬ ▬▬▬ ▬▬ ▬▬▬▬ ▬ ▬▬▬▬▬ ▬▬▬ ▬▬ ▬▬▬▬ ▬ ▬▬▬▬▬ ▬▬▬ ▬▬ ▬▬▬▬ ▬ ▬▬▬▬▬ ▬▬▬ ▬▬ ▬▬▬▬ ▬ ▬▬▬▬▬ ▬▬▬ ▬▬ ▬▬▬▬ ▬ ▬▬▬▬▬ ▬▬▬ ▬▬ ▬▬▬▬ ▬ ▬▬▬▬▬ ▬▬▬ ▬▬ ▬▬▬▬ ▬ ▬▬▬▬▬ ▬▬▬ ▬▬ ▬▬▬▬ ▬ ▬▬▬▬▬ ▬▬▬ ▬▬ ▬▬▬▬ ▬ ▬▬▬▬▬ ▬▬▬ ▬▬ ▬▬▬▬ ▬ ▬▬▬▬▬ ▬▬▬ ▬▬ ▬▬▬▬ ▬ ▬▬▬▬▬
TO BUILDERS.
▬▬▬ ▬▬ ▬▬▬▬ ▬ ▬▬▬▬▬ ▬▬▬ ▬▬ ▬▬▬▬ ▬ ▬▬▬▬▬ ▬▬▬ ▬▬ ▬▬▬▬ ▬ ▬▬▬▬▬ ▬▬▬ ▬▬ ▬▬▬▬ ▬ ▬▬▬▬▬ ▬▬▬ ▬▬ ▬▬▬▬ ▬ ▬▬▬▬▬ ▬▬▬ ▬▬ ▬▬▬▬ ▬ ▬▬▬▬▬ ▬▬▬ ▬▬ ▬▬▬▬ ▬ ▬▬▬▬▬ ▬▬▬ ▬▬ ▬▬▬▬ ▬ ▬▬▬▬▬ ▬▬▬ ▬▬ ▬▬▬▬ ▬ ▬▬▬▬▬ ▬▬▬ ▬▬ ▬▬▬▬ ▬ ▬▬▬▬▬ ▬▬▬ ▬▬ ▬▬▬▬ ▬ ▬▬▬▬▬ ▬▬▬ ▬▬ ▬▬▬▬ ▬ ▬▬▬▬▬ ▬▬▬ ▬▬ ▬▬▬▬ ▬ ▬▬▬▬▬ ▬▬▬ ▬▬ ▬▬▬▬ ▬ ▬▬▬▬▬ ▬▬▬ ▬▬ ▬▬▬▬ ▬ ▬▬▬▬▬ ▬▬▬ ▬▬ ▬▬▬▬ ▬ ▬▬▬▬▬ ▬▬▬ ▬▬ ▬▬▬▬ ▬ ▬▬▬▬▬ ▬▬▬ ▬▬ ▬▬▬▬ ▬ ▬▬▬▬▬ ▬▬▬ ▬▬ ▬▬▬▬ ▬ ▬▬▬▬▬ ▬▬▬ ▬▬ ▬▬▬▬ ▬ ▬▬▬▬▬ ▬▬▬ ▬▬ ▬▬▬▬ ▬ ▬▬▬▬▬ ▬▬▬ ▬▬ ▬▬▬▬ ▬ ▬▬▬▬▬ ▬▬▬ ▬▬ ▬▬▬▬ ▬ ▬▬▬▬▬ ▬▬▬ ▬▬ ▬▬▬▬ ▬ ▬▬▬▬▬ ▬▬▬ ▬▬ ▬▬▬▬ ▬ ▬▬▬▬▬ ▬▬▬ ▬▬ ▬▬▬▬ ▬ ▬▬▬▬▬ ▬▬▬ ▬▬ ▬▬▬▬ ▬ ▬▬▬▬▬ ▬▬▬ ▬▬ ▬▬▬▬ ▬ ▬▬▬▬▬ ▬▬▬ ▬▬ ▬▬▬▬ ▬ ▬▬▬▬▬ ▬▬▬ ▬▬ ▬▬▬▬ ▬ ▬▬▬▬▬ ▬▬▬ ▬▬ ▬▬▬▬ ▬ ▬▬▬▬▬ ▬▬▬ ▬▬ ▬▬▬▬ ▬ ▬▬▬▬▬ ▬▬▬ ▬▬ ▬▬▬▬ ▬ ▬▬▬▬▬ ▬▬▬ ▬▬ ▬▬▬▬ ▬ ▬▬▬▬▬ ▬▬▬ ▬▬ ▬▬▬▬ ▬ ▬▬▬▬▬ ▬▬▬ ▬▬ ▬▬▬▬ ▬ ▬▬▬▬▬ ▬▬▬ ▬▬ ▬▬▬▬ ▬ ▬▬▬▬▬ ▬▬▬ ▬▬ ▬▬▬▬ ▬ ▬▬▬▬▬ ▬▬▬ ▬▬ ▬▬▬▬ ▬ ▬▬▬▬▬ ▬▬▬ ▬▬ ▬▬▬▬ ▬ ▬▬▬▬▬ ▬▬▬ ▬▬ ▬▬▬▬ ▬ ▬▬▬▬▬ ▬▬▬ ▬▬ ▬▬▬▬ ▬ ▬▬▬▬▬ ▬▬▬ ▬▬ ▬▬▬▬ ▬ ▬▬▬▬▬ ▬▬▬ ▬▬ ▬▬▬▬ ▬ ▬▬▬▬▬ ▬▬▬ ▬▬ ▬▬▬▬ ▬ ▬▬▬▬▬
TENDERS.
▬▬▬ ▬▬ ▬▬▬▬ ▬ ▬▬▬▬▬ ▬▬▬ ▬▬ ▬▬▬▬ ▬ ▬▬▬▬▬ ▬▬▬ ▬▬ ▬▬▬▬ ▬ ▬▬▬▬▬ ▬▬▬ ▬▬ ▬▬▬▬ ▬ ▬▬▬▬▬ ▬▬▬ ▬▬ ▬▬▬▬ ▬ ▬▬▬▬▬ ▬▬▬ ▬▬ ▬▬▬▬ ▬ ▬▬▬▬▬ ▬▬▬ ▬▬ ▬▬▬▬ ▬ ▬▬▬▬▬ ▬▬▬ ▬▬ ▬▬▬▬ ▬ ▬▬▬▬▬ ▬▬▬ ▬▬ ▬▬▬▬ ▬ ▬▬▬▬▬ ▬▬▬ ▬▬ ▬▬▬▬ ▬ ▬▬▬▬▬ ▬▬▬ ▬▬ ▬▬▬▬ ▬ ▬▬▬▬▬ ▬▬▬ ▬▬ ▬▬▬▬ ▬ ▬▬▬▬▬ ▬▬▬ ▬▬ ▬▬▬▬ ▬ ▬▬▬▬▬ ▬▬▬ ▬▬ ▬▬▬▬ ▬ ▬▬▬▬▬ ▬▬▬ ▬▬ ▬▬▬▬ ▬ ▬▬▬▬▬ ▬▬▬ ▬▬ ▬▬▬▬ ▬ ▬▬▬▬▬ ▬▬▬ ▬▬ ▬▬▬▬ ▬ ▬▬▬▬▬ ▬▬▬ ▬▬ ▬▬▬▬ ▬ ▬▬▬▬▬ ▬▬▬ ▬▬ ▬▬▬▬ ▬ ▬▬▬▬▬ ▬▬▬ ▬▬ ▬▬▬▬ ▬ ▬▬▬▬▬ ▬▬▬ ▬▬ ▬▬▬▬ ▬ ▬▬▬▬▬ ▬▬▬ ▬▬ ▬▬▬▬ ▬ ▬▬▬▬▬ ▬▬▬ ▬▬ ▬▬▬▬ ▬ ▬▬▬▬▬ ▬▬▬ ▬▬ ▬▬▬▬ ▬ ▬▬▬▬▬ ▬▬▬ ▬▬ ▬▬▬▬ ▬ ▬▬▬▬▬ ▬▬▬ ▬▬ ▬▬▬▬ ▬ ▬▬▬▬▬ ▬▬▬ ▬▬ ▬▬▬▬ ▬ ▬▬▬▬▬ ▬▬▬ ▬▬ ▬▬▬▬ ▬ ▬▬▬▬▬ ▬▬▬ ▬▬ ▬▬▬▬ ▬ ▬▬▬▬▬ ▬▬▬ ▬▬ ▬▬▬▬ ▬ ▬▬▬▬▬ ▬▬▬ ▬▬ ▬▬▬▬ ▬ ▬▬▬▬▬ ▬▬▬ ▬▬ ▬▬▬▬ ▬ ▬▬▬▬▬ ▬▬▬ ▬▬ ▬▬▬▬ ▬ ▬▬▬▬▬ ▬▬▬ ▬▬ ▬▬▬▬ ▬ ▬▬▬▬▬ ▬▬▬ ▬▬ ▬▬▬▬ ▬ ▬▬▬▬▬ ▬▬▬ ▬▬ ▬▬▬▬ ▬ ▬▬▬▬▬ ▬▬▬ ▬▬ ▬▬▬▬ ▬ ▬▬▬▬▬ ▬▬▬ ▬▬ ▬▬▬▬ ▬ ▬▬▬▬▬ ▬▬▬ ▬▬ ▬▬▬▬ ▬ ▬▬▬▬▬ ▬▬▬ ▬▬ ▬▬▬▬ ▬ ▬▬▬▬▬ ▬▬▬ ▬▬ ▬▬▬▬ ▬ ▬▬▬▬▬ ▬▬▬ ▬▬ ▬▬▬▬ ▬ ▬▬▬▬▬ ▬▬▬ ▬▬ ▬▬▬▬ ▬ ▬▬▬▬▬ ▬▬▬ ▬▬ ▬▬▬▬ ▬ ▬▬▬▬▬ ▬▬▬ ▬▬ ▬▬▬▬ ▬ ▬▬▬▬▬ ▬▬▬ ▬▬ ▬▬▬▬ ▬ ▬▬▬▬▬ ▬▬▬ ▬▬ ▬▬▬▬ ▬ ▬▬▬▬▬ ▬▬▬ ▬▬ ▬▬▬▬ ▬ ▬▬▬▬▬ ▬▬▬ ▬▬ ▬▬▬▬ ▬ ▬▬▬▬▬ ▬▬▬ ▬▬ ▬▬▬▬ ▬ ▬▬▬▬▬ ▬▬▬ ▬▬ ▬▬▬▬ ▬ ▬▬▬▬▬ ▬▬▬ ▬▬ ▬▬▬▬ ▬ ▬▬▬▬▬ ▬▬▬ ▬▬ ▬▬▬▬ ▬ ▬▬▬▬▬ ▬▬▬ ▬▬ ▬▬▬▬ ▬ ▬▬▬▬▬ ▬▬▬ ▬▬ ▬▬▬▬ ▬ ▬▬▬▬▬ ▬▬▬ ▬▬ ▬▬▬▬ ▬ ▬▬▬▬▬ ▬▬▬ ▬▬ ▬▬▬▬ ▬ ▬▬▬▬▬ ▬▬▬ ▬▬ ▬▬▬▬ ▬ ▬▬▬▬▬ ▬▬▬ ▬▬ ▬▬▬▬ ▬ ▬▬▬▬▬ ▬▬▬ ▬▬ ▬▬▬▬ ▬ ▬▬▬▬▬ ▬▬▬ ▬▬ ▬▬▬▬ ▬ ▬▬▬▬▬ ▬▬▬ ▬▬ ▬▬▬▬ ▬ ▬▬▬▬▬ ▬▬▬ ▬▬ ▬▬▬▬ ▬ ▬▬▬▬▬ ▬▬▬ ▬▬ ▬▬▬▬ ▬ ▬▬▬▬▬ ▬▬▬ ▬▬ ▬▬▬▬ ▬ ▬▬▬▬▬
WAITARA FREEZING WORKS
▬▬▬ ▬▬ ▬▬▬▬ ▬ ▬▬▬▬▬ ▬▬▬ ▬▬ ▬▬▬▬ ▬ ▬▬▬▬▬ ▬▬▬ ▬▬ ▬▬▬▬ ▬ ▬▬▬▬▬ ▬▬▬ ▬▬ ▬▬▬▬ ▬ ▬▬▬▬▬ ▬▬▬ ▬▬ ▬▬▬▬ ▬ ▬▬▬▬▬ ▬▬▬ ▬▬ ▬▬▬▬ ▬ ▬▬▬▬▬ ▬▬▬ ▬▬ ▬▬▬▬ ▬ ▬▬▬▬▬ ▬▬▬ ▬▬ ▬▬▬▬ ▬ ▬▬▬▬▬ ▬▬▬ ▬▬ ▬▬▬▬ ▬ ▬▬▬▬▬ ▬▬▬ ▬▬ ▬▬▬▬ ▬ ▬▬▬▬▬ ▬▬▬ ▬▬ ▬▬▬▬ ▬ ▬▬▬▬▬ ▬▬▬ ▬▬ ▬▬▬▬ ▬ ▬▬▬▬▬ ▬▬▬ ▬▬ ▬▬▬▬ ▬ ▬▬▬▬▬ ▬▬▬ ▬▬ ▬▬▬▬ ▬ ▬▬▬▬▬ ▬▬▬ ▬▬ ▬▬▬▬ ▬ ▬▬▬▬▬ ▬▬▬ ▬▬ ▬▬▬▬ ▬ ▬▬▬▬▬ ▬▬▬ ▬▬ ▬▬▬▬ ▬ ▬▬▬▬▬ ▬▬▬ ▬▬ ▬▬▬▬ ▬ ▬▬▬▬▬ ▬▬▬ ▬▬ ▬▬▬▬ ▬ ▬▬▬▬▬ ▬▬▬ ▬▬ ▬▬▬▬ ▬ ▬▬▬▬▬ ▬▬▬ ▬▬ ▬▬▬▬ ▬ ▬▬▬▬▬ ▬▬▬ ▬▬ ▬▬▬▬ ▬ ▬▬▬▬▬ ▬▬▬ ▬▬ ▬▬▬▬ ▬ ▬▬▬▬▬ ▬▬▬ ▬▬ ▬▬▬▬ ▬ ▬▬▬▬▬ ▬▬▬ ▬▬ ▬▬▬▬ ▬ ▬▬▬▬▬ ▬▬▬ ▬▬ ▬▬▬▬ ▬ ▬▬▬▬▬ ▬▬▬ ▬▬ ▬▬▬▬ ▬ ▬▬▬▬▬ ▬▬▬ ▬▬ ▬▬▬▬ ▬ ▬▬▬▬▬ ▬▬▬ ▬▬ ▬▬▬▬ ▬ ▬▬▬▬▬ ▬▬▬ ▬▬ ▬▬▬▬ ▬ ▬▬▬▬▬ ▬▬▬ ▬▬ ▬▬▬▬ ▬ ▬▬▬▬▬ ▬▬▬ ▬▬ ▬▬▬▬ ▬ ▬▬▬▬▬ ▬▬▬ ▬▬ ▬▬▬▬ ▬ ▬▬▬▬▬ ▬▬▬ ▬▬ ▬▬▬▬ ▬ ▬▬▬▬▬ ▬▬▬ ▬▬ ▬▬▬▬ ▬ ▬▬▬▬▬ ▬▬▬ ▬▬ ▬▬▬▬ ▬ ▬▬▬▬▬ ▬▬▬ ▬▬ ▬▬▬▬ ▬ ▬▬▬▬▬ ▬▬▬ ▬▬ ▬▬▬▬ ▬ ▬▬▬▬▬ ▬▬▬ ▬▬ ▬▬▬▬ ▬ ▬▬▬▬▬ ▬▬▬ ▬▬ ▬▬▬▬ ▬ ▬▬▬▬▬ ▬▬▬ ▬▬ ▬▬▬▬ ▬ ▬▬▬▬▬ ▬▬▬ ▬▬ ▬▬▬▬ ▬ ▬▬▬▬▬ ▬▬▬ ▬▬ ▬▬▬▬ ▬ ▬▬▬▬▬ ▬▬▬ ▬▬ ▬▬▬▬ ▬ ▬▬▬▬▬ ▬▬▬ ▬▬ ▬▬▬▬ ▬ ▬▬▬▬▬
TO TAILORS.
▬▬▬ ▬▬ ▬▬▬▬ ▬ ▬▬▬▬▬ ▬▬▬ ▬▬ ▬▬▬▬ ▬ ▬▬▬▬▬ ▬▬▬ ▬▬ ▬▬▬▬ ▬ ▬▬▬▬▬ ▬▬▬ ▬▬ ▬▬▬▬ ▬ ▬▬▬▬▬ ▬▬▬ ▬▬ ▬▬▬▬ ▬ ▬▬▬▬▬ ▬▬▬ ▬▬ ▬▬▬▬ ▬ ▬▬▬▬▬ ▬▬▬ ▬▬ ▬▬▬▬ ▬ ▬▬▬▬▬ ▬▬▬ ▬▬ ▬▬▬▬ ▬ ▬▬▬▬▬ ▬▬▬ ▬▬ ▬▬▬▬ ▬ ▬▬▬▬▬ ▬▬▬ ▬▬ ▬▬▬▬ ▬ ▬▬▬▬▬ ▬▬▬ ▬▬ ▬▬▬▬ ▬ ▬▬▬▬▬ ▬▬▬ ▬▬ ▬▬▬▬ ▬ ▬▬▬▬▬ ▬▬▬ ▬▬ ▬▬▬▬ ▬ ▬▬▬▬▬ ▬▬▬ ▬▬ ▬▬▬▬ ▬ ▬▬▬▬▬ ▬▬▬ ▬▬ ▬▬▬▬ ▬ ▬▬▬▬▬ ▬▬▬ ▬▬ ▬▬▬▬ ▬ ▬▬▬▬▬ ▬▬▬ ▬▬ ▬▬▬▬ ▬ ▬▬▬▬▬ ▬▬▬ ▬▬ ▬▬▬▬ ▬ ▬▬▬▬▬ ▬▬▬ ▬▬ ▬▬▬▬ ▬ ▬▬▬▬▬ ▬▬▬ ▬▬ ▬▬▬▬ ▬ ▬▬▬▬▬
The Wellington Meat Export Co.,
LIMITED, MANURE MANUFACTURERS.
Important to Farmers.
W.M.E.Co. Manures
▬▬▬ ▬▬ ▬▬▬▬ ▬ ▬▬▬▬▬ ▬▬▬ ▬▬ ▬▬▬▬ ▬ ▬▬▬▬▬ ▬▬▬ ▬▬ ▬▬▬▬ ▬ ▬▬▬▬▬ ▬▬▬ ▬▬ ▬▬▬▬ ▬ ▬▬▬▬▬ ▬▬▬ ▬▬ ▬▬▬▬ ▬ ▬▬▬▬▬ ▬▬▬ ▬▬ ▬▬▬▬ ▬ ▬▬▬▬▬ ▬▬▬ ▬▬ ▬▬▬▬ ▬ ▬▬▬▬▬ ▬▬▬ ▬▬ ▬▬▬▬ ▬ ▬▬▬▬▬ ▬▬▬ ▬▬ ▬▬▬▬ ▬ ▬▬▬▬▬ ▬▬▬ ▬▬ ▬▬▬▬ ▬ ▬▬▬▬▬ ▬▬▬ ▬▬ ▬▬▬▬ ▬ ▬▬▬▬▬ ▬▬▬ ▬▬ ▬▬▬▬ ▬ ▬▬▬▬▬ ▬▬▬ ▬▬ ▬▬▬▬ ▬ ▬▬▬▬▬ ▬▬▬ ▬▬ ▬▬▬▬ ▬ ▬▬▬▬▬ ▬▬▬ ▬▬ ▬▬▬▬ ▬ ▬▬▬▬▬ ▬▬▬ ▬▬ ▬▬▬▬ ▬ ▬▬▬▬▬ ▬▬▬ ▬▬ ▬▬▬▬ ▬ ▬▬▬▬▬ ▬▬▬ ▬▬ ▬▬▬▬ ▬ ▬▬▬▬▬ ▬▬▬ ▬▬ ▬▬▬▬ ▬ ▬▬▬▬▬ ▬▬▬ ▬▬ ▬▬▬▬ ▬ ▬▬▬▬▬ ▬▬▬ ▬▬ ▬▬▬▬ ▬ ▬▬▬▬▬ ▬▬▬ ▬▬ ▬▬▬▬ ▬ ▬▬▬▬▬ ▬▬▬ ▬▬ ▬▬▬▬ ▬ ▬▬▬▬▬ ▬▬▬ ▬▬ ▬▬▬▬ ▬ ▬▬▬▬▬ ▬▬▬ ▬▬ ▬▬▬▬ ▬ ▬▬▬▬▬
FREEZING SHEEP AND LAMBS.
THE WELLINGTON MEAT EXPORT CO., LTD.
▬▬▬ ▬▬ ▬▬▬▬ ▬ ▬▬▬▬▬ ▬▬▬ ▬▬ ▬▬▬▬ ▬ ▬▬▬▬▬ ▬▬▬ ▬▬ ▬▬▬▬ ▬ ▬▬▬▬▬ ▬▬▬ ▬▬ ▬▬▬▬ ▬ ▬▬▬▬▬ ▬▬▬ ▬▬ ▬▬▬▬ ▬ ▬▬▬▬▬ ▬▬▬ ▬▬ ▬▬▬▬ ▬ ▬▬▬▬▬ ▬▬▬ ▬▬ ▬▬▬▬ ▬ ▬▬▬▬▬ ▬▬▬ ▬▬ ▬▬▬▬ ▬ ▬▬▬▬▬ ▬▬▬ ▬▬ ▬▬▬▬ ▬ ▬▬▬▬▬ ▬▬▬ ▬▬ ▬▬▬▬ ▬ ▬▬▬▬▬ ▬▬▬ ▬▬ ▬▬▬▬ ▬ ▬▬▬▬▬ ▬▬▬ ▬▬ ▬▬▬▬ ▬ ▬▬▬▬▬ ▬▬▬ ▬▬ ▬▬▬▬ ▬ ▬▬▬▬▬ ▬▬▬ ▬▬ ▬▬▬▬ ▬ ▬▬▬▬▬ ▬▬▬ ▬▬ ▬▬▬▬ ▬ ▬▬▬▬▬ ▬▬▬ ▬▬ ▬▬▬▬ ▬ ▬▬▬▬▬ ▬▬▬ ▬▬ ▬▬▬▬ ▬ ▬▬▬▬▬ ▬▬▬ ▬▬ ▬▬▬▬ ▬ ▬▬▬▬▬ ▬▬▬ ▬▬ ▬▬▬▬ ▬ ▬▬▬▬▬ ▬▬▬ ▬▬ ▬▬▬▬ ▬ ▬▬▬▬▬
RAHOTU.
TUESDAY, AUGUST 3.
NEWTON KING
200 MIXED CATTLE, including—
▬▬▬ ▬▬ ▬▬▬▬ ▬ ▬▬▬▬▬ ▬▬▬ ▬▬ ▬▬▬▬ ▬ ▬▬▬▬▬ ▬▬▬ ▬▬ ▬▬▬▬ ▬ ▬▬▬▬▬ ▬▬▬ ▬▬ ▬▬▬▬ ▬ ▬▬▬▬▬ ▬▬▬ ▬▬ ▬▬▬▬ ▬ ▬▬▬▬▬ ▬▬▬ ▬▬ ▬▬▬▬ ▬ ▬▬▬▬▬ ▬▬▬ ▬▬ ▬▬▬▬ ▬ ▬▬▬▬▬ ▬▬▬ ▬▬ ▬▬▬▬ ▬ ▬▬▬▬▬ ▬▬▬ ▬▬ ▬▬▬▬ ▬ ▬▬▬▬▬ ▬▬▬ ▬▬ ▬▬▬▬ ▬ ▬▬▬▬▬ ▬▬▬ ▬▬ ▬▬▬▬ ▬ ▬▬▬▬▬ ▬▬▬ ▬▬ ▬▬▬▬ ▬ ▬▬▬▬▬ ▬▬▬ ▬▬ ▬▬▬▬ ▬ ▬▬▬▬▬ ▬▬▬ ▬▬ ▬▬▬▬ ▬ ▬▬▬▬▬ ▬▬▬ ▬▬ ▬▬▬▬ ▬ ▬▬▬▬▬
SATURDAY, the 14th day of AUGUST, 1909.
NEWTON KING
▬▬▬ ▬▬ ▬▬▬▬ ▬ ▬▬▬▬▬ ▬▬▬ ▬▬ ▬▬▬▬ ▬ ▬▬▬▬▬ ▬▬▬ ▬▬ ▬▬▬▬ ▬ ▬▬▬▬▬ ▬▬▬ ▬▬ ▬▬▬▬ ▬ ▬▬▬▬▬ ▬▬▬ ▬▬ ▬▬▬▬ ▬ ▬▬▬▬▬ ▬▬▬ ▬▬ ▬▬▬▬ ▬ ▬▬▬▬▬ ▬▬▬ ▬▬ ▬▬▬▬ ▬ ▬▬▬▬▬ ▬▬▬ ▬▬ ▬▬▬▬ ▬ ▬▬▬▬▬ ▬▬▬ ▬▬ ▬▬▬▬ ▬ ▬▬▬▬▬ ▬▬▬ ▬▬ ▬▬▬▬ ▬ ▬▬▬▬▬ ▬▬▬ ▬▬ ▬▬▬▬ ▬ ▬▬▬▬▬ ▬▬▬ ▬▬ ▬▬▬▬ ▬ ▬▬▬▬▬ ▬▬▬ ▬▬ ▬▬▬▬ ▬ ▬▬▬▬▬ ▬▬▬ ▬▬ ▬▬▬▬ ▬ ▬▬▬▬▬ ▬▬▬ ▬▬ ▬▬▬▬ ▬ ▬▬▬▬▬ ▬▬▬ ▬▬ ▬▬▬▬ ▬ ▬▬▬▬▬ ▬▬▬ ▬▬ ▬▬▬▬ ▬ ▬▬▬▬▬ ▬▬▬ ▬▬ ▬▬▬▬ ▬ ▬▬▬▬▬ ▬▬▬ ▬▬ ▬▬▬▬ ▬ ▬▬▬▬▬ ▬▬▬ ▬▬ ▬▬▬▬ ▬ ▬▬▬▬▬ ▬▬▬ ▬▬ ▬▬▬▬ ▬ ▬▬▬▬▬ ▬▬▬ ▬▬ ▬▬▬▬ ▬ ▬▬▬▬▬ ▬▬▬ ▬▬ ▬▬▬▬ ▬ ▬▬▬▬▬ ▬▬▬ ▬▬ ▬▬▬▬ ▬ ▬▬▬▬▬ ▬▬▬ ▬▬ ▬▬▬▬ ▬ ▬▬▬▬▬ ▬▬▬ ▬▬ ▬▬▬▬ ▬ ▬▬▬▬▬ ▬▬▬ ▬▬ ▬▬▬▬ ▬ ▬▬▬▬▬ ▬▬▬ ▬▬ ▬▬▬▬ ▬ ▬▬▬▬▬ ▬▬▬ ▬▬ ▬▬▬▬ ▬ ▬▬▬▬▬ ▬▬▬ ▬▬ ▬▬▬▬ ▬ ▬▬▬▬▬ ▬▬▬ ▬▬ ▬▬▬▬ ▬ ▬▬▬▬▬ ▬▬▬ ▬▬ ▬▬▬▬ ▬ ▬▬▬▬▬ ▬▬▬ ▬▬ ▬▬▬▬ ▬ ▬▬▬▬▬ ▬▬▬ ▬▬ ▬▬▬▬ ▬ ▬▬▬▬▬ ▬▬▬ ▬▬ ▬▬▬▬ ▬ ▬▬▬▬▬ ▬▬▬ ▬▬ ▬▬▬▬ ▬ ▬▬▬▬▬ ▬▬▬ ▬▬ ▬▬▬▬ ▬ ▬▬▬▬▬ ▬▬▬ ▬▬ ▬▬▬▬ ▬ ▬▬▬▬▬ ▬▬▬ ▬▬ ▬▬▬▬ ▬ ▬▬▬▬▬ ▬▬▬ ▬▬ ▬▬▬▬ ▬ ▬▬▬▬▬ ▬▬▬ ▬▬ ▬▬▬▬ ▬ ▬▬▬▬▬ ▬▬▬ ▬▬ ▬▬▬▬ ▬ ▬▬▬▬▬ ▬▬▬ ▬▬ ▬▬▬▬ ▬ ▬▬▬▬▬ ▬▬▬ ▬▬ ▬▬▬▬ ▬ ▬▬▬▬▬ ▬▬▬ ▬▬ ▬▬▬▬ ▬ ▬▬▬▬▬ ▬▬▬ ▬▬ ▬▬▬▬ ▬ ▬▬▬▬▬ ▬▬▬ ▬▬ ▬▬▬▬ ▬ ▬▬▬▬▬ ▬▬▬ ▬▬ ▬▬▬▬ ▬ ▬▬▬▬▬ ▬▬▬ ▬▬ ▬▬▬▬ ▬ ▬▬▬▬▬ ▬▬▬ ▬▬ ▬▬▬▬ ▬ ▬▬▬▬▬ ▬▬▬ ▬▬ ▬▬▬▬ ▬ ▬▬▬▬▬ ▬▬▬ ▬▬ ▬▬▬▬ ▬ ▬▬▬▬▬ ▬▬▬ ▬▬ ▬▬▬▬ ▬ ▬▬▬▬▬ ▬▬▬ ▬▬ ▬▬▬▬ ▬ ▬▬▬▬▬ ▬▬▬ ▬▬ ▬▬▬▬ ▬ ▬▬▬▬▬ ▬▬▬ ▬▬ ▬▬▬▬ ▬ ▬▬▬▬▬ ▬▬▬ ▬▬ ▬▬▬▬ ▬ ▬▬▬▬▬ ▬▬▬ ▬▬ ▬▬▬▬ ▬ ▬▬▬▬▬ ▬▬▬ ▬▬ ▬▬▬▬ ▬ ▬▬▬▬▬ ▬▬▬ ▬▬ ▬▬▬▬ ▬ ▬▬▬▬▬
INGLEWOOD.
WEDNESDAY, AUGUST 4.
VICKERS AND STEVENS
350 HEAD MIXED CATTLE
▬▬▬ ▬▬ ▬▬▬▬ ▬ ▬▬▬▬▬ ▬▬▬ ▬▬ ▬▬▬▬ ▬ ▬▬▬▬▬ ▬▬▬ ▬▬ ▬▬▬▬ ▬ ▬▬▬▬▬ ▬▬▬ ▬▬ ▬▬▬▬ ▬ ▬▬▬▬▬ ▬▬▬ ▬▬ ▬▬▬▬ ▬ ▬▬▬▬▬ ▬▬▬ ▬▬ ▬▬▬▬ ▬ ▬▬▬▬▬ ▬▬▬ ▬▬ ▬▬▬▬ ▬ ▬▬▬▬▬ ▬▬▬ ▬▬ ▬▬▬▬ ▬ ▬▬▬▬▬ ▬▬▬ ▬▬ ▬▬▬▬ ▬ ▬▬▬▬▬ ▬▬▬ ▬▬ ▬▬▬▬ ▬ ▬▬▬▬▬
TARANAKI WOOL, SHEEPSKIN, HIDE, AND TALLOW SALES.
HAYMARKET, STRATFORD.
NEXT SALE—AUGUST 3.
▬▬▬ ▬▬ ▬▬▬▬ ▬ ▬▬▬▬▬ ▬▬▬ ▬▬ ▬▬▬▬ ▬ ▬▬▬▬▬ ▬▬▬ ▬▬ ▬▬▬▬ ▬ ▬▬▬▬▬ ▬▬▬ ▬▬ ▬▬▬▬ ▬ ▬▬▬▬▬ ▬▬▬ ▬▬ ▬▬▬▬ ▬ ▬▬▬▬▬ ▬▬▬ ▬▬ ▬▬▬▬ ▬ ▬▬▬▬▬ ▬▬▬ ▬▬ ▬▬▬▬ ▬ ▬▬▬▬▬ ▬▬▬ ▬▬ ▬▬▬▬ ▬ ▬▬▬▬▬ ▬▬▬ ▬▬ ▬▬▬▬ ▬ ▬▬▬▬▬ ▬▬▬ ▬▬ ▬▬▬▬ ▬ ▬▬▬▬▬ ▬▬▬ ▬▬ ▬▬▬▬ ▬ ▬▬▬▬▬ ▬▬▬ ▬▬ ▬▬▬▬ ▬ ▬▬▬▬▬ ▬▬▬ ▬▬ ▬▬▬▬ ▬ ▬▬▬▬▬ ▬▬▬ ▬▬ ▬▬▬▬ ▬ ▬▬▬▬▬ ▬▬▬ ▬▬ ▬▬▬▬ ▬ ▬▬▬▬▬
NEWTON KING
Stratford
Wool, Hide, Sheepskin and Tallow Sales.
NEXT SALE—AUGUST 3.
▬▬▬ ▬▬ ▬▬▬▬ ▬ ▬▬▬▬▬ ▬▬▬ ▬▬ ▬▬▬▬ ▬ ▬▬▬▬▬ ▬▬▬ ▬▬ ▬▬▬▬ ▬ ▬▬▬▬▬ ▬▬▬ ▬▬ ▬▬▬▬ ▬ ▬▬▬▬▬ ▬▬▬ ▬▬ ▬▬▬▬ ▬ ▬▬▬▬▬ ▬▬▬ ▬▬ ▬▬▬▬ ▬ ▬▬▬▬▬ ▬▬▬ ▬▬ ▬▬▬▬ ▬ ▬▬▬▬▬ ▬▬▬ ▬▬ ▬▬▬▬ ▬ ▬▬▬▬▬ ▬▬▬ ▬▬ ▬▬▬▬ ▬ ▬▬▬▬▬ ▬▬▬ ▬▬ ▬▬▬▬ ▬ ▬▬▬▬▬ ▬▬▬ ▬▬ ▬▬▬▬ ▬ ▬▬▬▬▬ ▬▬▬ ▬▬ ▬▬▬▬ ▬ ▬▬▬▬▬ ▬▬▬ ▬▬ ▬▬▬▬
YOUNG, HOBBS & CO.
Stratford.
SEEDS THAT GROW
▬▬▬ ▬▬ ▬▬▬▬ ▬ ▬▬▬▬▬ ▬▬▬ ▬▬ ▬▬▬▬ ▬ ▬▬▬▬▬ ▬▬▬ ▬▬ ▬▬▬▬ ▬ ▬▬▬▬▬ ▬▬▬ ▬▬ ▬▬▬▬ ▬ ▬▬▬▬▬ ▬▬▬ ▬▬ ▬▬▬▬ ▬ ▬▬▬▬▬ ▬▬▬ ▬▬ ▬▬▬▬ ▬ ▬▬▬▬▬ ▬▬▬ ▬▬ ▬▬▬▬ ▬ ▬▬▬▬▬ ▬▬▬ ▬▬ ▬▬▬▬ ▬ ▬▬▬▬▬ ▬▬▬ ▬▬ ▬▬▬▬ ▬ ▬▬▬▬▬ ▬▬▬ ▬▬ ▬▬▬▬ ▬ ▬▬▬▬▬
FLOWER SEEDS
▬▬▬ ▬▬ ▬▬▬▬ ▬ ▬▬▬▬▬ ▬▬▬ ▬▬ ▬▬▬▬ ▬ ▬▬▬▬▬ ▬▬▬ ▬▬ ▬▬▬▬ ▬ ▬▬▬▬▬ ▬▬▬ ▬▬ ▬▬▬▬ ▬ ▬▬▬▬▬ ▬▬▬ ▬▬ ▬▬▬▬ ▬ ▬▬▬▬▬ ▬▬▬ ▬▬ ▬▬▬▬ ▬ ▬▬▬▬▬ ▬▬▬ ▬▬ ▬▬▬▬ ▬ ▬▬▬▬▬ ▬▬▬ ▬▬ ▬▬▬▬ ▬ ▬▬▬▬▬ ▬▬▬ ▬▬ ▬▬▬▬ ▬ ▬▬▬▬▬ ▬▬▬ ▬▬ ▬▬▬▬ ▬ ▬▬▬▬▬
GARDEN SEEDS
▬▬▬ ▬▬ ▬▬▬▬ ▬ ▬▬▬▬▬ ▬▬▬ ▬▬ ▬▬▬▬ ▬ ▬▬▬▬▬ ▬▬▬ ▬▬ ▬▬▬▬ ▬ ▬▬▬▬▬ ▬▬▬ ▬▬ ▬▬▬▬ ▬ ▬▬▬▬▬ ▬▬▬ ▬▬ ▬▬▬▬ ▬ ▬▬▬▬▬ ▬▬▬ ▬▬ ▬▬▬▬ ▬ ▬▬▬▬▬ ▬▬▬ ▬▬ ▬▬▬▬ ▬ ▬▬▬▬▬ ▬▬▬ ▬▬ ▬▬▬▬ ▬ ▬▬▬▬▬ ▬▬▬ ▬▬ ▬▬▬▬ ▬ ▬▬▬▬▬ ▬▬▬ ▬▬ ▬▬▬▬ ▬ ▬▬▬▬▬ ▬▬▬ ▬▬ ▬▬▬▬ ▬ ▬▬▬▬▬ ▬▬▬ ▬▬ ▬▬▬▬ ▬ ▬▬▬▬▬ ▬▬▬ ▬▬ ▬▬▬▬ ▬ ▬▬▬▬▬ ▬▬▬ ▬▬ ▬▬▬▬ ▬ ▬▬▬▬▬ ▬▬▬ ▬▬ ▬▬▬▬ ▬ ▬▬▬▬▬
POTATOES
▬▬▬ ▬▬ ▬▬▬▬ ▬ ▬▬▬▬▬ ▬▬▬ ▬▬ ▬▬▬▬ ▬ ▬▬▬▬▬ ▬▬▬ ▬▬ ▬▬▬▬ ▬ ▬▬▬▬▬ ▬▬▬ ▬▬ ▬▬▬▬ ▬ ▬▬▬▬▬ ▬▬▬ ▬▬ ▬▬▬▬ ▬ ▬▬▬▬▬ ▬▬▬ ▬▬ ▬▬▬▬ ▬ ▬▬▬▬▬ ▬▬▬ ▬▬ ▬▬▬▬ ▬ ▬▬▬▬▬ ▬▬▬ ▬▬ ▬▬▬▬
C. CARTER,
THE PEOPLE'S GROCER
ALL THIS WEEK
WE SHALL BE JOBBING OUR STOCKS OF
WINTER APPAREL
WE WANT TO GET RID OF THESE GOODS
JUST COME AND SEE WHAT WE CAN OFFER YOU
FOR CASH
SEE OUR
REMNANT TABLE
One Address Only :
MOREY & SON
DRAPERS
DEVON STREET ONLY
NEW PLYMOUTH
FOOTWEAR
FOR
LITTLE FOLK
McEWEN BROS.,
SHOE IMPORTERS
Opposite Bellow's Drapery. Devon Street, New Plymouth.
RED POST
FURNISHING CO., Ltd.
DEVON STREET . . . . . . . . NEW PLYMOUTH.
▬▬▬ ▬▬ ▬▬▬▬ ▬ ▬▬▬▬▬ ▬▬▬ ▬▬ ▬▬▬▬ ▬ ▬▬▬▬▬ ▬▬▬ ▬▬ ▬▬▬▬ ▬ ▬▬▬▬▬ ▬▬▬ ▬▬ ▬▬▬▬ ▬ ▬▬▬▬▬ ▬▬▬ ▬▬ ▬▬▬▬ ▬ ▬▬▬▬▬ ▬▬▬ ▬▬ ▬▬▬▬ ▬ ▬▬▬▬▬ ▬▬▬ ▬▬ ▬▬▬▬ ▬ ▬▬▬▬▬ ▬▬▬ ▬▬ ▬▬▬▬ ▬ ▬▬▬▬▬ ▬▬▬ ▬▬ ▬▬▬▬ ▬ ▬▬▬▬▬ ▬▬▬ ▬▬ ▬▬▬▬ ▬ ▬▬▬▬▬
DINNER AND TEA WARE
DIRECT FROM THE POTTERIES.
▬▬▬ ▬▬ ▬▬▬▬ ▬ ▬▬▬▬▬ ▬▬▬ ▬▬ ▬▬▬▬ ▬ ▬▬▬▬▬ ▬▬▬ ▬▬ ▬▬▬▬ ▬ ▬▬▬▬▬ ▬▬▬ ▬▬ ▬▬▬▬ ▬ ▬▬▬▬▬ ▬▬▬ ▬▬ ▬▬▬▬ ▬ ▬▬▬▬▬ ▬▬▬ ▬▬ ▬▬▬▬ ▬ ▬▬▬▬▬ ▬▬▬ ▬▬ ▬▬▬▬ ▬ ▬▬▬▬▬ ▬▬▬ ▬▬ ▬▬▬▬ ▬ ▬▬▬▬▬ ▬▬▬ ▬▬ ▬▬▬▬ ▬ ▬▬▬▬▬ ▬▬▬ ▬▬ ▬▬▬▬ ▬ ▬▬▬▬▬ ▬▬▬ ▬▬ ▬▬▬▬ ▬ ▬▬▬▬▬ ▬▬▬ ▬▬ ▬▬▬▬ ▬ ▬▬▬▬▬ ▬▬▬ ▬▬ ▬▬▬▬ ▬ ▬▬▬▬▬ ▬▬▬ ▬▬ ▬▬▬▬ ▬ ▬▬▬▬▬ ▬▬▬ ▬▬ ▬▬▬▬ ▬ ▬▬▬▬▬ ▬▬▬ ▬▬ ▬▬▬▬ ▬ ▬▬▬▬▬ ▬▬▬ ▬▬ ▬▬▬▬ ▬ ▬▬▬▬▬ ▬▬▬ ▬▬ ▬▬▬▬ ▬ ▬▬▬▬▬ ▬▬▬ ▬▬ ▬▬▬▬ ▬ ▬▬▬▬▬ ▬▬▬ ▬▬ ▬▬▬▬ ▬ ▬▬▬▬▬
J. HAYDEN . . . MANAGER
Brinsmead Pianos
ARE THE NEAREST APPROACH TO PERFECTION YET ATTAINED
Brinsmead's from 65gs upwards
Chappell's from 48gs upwards
Spencer's from 35gs upwards
TERMS ARRANGED FROM 20s MONTHLY
COLLIER AND COLONIAL PIANO CO.
NELSON
MOATE & Co's.
TEA
1/8, 1/9, 1/10, 2/-, 2/2 per lb
WANTED, two Gentlemen Boarders; comfortable home, central; no children.
▬▬▬ ▬▬ ▬▬▬▬ ▬ ▬▬▬▬▬ ▬▬▬ ▬▬ ▬▬▬▬ ▬ ▬▬▬▬▬ ▬▬▬ ▬▬ ▬▬▬▬ ▬ ▬▬▬▬▬ ▬▬▬ ▬▬ ▬▬▬▬ ▬ ▬▬▬▬▬ ▬▬▬ ▬▬ ▬▬▬▬ ▬ ▬▬▬▬▬
WANTED, a good Girl; also Boy.
FANCY Goods at half price and under at Amberg's Great Slaughter Sale.
HUNDREDS of people are shopping at Amberg's.
EXCHANGE for Taranaki Dairy Farm.
▬▬▬ ▬▬ ▬▬▬▬ ▬ ▬▬▬▬▬ ▬▬▬ ▬▬ ▬▬▬▬ ▬ ▬▬▬▬▬ ▬▬▬ ▬▬ ▬▬▬▬ ▬ ▬▬▬▬▬ ▬▬▬ ▬▬ ▬▬▬▬ ▬ ▬▬▬▬▬ ▬▬▬ ▬▬ ▬▬▬▬ ▬ ▬▬▬▬▬ ▬▬▬ ▬▬ ▬▬▬▬ ▬ ▬▬▬▬▬ ▬▬▬ ▬▬ ▬▬▬▬ ▬ ▬▬▬▬▬ ▬▬▬ ▬▬ ▬▬▬▬ ▬ ▬▬▬▬▬ ▬▬▬ ▬▬ ▬▬▬▬ ▬ ▬▬▬▬▬ ▬▬▬ ▬▬ ▬▬▬▬ ▬ ▬▬▬▬▬
LOST, on Sunday, from Egmont Road, Liver and White Setter.
▬▬▬ ▬▬ ▬▬▬▬ ▬ ▬▬▬▬▬ ▬▬▬ ▬▬ ▬▬▬▬ ▬ ▬▬▬▬▬ ▬▬▬ ▬▬ ▬▬▬▬ ▬ ▬▬▬▬▬ ▬▬▬ ▬▬ ▬▬▬▬ ▬ ▬▬▬▬▬ ▬▬▬ ▬▬ ▬▬▬▬ ▬ ▬▬▬▬▬ ▬▬▬ ▬▬ ▬▬▬▬ ▬ ▬▬▬▬▬ ▬▬▬ ▬▬ ▬▬▬▬ ▬ ▬▬▬▬▬ ▬▬▬ ▬▬ ▬▬▬▬ ▬ ▬▬▬▬▬ ▬▬▬ ▬▬ ▬▬▬▬ ▬ ▬▬▬▬▬ ▬▬▬ ▬▬ ▬▬▬▬ ▬ ▬▬▬▬▬
WANTED TO SELL—Encyclopaedia Britannica in half-morocco.
▬▬▬ ▬▬ ▬▬▬▬ ▬ ▬▬▬▬▬ ▬▬▬ ▬▬ ▬▬▬▬ ▬ ▬▬▬▬▬ ▬▬▬ ▬▬ ▬▬▬▬ ▬ ▬▬▬▬▬ ▬▬▬ ▬▬ ▬▬▬▬ ▬ ▬▬▬▬▬ ▬▬▬ ▬▬ ▬▬▬▬ ▬ ▬▬▬▬▬ ▬▬▬ ▬▬ ▬▬▬▬ ▬ ▬▬▬▬▬ ▬▬▬ ▬▬ ▬▬▬▬ ▬ ▬▬▬▬▬ ▬▬▬ ▬▬ ▬▬▬▬ ▬ ▬▬▬▬▬ ▬▬▬ ▬▬ ▬▬▬▬ ▬ ▬▬▬▬▬ ▬▬▬ ▬▬ ▬▬▬▬ ▬ ▬▬▬▬▬
FOR SALE—All half-price, complete Lady's Outfit.
▬▬▬ ▬▬ ▬▬▬▬ ▬ ▬▬▬▬▬ ▬▬▬ ▬▬ ▬▬▬▬ ▬ ▬▬▬▬▬ ▬▬▬ ▬▬ ▬▬▬▬ ▬ ▬▬▬▬▬ ▬▬▬ ▬▬ ▬▬▬▬ ▬ ▬▬▬▬▬ ▬▬▬ ▬▬ ▬▬▬▬ ▬ ▬▬▬▬▬ ▬▬▬ ▬▬ ▬▬▬▬ ▬ ▬▬▬▬▬ ▬▬▬ ▬▬ ▬▬▬▬ ▬ ▬▬▬▬▬ ▬▬▬ ▬▬ ▬▬▬▬ ▬ ▬▬▬▬▬ ▬▬▬ ▬▬ ▬▬▬▬ ▬ ▬▬▬▬▬ ▬▬▬ ▬▬ ▬▬▬▬ ▬ ▬▬▬▬▬ ▬▬▬ ▬▬ ▬▬▬▬ ▬ ▬▬▬▬▬ ▬▬▬ ▬▬ ▬▬▬▬ ▬ ▬▬▬▬▬ ▬▬▬ ▬▬ ▬▬▬▬ ▬ ▬▬▬▬▬ ▬▬▬ ▬▬ ▬▬▬▬ ▬ ▬▬▬▬▬ ▬▬▬ ▬▬ ▬▬▬▬ ▬ ▬▬▬▬▬
TO LET, Rooms and Rooms.
▬▬▬ ▬▬ ▬▬▬▬ ▬ ▬▬▬▬▬ ▬▬▬ ▬▬ ▬▬▬▬ ▬ ▬▬▬▬▬ ▬▬▬ ▬▬ ▬▬▬▬ ▬ ▬▬▬▬▬ ▬▬▬ ▬▬ ▬▬▬▬ ▬ ▬▬▬▬▬ ▬▬▬ ▬▬ ▬▬▬▬ ▬ ▬▬▬▬▬ ▬▬▬ ▬▬ ▬▬▬▬ ▬ ▬▬▬▬▬ ▬▬▬ ▬▬ ▬▬▬▬ ▬ ▬▬▬▬▬ ▬▬▬ ▬▬ ▬▬▬▬ ▬ ▬▬▬▬▬ ▬▬▬ ▬▬ ▬▬▬▬ ▬ ▬▬▬▬▬ ▬▬▬ ▬▬ ▬▬▬▬ ▬ ▬▬▬▬▬ ▬▬▬ ▬▬ ▬▬▬▬ ▬ ▬▬▬▬▬ ▬▬▬ ▬▬ ▬▬▬▬ ▬ ▬▬▬▬▬ ▬▬▬ ▬▬ ▬▬▬▬ ▬ ▬▬▬▬▬ ▬▬▬ ▬▬ ▬▬▬▬ ▬ ▬▬▬▬▬ ▬▬▬ ▬▬ ▬▬▬▬ ▬ ▬▬▬▬▬
BALL PROGRAMMES and INVITATION CARDS—A large consignment just arrived.
NOTICE.
▬▬▬ ▬▬ ▬▬▬▬ ▬ ▬▬▬▬▬ ▬▬▬ ▬▬ ▬▬▬▬ ▬ ▬▬▬▬▬ ▬▬▬ ▬▬ ▬▬▬▬ ▬ ▬▬▬▬▬ ▬▬▬ ▬▬ ▬▬▬▬ ▬ ▬▬▬▬▬ ▬▬▬ ▬▬ ▬▬▬▬ ▬ ▬▬▬▬▬ ▬▬▬ ▬▬ ▬▬▬▬ ▬ ▬▬▬▬▬ ▬▬▬ ▬▬ ▬▬▬▬ ▬ ▬▬▬▬▬ ▬▬▬ ▬▬ ▬▬▬▬ ▬ ▬▬▬▬▬ ▬▬▬ ▬▬ ▬▬▬▬ ▬ ▬▬▬▬▬ ▬▬▬ ▬▬ ▬▬▬▬ ▬ ▬▬▬▬▬ ▬▬▬ ▬▬ ▬▬▬▬ ▬ ▬▬▬▬▬ ▬▬▬ ▬▬ ▬▬▬▬ ▬ ▬▬▬▬▬ ▬▬▬ ▬▬ ▬▬▬▬ ▬ ▬▬▬▬▬ ▬▬▬ ▬▬ ▬▬▬▬ ▬ ▬▬▬▬▬ ▬▬▬ ▬▬ ▬▬▬▬ ▬ ▬▬▬▬▬ ▬▬▬ ▬▬ ▬▬▬▬ ▬ ▬▬▬▬▬ ▬▬▬ ▬▬ ▬▬▬▬ ▬ ▬▬▬▬▬ ▬▬▬ ▬▬ ▬▬▬▬ ▬ ▬▬▬▬▬ ▬▬▬ ▬▬ ▬▬▬▬ ▬ ▬▬▬▬▬ ▬▬▬ ▬▬ ▬▬▬▬ ▬ ▬▬▬▬▬ ▬▬▬ ▬▬ ▬▬▬▬ ▬ ▬▬▬▬▬ ▬▬▬ ▬▬ ▬▬▬▬ ▬ ▬▬▬▬▬ ▬▬▬ ▬▬ ▬▬▬▬ ▬ ▬▬▬▬▬ ▬▬▬ ▬▬ ▬▬▬▬ ▬ ▬▬▬▬▬ ▬▬▬ ▬▬ ▬▬▬▬ ▬ ▬▬▬▬▬ ▬▬▬ ▬▬ ▬▬▬▬ ▬ ▬▬▬▬▬ ▬▬▬ ▬▬ ▬▬▬▬ ▬ ▬▬▬▬▬ ▬▬▬ ▬▬ ▬▬▬▬ ▬ ▬▬▬▬▬ ▬▬▬ ▬▬ ▬▬▬▬ ▬ ▬▬▬▬▬ ▬▬▬ ▬▬ ▬▬▬▬ ▬ ▬▬▬▬▬
H. COLLIER & CO.
Devon St. . . . . . . New Plymouth.
SYKES'S
DRENCH
GOOD FOR PIGGY
How Mr. McKenzie saved £14
▬▬▬ ▬▬ ▬▬▬▬ ▬ ▬▬▬▬▬ ▬▬▬ ▬▬ ▬▬▬▬ ▬ ▬▬▬▬▬ ▬▬▬ ▬▬ ▬▬▬▬ ▬ ▬▬▬▬▬ ▬▬▬ ▬▬ ▬▬▬▬ ▬ ▬▬▬▬▬ ▬▬▬ ▬▬ ▬▬▬▬ ▬ ▬▬▬▬▬ ▬▬▬ ▬▬ ▬▬▬▬ ▬ ▬▬▬▬▬ ▬▬▬ ▬▬ ▬▬▬▬ ▬ ▬▬▬▬▬ ▬▬▬ ▬▬ ▬▬▬▬ ▬ ▬▬▬▬▬ ▬▬▬ ▬▬ ▬▬▬▬ ▬ ▬▬▬▬▬ ▬▬▬ ▬▬ ▬▬▬▬ ▬ ▬▬▬▬▬ ▬▬▬ ▬▬ ▬▬▬▬ ▬ ▬▬▬▬▬ ▬▬▬ ▬▬ ▬▬▬▬ ▬ ▬▬▬▬▬ ▬▬▬ ▬▬ ▬▬▬▬ ▬ ▬▬▬▬▬ ▬▬▬ ▬▬ ▬▬▬▬ ▬ ▬▬▬▬▬ ▬▬▬ ▬▬ ▬▬▬▬ ▬ ▬▬▬▬▬ ▬▬▬ ▬▬ ▬▬▬▬ ▬ ▬▬▬▬▬ ▬▬▬ ▬▬ ▬▬▬▬ ▬ ▬▬▬▬▬ ▬▬▬ ▬▬ ▬▬▬▬ ▬ ▬▬▬▬▬ ▬▬▬ ▬▬ ▬▬▬▬ ▬ ▬▬▬▬▬ ▬▬▬ ▬▬ ▬▬▬▬ ▬ ▬▬▬▬▬
